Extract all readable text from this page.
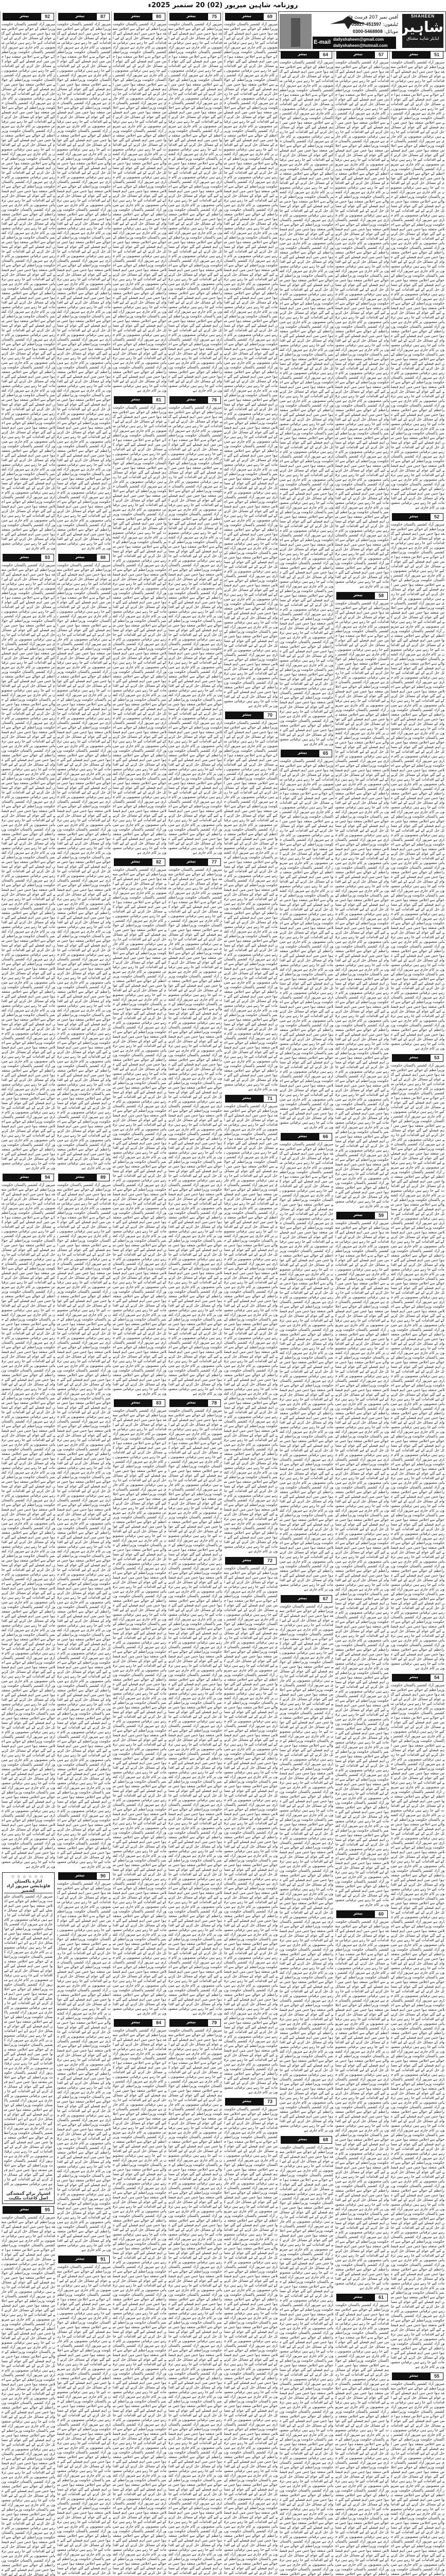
روزنامہ شاہین میرپور (02) 20 ستمبر 2025ء
SHAHEEN
شاہین
ایڈیٹر شاہد مشتاق
آفس نمبر 207 فرسٹ فلور
ٹیلیفون: 05827-451597
موبائل: 0300-5468808
E-mail dailyshaheen@gmail.com
dailyshaheen@hotmail.com
بینتر
51
میرپور آزاد کشمیر پاکستان حکومت وزیراعظم کے حوالے سے اجلاس منعقد ہوا جس میں اہم فیصلے کیے گئے عوام کے مسائل حل کرنے کے لیے اقدامات کیے جا رہے ہیں ترقیاتی منصوبوں پر کام جاری ہے میرپور آزاد کشمیر پاکستان حکومت وزیراعظم کے حوالے سے اجلاس منعقد ہوا جس میں اہم فیصلے کیے گئے عوام کے مسائل حل کرنے کے لیے اقدامات کیے جا رہے ہیں ترقیاتی منصوبوں پر کام جاری ہے میرپور آزاد کشمیر پاکستان حکومت وزیراعظم کے حوالے سے اجلاس منعقد ہوا جس میں اہم فیصلے کیے گئے عوام کے مسائل حل کرنے کے لیے اقدامات کیے جا رہے ہیں ترقیاتی منصوبوں پر کام جاری ہے میرپور آزاد کشمیر پاکستان حکومت وزیراعظم کے حوالے سے اجلاس منعقد ہوا جس میں اہم فیصلے کیے گئے عوام کے مسائل حل کرنے کے لیے اقدامات کیے جا رہے ہیں ترقیاتی منصوبوں پر کام جاری ہے میرپور آزاد کشمیر پاکستان حکومت وزیراعظم کے حوالے سے اجلاس منعقد ہوا جس میں اہم فیصلے کیے گئے عوام کے مسائل حل کرنے کے لیے اقدامات کیے جا رہے ہیں ترقیاتی منصوبوں پر کام جاری ہے میرپور آزاد کشمیر پاکستان حکومت وزیراعظم کے حوالے سے اجلاس منعقد ہوا جس میں اہم فیصلے کیے گئے عوام کے مسائل حل کرنے کے لیے اقدامات کیے جا رہے ہیں ترقیاتی منصوبوں پر کام جاری ہے میرپور آزاد کشمیر پاکستان حکومت وزیراعظم کے حوالے سے اجلاس منعقد ہوا جس میں اہم فیصلے کیے گئے عوام کے مسائل حل کرنے کے لیے اقدامات کیے جا رہے ہیں ترقیاتی منصوبوں پر کام جاری ہے میرپور آزاد کشمیر پاکستان حکومت وزیراعظم کے حوالے سے اجلاس منعقد ہوا جس میں اہم فیصلے کیے گئے عوام کے مسائل حل کرنے کے لیے اقدامات کیے جا رہے ہیں ترقیاتی منصوبوں پر کام جاری ہے میرپور آزاد کشمیر پاکستان حکومت وزیراعظم کے حوالے سے اجلاس منعقد ہوا جس میں اہم فیصلے کیے گئے عوام کے مسائل حل کرنے کے لیے اقدامات کیے جا رہے ہیں ترقیاتی منصوبوں پر کام جاری ہے میرپور آزاد کشمیر پاکستان حکومت وزیراعظم کے حوالے سے اجلاس منعقد ہوا جس میں اہم فیصلے کیے گئے عوام کے مسائل حل کرنے کے لیے اقدامات کیے جا رہے ہیں ترقیاتی منصوبوں پر کام جاری ہے میرپور آزاد کشمیر پاکستان حکومت وزیراعظم کے حوالے سے اجلاس منعقد ہوا جس میں اہم فیصلے کیے گئے عوام کے مسائل حل کرنے کے لیے اقدامات کیے جا رہے ہیں ترقیاتی منصوبوں پر کام جاری ہے میرپور آزاد کشمیر پاکستان حکومت وزیراعظم کے حوالے سے اجلاس منعقد ہوا جس میں اہم فیصلے کیے گئے عوام کے مسائل حل کرنے کے لیے اقدامات کیے جا رہے ہیں ترقیاتی منصوبوں پر کام جاری ہے میرپور آزاد کشمیر پاکستان حکومت وزیراعظم کے حوالے سے اجلاس منعقد ہوا جس میں اہم فیصلے کیے گئے عوام کے مسائل حل کرنے کے لیے اقدامات کیے جا رہے ہیں ترقیاتی منصوبوں پر کام جاری ہے میرپور آزاد کشمیر پاکستان حکومت وزیراعظم کے حوالے سے اجلاس منعقد ہوا جس میں اہم فیصلے کیے گئے عوام کے مسائل حل کرنے کے لیے اقدامات کیے جا رہے ہیں ترقیاتی منصوبوں پر کام جاری ہے میرپور آزاد کشمیر پاکستان حکومت وزیراعظم کے حوالے سے اجلاس منعقد ہوا جس میں اہم فیصلے کیے گئے عوام کے مسائل حل کرنے کے لیے اقدامات کیے جا رہے ہیں ترقیاتی منصوبوں پر کام جاری ہے میرپور آزاد کشمیر پاکستان حکومت وزیراعظم کے حوالے سے اجلاس منعقد ہوا جس میں اہم فیصلے کیے گئے عوام کے مسائل حل کرنے کے لیے اقدامات کیے جا رہے ہیں ترقیاتی منصوبوں پر کام جاری ہے میرپور آزاد کشمیر پاکستان حکومت وزیراعظم کے حوالے سے اجلاس منعقد ہوا جس میں اہم فیصلے کیے گئے عوام کے مسائل حل کرنے کے لیے اقدامات کیے جا رہے ہیں ترقیاتی منصوبوں پر کام جاری ہے
بینتر
52
میرپور آزاد کشمیر پاکستان حکومت وزیراعظم کے حوالے سے اجلاس منعقد ہوا جس میں اہم فیصلے کیے گئے عوام کے مسائل حل کرنے کے لیے اقدامات کیے جا رہے ہیں ترقیاتی منصوبوں پر کام جاری ہے میرپور آزاد کشمیر پاکستان حکومت وزیراعظم کے حوالے سے اجلاس منعقد ہوا جس میں اہم فیصلے کیے گئے عوام کے مسائل حل کرنے کے لیے اقدامات کیے جا رہے ہیں ترقیاتی منصوبوں پر کام جاری ہے میرپور آزاد کشمیر پاکستان حکومت وزیراعظم کے حوالے سے اجلاس منعقد ہوا جس میں اہم فیصلے کیے گئے عوام کے مسائل حل کرنے کے لیے اقدامات کیے جا رہے ہیں ترقیاتی منصوبوں پر کام جاری ہے میرپور آزاد کشمیر پاکستان حکومت وزیراعظم کے حوالے سے اجلاس منعقد ہوا جس میں اہم فیصلے کیے گئے عوام کے مسائل حل کرنے کے لیے اقدامات کیے جا رہے ہیں ترقیاتی منصوبوں پر کام جاری ہے میرپور آزاد کشمیر پاکستان حکومت وزیراعظم کے حوالے سے اجلاس منعقد ہوا جس میں اہم فیصلے کیے گئے عوام کے مسائل حل کرنے کے لیے اقدامات کیے جا رہے ہیں ترقیاتی منصوبوں پر کام جاری ہے میرپور آزاد کشمیر پاکستان حکومت وزیراعظم کے حوالے سے اجلاس منعقد ہوا جس میں اہم فیصلے کیے گئے عوام کے مسائل حل کرنے کے لیے اقدامات کیے جا رہے ہیں ترقیاتی منصوبوں پر کام جاری ہے میرپور آزاد کشمیر پاکستان حکومت وزیراعظم کے حوالے سے اجلاس منعقد ہوا جس میں اہم فیصلے کیے گئے عوام کے مسائل حل کرنے کے لیے اقدامات کیے جا رہے ہیں ترقیاتی منصوبوں پر کام جاری ہے میرپور آزاد کشمیر پاکستان حکومت وزیراعظم کے حوالے سے اجلاس منعقد ہوا جس میں اہم فیصلے کیے گئے عوام کے مسائل حل کرنے کے لیے اقدامات کیے جا رہے ہیں ترقیاتی منصوبوں پر کام جاری ہے میرپور آزاد کشمیر پاکستان حکومت وزیراعظم کے حوالے سے اجلاس منعقد ہوا جس میں اہم فیصلے کیے گئے عوام کے مسائل حل کرنے کے لیے اقدامات کیے جا رہے ہیں ترقیاتی منصوبوں پر کام جاری ہے میرپور آزاد کشمیر پاکستان حکومت وزیراعظم کے حوالے سے اجلاس منعقد ہوا جس میں اہم فیصلے کیے گئے عوام کے مسائل حل کرنے کے لیے اقدامات کیے جا رہے ہیں ترقیاتی منصوبوں پر کام جاری ہے میرپور آزاد کشمیر پاکستان حکومت وزیراعظم کے حوالے سے اجلاس منعقد ہوا جس میں اہم فیصلے کیے گئے عوام کے مسائل حل کرنے کے لیے اقدامات کیے جا رہے ہیں ترقیاتی منصوبوں پر کام جاری ہے میرپور آزاد کشمیر پاکستان حکومت وزیراعظم کے حوالے سے اجلاس منعقد ہوا جس میں اہم فیصلے کیے گئے عوام کے مسائل حل کرنے کے لیے اقدامات کیے جا رہے ہیں ترقیاتی منصوبوں پر کام جاری ہے میرپور آزاد کشمیر پاکستان حکومت وزیراعظم کے حوالے سے اجلاس منعقد ہوا جس میں اہم فیصلے کیے گئے عوام کے مسائل حل کرنے کے لیے اقدامات کیے جا رہے ہیں ترقیاتی منصوبوں پر کام جاری ہے میرپور آزاد کشمیر پاکستان حکومت وزیراعظم کے حوالے سے اجلاس منعقد ہوا جس میں اہم فیصلے کیے گئے عوام کے مسائل حل کرنے کے لیے اقدامات کیے جا رہے ہیں ترقیاتی منصوبوں پر کام جاری ہے میرپور آزاد کشمیر پاکستان حکومت وزیراعظم کے حوالے سے اجلاس منعقد ہوا جس میں اہم فیصلے کیے گئے عوام کے مسائل حل کرنے کے لیے اقدامات کیے جا رہے ہیں ترقیاتی منصوبوں پر کام جاری ہے میرپور آزاد کشمیر پاکستان حکومت وزیراعظم کے حوالے سے اجلاس منعقد ہوا جس میں اہم فیصلے کیے گئے عوام کے مسائل حل کرنے کے لیے اقدامات کیے جا رہے ہیں ترقیاتی منصوبوں پر کام جاری ہے میرپور آزاد کشمیر پاکستان حکومت وزیراعظم کے حوالے سے اجلاس منعقد ہوا جس میں اہم فیصلے کیے گئے عوام کے مسائل حل کرنے کے لیے اقدامات کیے جا رہے ہیں ترقیاتی منصوبوں پر کام جاری ہے میرپور آزاد کشمیر پاکستان حکومت وزیراعظم کے حوالے سے اجلاس منعقد ہوا جس میں اہم فیصلے کیے گئے عوام کے مسائل حل کرنے کے لیے اقدامات کیے جا رہے ہیں ترقیاتی منصوبوں پر کام جاری ہے میرپور آزاد کشمیر پاکستان حکومت وزیراعظم کے حوالے سے اجلاس منعقد ہوا جس میں اہم فیصلے کیے گئے عوام کے مسائل حل کرنے کے لیے اقدامات کیے جا رہے ہیں ترقیاتی منصوبوں پر کام جاری ہے میرپور آزاد کشمیر پاکستان حکومت وزیراعظم کے حوالے سے اجلاس منعقد ہوا جس میں اہم فیصلے کیے گئے عوام کے مسائل حل کرنے کے لیے اقدامات کیے جا رہے ہیں ترقیاتی منصوبوں پر کام جاری ہے
بینتر
53
میرپور آزاد کشمیر پاکستان حکومت وزیراعظم کے حوالے سے اجلاس منعقد ہوا جس میں اہم فیصلے کیے گئے عوام کے مسائل حل کرنے کے لیے اقدامات کیے جا رہے ہیں ترقیاتی منصوبوں پر کام جاری ہے میرپور آزاد کشمیر پاکستان حکومت وزیراعظم کے حوالے سے اجلاس منعقد ہوا جس میں اہم فیصلے کیے گئے عوام کے مسائل حل کرنے کے لیے اقدامات کیے جا رہے ہیں ترقیاتی منصوبوں پر کام جاری ہے میرپور آزاد کشمیر پاکستان حکومت وزیراعظم کے حوالے سے اجلاس منعقد ہوا جس میں اہم فیصلے کیے گئے عوام کے مسائل حل کرنے کے لیے اقدامات کیے جا رہے ہیں ترقیاتی منصوبوں پر کام جاری ہے میرپور آزاد کشمیر پاکستان حکومت وزیراعظم کے حوالے سے اجلاس منعقد ہوا جس میں اہم فیصلے کیے گئے عوام کے مسائل حل کرنے کے لیے اقدامات کیے جا رہے ہیں ترقیاتی منصوبوں پر کام جاری ہے میرپور آزاد کشمیر پاکستان حکومت وزیراعظم کے حوالے سے اجلاس منعقد ہوا جس میں اہم فیصلے کیے گئے عوام کے مسائل حل کرنے کے لیے اقدامات کیے جا رہے ہیں ترقیاتی منصوبوں پر کام جاری ہے میرپور آزاد کشمیر پاکستان حکومت وزیراعظم کے حوالے سے اجلاس منعقد ہوا جس میں اہم فیصلے کیے گئے عوام کے مسائل حل کرنے کے لیے اقدامات کیے جا رہے ہیں ترقیاتی منصوبوں پر کام جاری ہے میرپور آزاد کشمیر پاکستان حکومت وزیراعظم کے حوالے سے اجلاس منعقد ہوا جس میں اہم فیصلے کیے گئے عوام کے مسائل حل کرنے کے لیے اقدامات کیے جا رہے ہیں ترقیاتی منصوبوں پر کام جاری ہے میرپور آزاد کشمیر پاکستان حکومت وزیراعظم کے حوالے سے اجلاس منعقد ہوا جس میں اہم فیصلے کیے گئے عوام کے مسائل حل کرنے کے لیے اقدامات کیے جا رہے ہیں ترقیاتی منصوبوں پر کام جاری ہے میرپور آزاد کشمیر پاکستان حکومت وزیراعظم کے حوالے سے اجلاس منعقد ہوا جس میں اہم فیصلے کیے گئے عوام کے مسائل حل کرنے کے لیے اقدامات کیے جا رہے ہیں ترقیاتی منصوبوں پر کام جاری ہے میرپور آزاد کشمیر پاکستان حکومت وزیراعظم کے حوالے سے اجلاس منعقد ہوا جس میں اہم فیصلے کیے گئے عوام کے مسائل حل کرنے کے لیے اقدامات کیے جا رہے ہیں ترقیاتی منصوبوں پر کام جاری ہے میرپور آزاد کشمیر پاکستان حکومت وزیراعظم کے حوالے سے اجلاس منعقد ہوا جس میں اہم فیصلے کیے گئے عوام کے مسائل حل کرنے کے لیے اقدامات کیے جا رہے ہیں ترقیاتی منصوبوں پر کام جاری ہے میرپور آزاد کشمیر پاکستان حکومت وزیراعظم کے حوالے سے اجلاس منعقد ہوا جس میں اہم فیصلے کیے گئے عوام کے مسائل حل کرنے کے لیے اقدامات کیے جا رہے ہیں ترقیاتی منصوبوں پر کام جاری ہے میرپور آزاد کشمیر پاکستان حکومت وزیراعظم کے حوالے سے اجلاس منعقد ہوا جس میں اہم فیصلے کیے گئے عوام کے مسائل حل کرنے کے لیے اقدامات کیے جا رہے ہیں ترقیاتی منصوبوں پر کام جاری ہے میرپور آزاد کشمیر پاکستان حکومت وزیراعظم کے حوالے سے اجلاس منعقد ہوا جس میں اہم فیصلے کیے گئے عوام کے مسائل حل کرنے کے لیے اقدامات کیے جا رہے ہیں ترقیاتی منصوبوں پر کام جاری ہے میرپور آزاد کشمیر پاکستان حکومت وزیراعظم کے حوالے سے اجلاس منعقد ہوا جس میں اہم فیصلے کیے گئے عوام کے مسائل حل کرنے کے لیے اقدامات کیے جا رہے ہیں ترقیاتی منصوبوں پر کام جاری ہے میرپور آزاد کشمیر پاکستان حکومت وزیراعظم کے حوالے سے اجلاس منعقد ہوا جس میں اہم فیصلے کیے گئے عوام کے مسائل حل کرنے کے لیے اقدامات کیے جا رہے ہیں ترقیاتی منصوبوں پر کام جاری ہے میرپور آزاد کشمیر پاکستان حکومت وزیراعظم کے حوالے سے اجلاس منعقد ہوا جس میں اہم فیصلے کیے گئے عوام کے مسائل حل کرنے کے لیے اقدامات کیے جا رہے ہیں ترقیاتی منصوبوں پر کام جاری ہے میرپور آزاد کشمیر پاکستان حکومت وزیراعظم کے حوالے سے اجلاس منعقد ہوا جس میں اہم فیصلے کیے گئے عوام کے مسائل حل کرنے کے لیے اقدامات کیے جا رہے ہیں ترقیاتی منصوبوں پر کام جاری ہے میرپور آزاد کشمیر پاکستان حکومت وزیراعظم کے حوالے سے اجلاس منعقد ہوا جس میں اہم فیصلے کیے گئے عوام کے مسائل حل کرنے کے لیے اقدامات کیے جا رہے ہیں ترقیاتی منصوبوں پر کام جاری ہے میرپور آزاد کشمیر پاکستان حکومت وزیراعظم کے حوالے سے اجلاس منعقد ہوا جس میں اہم فیصلے کیے گئے عوام کے مسائل حل کرنے کے لیے اقدامات کیے جا رہے ہیں ترقیاتی منصوبوں پر کام جاری ہے میرپور آزاد کشمیر پاکستان حکومت وزیراعظم کے حوالے سے اجلاس منعقد ہوا جس میں اہم فیصلے کیے گئے عوام کے مسائل حل کرنے کے لیے اقدامات کیے جا رہے ہیں ترقیاتی منصوبوں پر کام جاری ہے میرپور آزاد کشمیر پاکستان حکومت وزیراعظم کے حوالے سے اجلاس منعقد ہوا جس میں اہم فیصلے کیے گئے عوام کے مسائل حل کرنے کے لیے اقدامات کیے جا رہے ہیں ترقیاتی منصوبوں پر کام جاری ہے میرپور آزاد کشمیر پاکستان حکومت وزیراعظم کے حوالے سے اجلاس منعقد ہوا جس میں اہم فیصلے کیے گئے عوام کے مسائل حل کرنے کے لیے اقدامات کیے جا رہے ہیں ترقیاتی منصوبوں پر کام جاری ہے
بینتر
54
میرپور آزاد کشمیر پاکستان حکومت وزیراعظم کے حوالے سے اجلاس منعقد ہوا جس میں اہم فیصلے کیے گئے عوام کے مسائل حل کرنے کے لیے اقدامات کیے جا رہے ہیں ترقیاتی منصوبوں پر کام جاری ہے میرپور آزاد کشمیر پاکستان حکومت وزیراعظم کے حوالے سے اجلاس منعقد ہوا جس میں اہم فیصلے کیے گئے عوام کے مسائل حل کرنے کے لیے اقدامات کیے جا رہے ہیں ترقیاتی منصوبوں پر کام جاری ہے میرپور آزاد کشمیر پاکستان حکومت وزیراعظم کے حوالے سے اجلاس منعقد ہوا جس میں اہم فیصلے کیے گئے عوام کے مسائل حل کرنے کے لیے اقدامات کیے جا رہے ہیں ترقیاتی منصوبوں پر کام جاری ہے میرپور آزاد کشمیر پاکستان حکومت وزیراعظم کے حوالے سے اجلاس منعقد ہوا جس میں اہم فیصلے کیے گئے عوام کے مسائل حل کرنے کے لیے اقدامات کیے جا رہے ہیں ترقیاتی منصوبوں پر کام جاری ہے میرپور آزاد کشمیر پاکستان حکومت وزیراعظم کے حوالے سے اجلاس منعقد ہوا جس میں اہم فیصلے کیے گئے عوام کے مسائل حل کرنے کے لیے اقدامات کیے جا رہے ہیں ترقیاتی منصوبوں پر کام جاری ہے میرپور آزاد کشمیر پاکستان حکومت وزیراعظم کے حوالے سے اجلاس منعقد ہوا جس میں اہم فیصلے کیے گئے عوام کے مسائل حل کرنے کے لیے اقدامات کیے جا رہے ہیں ترقیاتی منصوبوں پر کام جاری ہے میرپور آزاد کشمیر پاکستان حکومت وزیراعظم کے حوالے سے اجلاس منعقد ہوا جس میں اہم فیصلے کیے گئے عوام کے مسائل حل کرنے کے لیے اقدامات کیے جا رہے ہیں ترقیاتی منصوبوں پر کام جاری ہے میرپور آزاد کشمیر پاکستان حکومت وزیراعظم کے حوالے سے اجلاس منعقد ہوا جس میں اہم فیصلے کیے گئے عوام کے مسائل حل کرنے کے لیے اقدامات کیے جا رہے ہیں ترقیاتی منصوبوں پر کام جاری ہے میرپور آزاد کشمیر پاکستان حکومت وزیراعظم کے حوالے سے اجلاس منعقد ہوا جس میں اہم فیصلے کیے گئے عوام کے مسائل حل کرنے کے لیے اقدامات کیے جا رہے ہیں ترقیاتی منصوبوں پر کام جاری ہے میرپور آزاد کشمیر پاکستان حکومت وزیراعظم کے حوالے سے اجلاس منعقد ہوا جس میں اہم فیصلے کیے گئے عوام کے مسائل حل کرنے کے لیے اقدامات کیے جا رہے ہیں ترقیاتی منصوبوں پر کام جاری ہے میرپور آزاد کشمیر پاکستان حکومت وزیراعظم کے حوالے سے اجلاس منعقد ہوا جس میں اہم فیصلے کیے گئے عوام کے مسائل حل کرنے کے لیے اقدامات کیے جا رہے ہیں ترقیاتی منصوبوں پر کام جاری ہے میرپور آزاد کشمیر پاکستان حکومت وزیراعظم کے حوالے سے اجلاس منعقد ہوا جس میں اہم فیصلے کیے گئے عوام کے مسائل حل کرنے کے لیے اقدامات کیے جا رہے ہیں ترقیاتی منصوبوں پر کام جاری ہے میرپور آزاد کشمیر پاکستان حکومت وزیراعظم کے حوالے سے اجلاس منعقد ہوا جس میں اہم فیصلے کیے گئے عوام کے مسائل حل کرنے کے لیے اقدامات کیے جا رہے ہیں ترقیاتی منصوبوں پر کام جاری ہے میرپور آزاد کشمیر پاکستان حکومت وزیراعظم کے حوالے سے اجلاس منعقد ہوا جس میں اہم فیصلے کیے گئے عوام کے مسائل حل کرنے کے لیے اقدامات کیے جا رہے ہیں ترقیاتی منصوبوں پر کام جاری ہے میرپور آزاد کشمیر پاکستان حکومت وزیراعظم کے حوالے سے اجلاس منعقد ہوا جس میں اہم فیصلے کیے گئے عوام کے مسائل حل کرنے کے لیے اقدامات کیے جا رہے ہیں ترقیاتی منصوبوں پر کام جاری ہے میرپور آزاد کشمیر پاکستان حکومت وزیراعظم کے حوالے سے اجلاس منعقد ہوا جس میں اہم فیصلے کیے گئے عوام کے مسائل حل کرنے کے لیے اقدامات کیے جا رہے ہیں ترقیاتی منصوبوں پر کام جاری ہے میرپور آزاد کشمیر پاکستان حکومت وزیراعظم کے حوالے سے اجلاس منعقد ہوا جس میں اہم فیصلے کیے گئے عوام کے مسائل حل کرنے کے لیے اقدامات کیے جا رہے ہیں ترقیاتی منصوبوں پر کام جاری ہے میرپور آزاد کشمیر پاکستان حکومت وزیراعظم کے حوالے سے اجلاس منعقد ہوا جس میں اہم فیصلے کیے گئے عوام کے مسائل حل کرنے کے لیے اقدامات کیے جا رہے ہیں ترقیاتی منصوبوں پر کام جاری ہے میرپور آزاد کشمیر پاکستان حکومت وزیراعظم کے حوالے سے اجلاس منعقد ہوا جس میں اہم فیصلے کیے گئے عوام کے مسائل حل کرنے کے لیے اقدامات کیے جا رہے ہیں ترقیاتی منصوبوں پر کام جاری ہے میرپور آزاد کشمیر پاکستان حکومت وزیراعظم کے حوالے سے اجلاس منعقد ہوا جس میں اہم فیصلے کیے گئے عوام کے مسائل حل کرنے کے لیے اقدامات کیے جا رہے ہیں ترقیاتی منصوبوں پر کام جاری ہے میرپور آزاد کشمیر پاکستان حکومت وزیراعظم کے حوالے سے اجلاس منعقد ہوا جس میں اہم فیصلے کیے گئے عوام کے مسائل حل کرنے کے لیے اقدامات کیے جا رہے ہیں ترقیاتی منصوبوں پر کام جاری ہے میرپور آزاد کشمیر پاکستان حکومت وزیراعظم کے حوالے سے اجلاس منعقد ہوا جس میں اہم فیصلے کیے گئے عوام کے مسائل حل کرنے کے لیے اقدامات کیے جا رہے ہیں ترقیاتی منصوبوں پر کام جاری ہے میرپور آزاد کشمیر پاکستان حکومت وزیراعظم کے حوالے سے اجلاس منعقد ہوا جس میں اہم فیصلے کیے گئے عوام کے مسائل حل کرنے کے لیے اقدامات کیے جا رہے ہیں ترقیاتی منصوبوں پر کام جاری ہے میرپور آزاد کشمیر پاکستان حکومت وزیراعظم کے حوالے سے اجلاس منعقد ہوا جس میں اہم فیصلے کیے گئے عوام کے مسائل حل کرنے کے لیے اقدامات کیے جا رہے ہیں ترقیاتی منصوبوں پر کام جاری ہے میرپور آزاد کشمیر پاکستان حکومت وزیراعظم کے حوالے سے اجلاس منعقد ہوا جس میں اہم فیصلے کیے گئے عوام کے مسائل حل کرنے کے لیے اقدامات کیے جا رہے ہیں ترقیاتی منصوبوں پر کام جاری ہے میرپور آزاد کشمیر پاکستان حکومت وزیراعظم کے حوالے سے اجلاس منعقد ہوا جس میں اہم فیصلے کیے گئے عوام کے مسائل حل کرنے کے لیے اقدامات کیے جا رہے ہیں ترقیاتی منصوبوں پر کام جاری ہے
بینتر
55
میرپور آزاد کشمیر پاکستان حکومت وزیراعظم کے حوالے سے اجلاس منعقد ہوا جس میں اہم فیصلے کیے گئے عوام کے مسائل حل کرنے کے لیے اقدامات کیے جا رہے ہیں ترقیاتی منصوبوں پر کام جاری ہے میرپور آزاد کشمیر پاکستان حکومت وزیراعظم کے حوالے سے اجلاس منعقد ہوا جس میں اہم فیصلے کیے گئے عوام کے مسائل حل کرنے کے لیے اقدامات کیے جا رہے ہیں ترقیاتی منصوبوں پر کام جاری ہے میرپور آزاد کشمیر پاکستان حکومت وزیراعظم کے حوالے سے اجلاس منعقد ہوا جس میں اہم فیصلے کیے گئے عوام کے مسائل حل کرنے کے لیے اقدامات کیے جا رہے ہیں ترقیاتی منصوبوں پر کام جاری ہے میرپور آزاد کشمیر پاکستان حکومت وزیراعظم کے حوالے سے اجلاس منعقد ہوا جس میں اہم فیصلے کیے گئے عوام کے مسائل حل کرنے کے لیے اقدامات کیے جا رہے ہیں ترقیاتی منصوبوں پر کام جاری ہے میرپور آزاد کشمیر پاکستان حکومت وزیراعظم کے حوالے سے اجلاس منعقد ہوا جس میں اہم فیصلے کیے گئے عوام کے مسائل حل کرنے کے لیے اقدامات کیے جا رہے ہیں ترقیاتی منصوبوں پر کام جاری ہے میرپور آزاد کشمیر پاکستان حکومت وزیراعظم کے حوالے سے اجلاس منعقد ہوا جس میں اہم فیصلے کیے گئے عوام کے مسائل حل کرنے کے لیے اقدامات کیے جا رہے ہیں ترقیاتی منصوبوں پر کام جاری ہے میرپور آزاد کشمیر پاکستان حکومت وزیراعظم کے حوالے سے اجلاس منعقد ہوا جس میں اہم فیصلے کیے گئے عوام کے مسائل حل کرنے کے لیے اقدامات کیے جا رہے ہیں ترقیاتی منصوبوں پر کام جاری ہے میرپور آزاد کشمیر پاکستان حکومت وزیراعظم کے حوالے سے اجلاس منعقد
بینتر
57
میرپور آزاد کشمیر پاکستان حکومت وزیراعظم کے حوالے سے اجلاس منعقد ہوا جس میں اہم فیصلے کیے گئے عوام کے مسائل حل کرنے کے لیے اقدامات کیے جا رہے ہیں ترقیاتی منصوبوں پر کام جاری ہے میرپور آزاد کشمیر پاکستان حکومت وزیراعظم کے حوالے سے اجلاس منعقد ہوا جس میں اہم فیصلے کیے گئے عوام کے مسائل حل کرنے کے لیے اقدامات کیے جا رہے ہیں ترقیاتی منصوبوں پر کام جاری ہے میرپور آزاد کشمیر پاکستان حکومت وزیراعظم کے حوالے سے اجلاس منعقد ہوا جس میں اہم فیصلے کیے گئے عوام کے مسائل حل کرنے کے لیے اقدامات کیے جا رہے ہیں ترقیاتی منصوبوں پر کام جاری ہے میرپور آزاد کشمیر پاکستان حکومت وزیراعظم کے حوالے سے اجلاس منعقد ہوا جس میں اہم فیصلے کیے گئے عوام کے مسائل حل کرنے کے لیے اقدامات کیے جا رہے ہیں ترقیاتی منصوبوں پر کام جاری ہے میرپور آزاد کشمیر پاکستان حکومت وزیراعظم کے حوالے سے اجلاس منعقد ہوا جس میں اہم فیصلے کیے گئے عوام کے مسائل حل کرنے کے لیے اقدامات کیے جا رہے ہیں ترقیاتی منصوبوں پر کام جاری ہے میرپور آزاد کشمیر پاکستان حکومت وزیراعظم کے حوالے سے اجلاس منعقد ہوا جس میں اہم فیصلے کیے گئے عوام کے مسائل حل کرنے کے لیے اقدامات کیے جا رہے ہیں ترقیاتی منصوبوں پر کام جاری ہے میرپور آزاد کشمیر پاکستان حکومت وزیراعظم کے حوالے سے اجلاس منعقد ہوا جس میں اہم فیصلے کیے گئے عوام کے مسائل حل کرنے کے لیے اقدامات کیے جا رہے ہیں ترقیاتی منصوبوں پر کام جاری ہے میرپور آزاد کشمیر پاکستان حکومت وزیراعظم کے حوالے سے اجلاس منعقد ہوا جس میں اہم فیصلے کیے گئے عوام کے مسائل حل کرنے کے لیے اقدامات کیے جا رہے ہیں ترقیاتی منصوبوں پر کام جاری ہے میرپور آزاد کشمیر پاکستان حکومت وزیراعظم کے حوالے سے اجلاس منعقد ہوا جس میں اہم فیصلے کیے گئے عوام کے مسائل حل کرنے کے لیے اقدامات کیے جا رہے ہیں ترقیاتی منصوبوں پر کام جاری ہے میرپور آزاد کشمیر پاکستان حکومت وزیراعظم کے حوالے سے اجلاس منعقد ہوا جس میں اہم فیصلے کیے گئے عوام کے مسائل حل کرنے کے لیے اقدامات کیے جا رہے ہیں ترقیاتی منصوبوں پر کام جاری ہے میرپور آزاد کشمیر پاکستان حکومت وزیراعظم کے حوالے سے اجلاس منعقد ہوا جس میں اہم فیصلے کیے گئے عوام کے مسائل حل کرنے کے لیے اقدامات کیے جا رہے ہیں ترقیاتی منصوبوں پر کام جاری ہے میرپور آزاد کشمیر پاکستان حکومت وزیراعظم کے حوالے سے اجلاس منعقد ہوا جس میں اہم فیصلے کیے گئے عوام کے مسائل حل کرنے کے لیے اقدامات کیے جا رہے ہیں ترقیاتی منصوبوں پر کام جاری ہے میرپور آزاد کشمیر پاکستان حکومت وزیراعظم کے حوالے سے اجلاس منعقد ہوا جس میں اہم فیصلے کیے گئے عوام کے مسائل حل کرنے کے لیے اقدامات کیے جا رہے ہیں ترقیاتی منصوبوں پر کام جاری ہے میرپور آزاد کشمیر پاکستان حکومت وزیراعظم کے حوالے سے اجلاس منعقد ہوا جس میں اہم فیصلے کیے گئے عوام کے مسائل حل کرنے کے لیے اقدامات کیے جا رہے ہیں ترقیاتی منصوبوں پر کام جاری ہے میرپور آزاد کشمیر پاکستان حکومت وزیراعظم کے حوالے سے اجلاس منعقد ہوا جس میں اہم فیصلے کیے گئے عوام کے مسائل حل کرنے کے لیے اقدامات کیے جا رہے ہیں ترقیاتی منصوبوں پر کام جاری ہے میرپور آزاد کشمیر پاکستان حکومت وزیراعظم کے حوالے سے اجلاس منعقد ہوا جس میں اہم فیصلے کیے گئے عوام کے مسائل حل کرنے کے لیے اقدامات کیے جا رہے ہیں ترقیاتی منصوبوں پر کام جاری ہے میرپور آزاد کشمیر پاکستان حکومت وزیراعظم کے حوالے سے اجلاس منعقد ہوا جس میں اہم فیصلے کیے گئے عوام کے مسائل حل کرنے کے لیے اقدامات کیے جا رہے ہیں ترقیاتی منصوبوں پر کام جاری ہے میرپور آزاد کشمیر پاکستان حکومت وزیراعظم کے حوالے سے اجلاس منعقد ہوا جس میں اہم فیصلے کیے گئے عوام کے مسائل حل کرنے کے لیے اقدامات کیے جا رہے ہیں ترقیاتی منصوبوں پر کام جاری ہے میرپور آزاد کشمیر پاکستان حکومت وزیراعظم کے حوالے سے اجلاس منعقد ہوا جس میں اہم فیصلے کیے گئے عوام کے مسائل حل کرنے کے لیے اقدامات کیے جا رہے ہیں ترقیاتی منصوبوں پر کام جاری ہے میرپور آزاد کشمیر پاکستان حکومت وزیراعظم کے حوالے سے اجلاس منعقد ہوا جس میں اہم فیصلے کیے گئے عوام کے مسائل حل کرنے کے لیے اقدامات کیے جا رہے ہیں ترقیاتی منصوبوں پر کام جاری ہے
بینتر
58
میرپور آزاد کشمیر پاکستان حکومت وزیراعظم کے حوالے سے اجلاس منعقد ہوا جس میں اہم فیصلے کیے گئے عوام کے مسائل حل کرنے کے لیے اقدامات کیے جا رہے ہیں ترقیاتی منصوبوں پر کام جاری ہے میرپور آزاد کشمیر پاکستان حکومت وزیراعظم کے حوالے سے اجلاس منعقد ہوا جس میں اہم فیصلے کیے گئے عوام کے مسائل حل کرنے کے لیے اقدامات کیے جا رہے ہیں ترقیاتی منصوبوں پر کام جاری ہے میرپور آزاد کشمیر پاکستان حکومت وزیراعظم کے حوالے سے اجلاس منعقد ہوا جس میں اہم فیصلے کیے گئے عوام کے مسائل حل کرنے کے لیے اقدامات کیے جا رہے ہیں ترقیاتی منصوبوں پر کام جاری ہے میرپور آزاد کشمیر پاکستان حکومت وزیراعظم کے حوالے سے اجلاس منعقد ہوا جس میں اہم فیصلے کیے گئے عوام کے مسائل حل کرنے کے لیے اقدامات کیے جا رہے ہیں ترقیاتی منصوبوں پر کام جاری ہے میرپور آزاد کشمیر پاکستان حکومت وزیراعظم کے حوالے سے اجلاس منعقد ہوا جس میں اہم فیصلے کیے گئے عوام کے مسائل حل کرنے کے لیے اقدامات کیے جا رہے ہیں ترقیاتی منصوبوں پر کام جاری ہے میرپور آزاد کشمیر پاکستان حکومت وزیراعظم کے حوالے سے اجلاس منعقد ہوا جس میں اہم فیصلے کیے گئے عوام کے مسائل حل کرنے کے لیے اقدامات کیے جا رہے ہیں ترقیاتی منصوبوں پر کام جاری ہے میرپور آزاد کشمیر پاکستان حکومت وزیراعظم کے حوالے سے اجلاس منعقد ہوا جس میں اہم فیصلے کیے گئے عوام کے مسائل حل کرنے کے لیے اقدامات کیے جا رہے ہیں ترقیاتی منصوبوں پر کام جاری ہے میرپور آزاد کشمیر پاکستان حکومت وزیراعظم کے حوالے سے اجلاس منعقد ہوا جس میں اہم فیصلے کیے گئے عوام کے مسائل حل کرنے کے لیے اقدامات کیے جا رہے ہیں ترقیاتی منصوبوں پر کام جاری ہے میرپور آزاد کشمیر پاکستان حکومت وزیراعظم کے حوالے سے اجلاس منعقد ہوا جس میں اہم فیصلے کیے گئے عوام کے مسائل حل کرنے کے لیے اقدامات کیے جا رہے ہیں ترقیاتی منصوبوں پر کام جاری ہے میرپور آزاد کشمیر پاکستان حکومت وزیراعظم کے حوالے سے اجلاس منعقد ہوا جس میں اہم فیصلے کیے گئے عوام کے مسائل حل کرنے کے لیے اقدامات کیے جا رہے ہیں ترقیاتی منصوبوں پر کام جاری ہے میرپور آزاد کشمیر پاکستان حکومت وزیراعظم کے حوالے سے اجلاس منعقد ہوا جس میں اہم فیصلے کیے گئے عوام کے مسائل حل کرنے کے لیے اقدامات کیے جا رہے ہیں ترقیاتی منصوبوں پر کام جاری ہے میرپور آزاد کشمیر پاکستان حکومت وزیراعظم کے حوالے سے اجلاس منعقد ہوا جس میں اہم فیصلے کیے گئے عوام کے مسائل حل کرنے کے لیے اقدامات کیے جا رہے ہیں ترقیاتی منصوبوں پر کام جاری ہے میرپور آزاد کشمیر پاکستان حکومت وزیراعظم کے حوالے سے اجلاس منعقد ہوا جس میں اہم فیصلے کیے گئے عوام کے مسائل حل کرنے کے لیے اقدامات کیے جا رہے ہیں ترقیاتی منصوبوں پر کام جاری ہے میرپور آزاد کشمیر پاکستان حکومت وزیراعظم کے حوالے سے اجلاس منعقد ہوا جس میں اہم فیصلے کیے گئے عوام کے مسائل حل کرنے کے لیے اقدامات کیے جا رہے ہیں ترقیاتی منصوبوں پر کام جاری ہے میرپور آزاد کشمیر پاکستان حکومت وزیراعظم کے حوالے سے اجلاس منعقد ہوا جس میں اہم فیصلے کیے گئے عوام کے مسائل حل کرنے کے لیے اقدامات کیے جا رہے ہیں ترقیاتی منصوبوں پر کام جاری ہے میرپور آزاد کشمیر پاکستان حکومت وزیراعظم کے حوالے سے اجلاس منعقد ہوا جس میں اہم فیصلے کیے گئے عوام کے مسائل حل کرنے کے لیے اقدامات کیے جا رہے ہیں ترقیاتی منصوبوں پر کام جاری ہے میرپور آزاد کشمیر پاکستان حکومت وزیراعظم کے حوالے سے اجلاس منعقد ہوا جس میں اہم فیصلے کیے گئے عوام کے مسائل حل کرنے کے لیے اقدامات کیے جا رہے ہیں ترقیاتی منصوبوں پر کام جاری ہے میرپور آزاد کشمیر پاکستان حکومت وزیراعظم کے حوالے سے اجلاس منعقد ہوا جس میں اہم فیصلے کیے گئے عوام کے مسائل حل کرنے کے لیے اقدامات کیے جا رہے ہیں ترقیاتی منصوبوں پر کام جاری ہے میرپور آزاد کشمیر پاکستان حکومت وزیراعظم کے حوالے سے اجلاس منعقد ہوا جس میں اہم فیصلے کیے گئے عوام کے مسائل حل کرنے کے لیے اقدامات کیے جا رہے ہیں ترقیاتی منصوبوں پر کام جاری ہے میرپور آزاد کشمیر پاکستان حکومت وزیراعظم کے حوالے سے اجلاس منعقد ہوا جس میں اہم فیصلے کیے گئے عوام کے مسائل حل کرنے کے لیے اقدامات کیے جا رہے ہیں ترقیاتی منصوبوں پر کام جاری ہے میرپور آزاد کشمیر پاکستان حکومت وزیراعظم کے حوالے سے اجلاس منعقد ہوا جس میں اہم فیصلے کیے گئے عوام کے مسائل حل کرنے کے لیے اقدامات کیے جا رہے ہیں ترقیاتی منصوبوں پر کام جاری ہے میرپور آزاد کشمیر پاکستان حکومت وزیراعظم کے حوالے سے اجلاس منعقد ہوا جس میں اہم فیصلے کیے گئے عوام کے مسائل حل کرنے کے لیے اقدامات کیے جا رہے ہیں ترقیاتی منصوبوں پر کام جاری ہے میرپور آزاد کشمیر پاکستان حکومت وزیراعظم کے حوالے سے اجلاس منعقد ہوا جس میں اہم فیصلے کیے گئے عوام کے مسائل حل کرنے کے لیے اقدامات کیے جا رہے ہیں ترقیاتی منصوبوں پر کام جاری ہے
بینتر
59
میرپور آزاد کشمیر پاکستان حکومت وزیراعظم کے حوالے سے اجلاس منعقد ہوا جس میں اہم فیصلے کیے گئے عوام کے مسائل حل کرنے کے لیے اقدامات کیے جا رہے ہیں ترقیاتی منصوبوں پر کام جاری ہے میرپور آزاد کشمیر پاکستان حکومت وزیراعظم کے حوالے سے اجلاس منعقد ہوا جس میں اہم فیصلے کیے گئے عوام کے مسائل حل کرنے کے لیے اقدامات کیے جا رہے ہیں ترقیاتی منصوبوں پر کام جاری ہے میرپور آزاد کشمیر پاکستان حکومت وزیراعظم کے حوالے سے اجلاس منعقد ہوا جس میں اہم فیصلے کیے گئے عوام کے مسائل حل کرنے کے لیے اقدامات کیے جا رہے ہیں ترقیاتی منصوبوں پر کام جاری ہے میرپور آزاد کشمیر پاکستان حکومت وزیراعظم کے حوالے سے اجلاس منعقد ہوا جس میں اہم فیصلے کیے گئے عوام کے مسائل حل کرنے کے لیے اقدامات کیے جا رہے ہیں ترقیاتی منصوبوں پر کام جاری ہے میرپور آزاد کشمیر پاکستان حکومت وزیراعظم کے حوالے سے اجلاس منعقد ہوا جس میں اہم فیصلے کیے گئے عوام کے مسائل حل کرنے کے لیے اقدامات کیے جا رہے ہیں ترقیاتی منصوبوں پر کام جاری ہے میرپور آزاد کشمیر پاکستان حکومت وزیراعظم کے حوالے سے اجلاس منعقد ہوا جس میں اہم فیصلے کیے گئے عوام کے مسائل حل کرنے کے لیے اقدامات کیے جا رہے ہیں ترقیاتی منصوبوں پر کام جاری ہے میرپور آزاد کشمیر پاکستان حکومت وزیراعظم کے حوالے سے اجلاس منعقد ہوا جس میں اہم فیصلے کیے گئے عوام کے مسائل حل کرنے کے لیے اقدامات کیے جا رہے ہیں ترقیاتی منصوبوں پر کام جاری ہے میرپور آزاد کشمیر پاکستان حکومت وزیراعظم کے حوالے سے اجلاس منعقد ہوا جس میں اہم فیصلے کیے گئے عوام کے مسائل حل کرنے کے لیے اقدامات کیے جا رہے ہیں ترقیاتی منصوبوں پر کام جاری ہے میرپور آزاد کشمیر پاکستان حکومت وزیراعظم کے حوالے سے اجلاس منعقد ہوا جس میں اہم فیصلے کیے گئے عوام کے مسائل حل کرنے کے لیے اقدامات کیے جا رہے ہیں ترقیاتی منصوبوں پر کام جاری ہے میرپور آزاد کشمیر پاکستان حکومت وزیراعظم کے حوالے سے اجلاس منعقد ہوا جس میں اہم فیصلے کیے گئے عوام کے مسائل حل کرنے کے لیے اقدامات کیے جا رہے ہیں ترقیاتی منصوبوں پر کام جاری ہے میرپور آزاد کشمیر پاکستان حکومت وزیراعظم کے حوالے سے اجلاس منعقد ہوا جس میں اہم فیصلے کیے گئے عوام کے مسائل حل کرنے کے لیے اقدامات کیے جا رہے ہیں ترقیاتی منصوبوں پر کام جاری ہے میرپور آزاد کشمیر پاکستان حکومت وزیراعظم کے حوالے سے اجلاس منعقد ہوا جس میں اہم فیصلے کیے گئے عوام کے مسائل حل کرنے کے لیے اقدامات کیے جا رہے ہیں ترقیاتی منصوبوں پر کام جاری ہے میرپور آزاد کشمیر پاکستان حکومت وزیراعظم کے حوالے سے اجلاس منعقد ہوا جس میں اہم فیصلے کیے گئے عوام کے مسائل حل کرنے کے لیے اقدامات کیے جا رہے ہیں ترقیاتی منصوبوں پر کام جاری ہے میرپور آزاد کشمیر پاکستان حکومت وزیراعظم کے حوالے سے اجلاس منعقد ہوا جس میں اہم فیصلے کیے گئے عوام کے مسائل حل کرنے کے لیے اقدامات کیے جا رہے ہیں ترقیاتی منصوبوں پر کام جاری ہے میرپور آزاد کشمیر پاکستان حکومت وزیراعظم کے حوالے سے اجلاس منعقد ہوا جس میں اہم فیصلے کیے گئے عوام کے مسائل حل کرنے کے لیے اقدامات کیے جا رہے ہیں ترقیاتی منصوبوں پر کام جاری ہے میرپور آزاد کشمیر پاکستان حکومت وزیراعظم کے حوالے سے اجلاس منعقد ہوا جس میں اہم فیصلے کیے گئے عوام کے مسائل حل کرنے کے لیے اقدامات کیے جا رہے ہیں ترقیاتی منصوبوں پر کام جاری ہے میرپور آزاد کشمیر پاکستان حکومت وزیراعظم کے حوالے سے اجلاس منعقد ہوا جس میں اہم فیصلے کیے گئے عوام کے مسائل حل کرنے کے لیے اقدامات کیے جا رہے ہیں ترقیاتی منصوبوں پر کام جاری ہے میرپور آزاد کشمیر پاکستان حکومت وزیراعظم کے حوالے سے اجلاس منعقد ہوا جس میں اہم فیصلے کیے گئے عوام کے مسائل حل کرنے کے لیے اقدامات کیے جا رہے ہیں ترقیاتی منصوبوں پر کام جاری ہے میرپور آزاد کشمیر پاکستان حکومت وزیراعظم کے حوالے سے اجلاس منعقد ہوا جس میں اہم فیصلے کیے گئے عوام کے مسائل حل کرنے کے لیے اقدامات کیے جا رہے ہیں ترقیاتی منصوبوں پر کام جاری ہے میرپور آزاد کشمیر پاکستان حکومت وزیراعظم کے حوالے سے اجلاس منعقد ہوا جس میں اہم فیصلے کیے گئے عوام کے مسائل حل کرنے کے لیے اقدامات کیے جا رہے ہیں ترقیاتی منصوبوں پر کام جاری ہے میرپور آزاد کشمیر پاکستان حکومت وزیراعظم کے حوالے سے اجلاس منعقد ہوا جس میں اہم فیصلے کیے گئے عوام کے مسائل حل کرنے کے لیے اقدامات کیے جا رہے ہیں ترقیاتی منصوبوں پر کام جاری ہے میرپور آزاد کشمیر پاکستان حکومت وزیراعظم کے حوالے سے اجلاس منعقد ہوا جس میں اہم فیصلے کیے گئے عوام کے مسائل حل کرنے کے لیے اقدامات کیے جا رہے ہیں ترقیاتی منصوبوں پر کام جاری ہے میرپور آزاد کشمیر پاکستان حکومت وزیراعظم کے حوالے سے اجلاس منعقد ہوا جس میں اہم فیصلے کیے گئے عوام کے مسائل حل کرنے کے لیے اقدامات کیے جا رہے ہیں ترقیاتی منصوبوں پر کام جاری ہے میرپور آزاد کشمیر پاکستان حکومت وزیراعظم کے حوالے سے اجلاس منعقد ہوا جس میں اہم فیصلے کیے گئے عوام کے مسائل حل کرنے کے لیے اقدامات کیے جا رہے ہیں ترقیاتی منصوبوں پر کام جاری ہے میرپور آزاد کشمیر پاکستان حکومت وزیراعظم کے حوالے سے اجلاس منعقد ہوا جس میں اہم فیصلے کیے گئے عوام کے مسائل حل کرنے کے لیے اقدامات کیے جا رہے ہیں ترقیاتی منصوبوں پر کام جاری ہے میرپور آزاد کشمیر پاکستان حکومت وزیراعظم کے حوالے سے اجلاس منعقد ہوا جس میں اہم فیصلے کیے گئے عوام کے مسائل حل کرنے کے لیے اقدامات کیے جا رہے ہیں ترقیاتی منصوبوں پر کام جاری ہے
بینتر
60
میرپور آزاد کشمیر پاکستان حکومت وزیراعظم کے حوالے سے اجلاس منعقد ہوا جس میں اہم فیصلے کیے گئے عوام کے مسائل حل کرنے کے لیے اقدامات کیے جا رہے ہیں ترقیاتی منصوبوں پر کام جاری ہے میرپور آزاد کشمیر پاکستان حکومت وزیراعظم کے حوالے سے اجلاس منعقد ہوا جس میں اہم فیصلے کیے گئے عوام کے مسائل حل کرنے کے لیے اقدامات کیے جا رہے ہیں ترقیاتی منصوبوں پر کام جاری ہے میرپور آزاد کشمیر پاکستان حکومت وزیراعظم کے حوالے سے اجلاس منعقد ہوا جس میں اہم فیصلے کیے گئے عوام کے مسائل حل کرنے کے لیے اقدامات کیے جا رہے ہیں ترقیاتی منصوبوں پر کام جاری ہے میرپور آزاد کشمیر پاکستان حکومت وزیراعظم کے حوالے سے اجلاس منعقد ہوا جس میں اہم فیصلے کیے گئے عوام کے مسائل حل کرنے کے لیے اقدامات کیے جا رہے ہیں ترقیاتی منصوبوں پر کام جاری ہے میرپور آزاد کشمیر پاکستان حکومت وزیراعظم کے حوالے سے اجلاس منعقد ہوا جس میں اہم فیصلے کیے گئے عوام کے مسائل حل کرنے کے لیے اقدامات کیے جا رہے ہیں ترقیاتی منصوبوں پر کام جاری ہے میرپور آزاد کشمیر پاکستان حکومت وزیراعظم کے حوالے سے اجلاس منعقد ہوا جس میں اہم فیصلے کیے گئے عوام کے مسائل حل کرنے کے لیے اقدامات کیے جا رہے ہیں ترقیاتی منصوبوں پر کام جاری ہے میرپور آزاد کشمیر پاکستان حکومت وزیراعظم کے حوالے سے اجلاس منعقد ہوا جس میں اہم فیصلے کیے گئے عوام کے مسائل حل کرنے کے لیے اقدامات کیے جا رہے ہیں ترقیاتی منصوبوں پر کام جاری ہے میرپور آزاد کشمیر پاکستان حکومت وزیراعظم کے حوالے سے اجلاس منعقد ہوا جس میں اہم فیصلے کیے گئے عوام کے مسائل حل کرنے کے لیے اقدامات کیے جا رہے ہیں ترقیاتی منصوبوں پر کام جاری ہے میرپور آزاد کشمیر پاکستان حکومت وزیراعظم کے حوالے سے اجلاس منعقد ہوا جس میں اہم فیصلے کیے گئے عوام کے مسائل حل کرنے کے لیے اقدامات کیے جا رہے ہیں ترقیاتی منصوبوں پر کام جاری ہے میرپور آزاد کشمیر پاکستان حکومت وزیراعظم کے حوالے سے اجلاس منعقد ہوا جس میں اہم فیصلے کیے گئے عوام کے مسائل حل کرنے کے لیے اقدامات کیے جا رہے ہیں ترقیاتی منصوبوں پر کام جاری ہے میرپور آزاد کشمیر پاکستان حکومت وزیراعظم کے حوالے سے اجلاس منعقد ہوا جس میں اہم فیصلے کیے گئے عوام کے مسائل حل کرنے کے لیے اقدامات کیے جا رہے ہیں ترقیاتی منصوبوں پر کام جاری ہے میرپور آزاد کشمیر پاکستان حکومت وزیراعظم کے حوالے سے اجلاس منعقد ہوا جس میں اہم فیصلے کیے گئے عوام کے مسائل حل کرنے کے لیے اقدامات کیے جا رہے ہیں ترقیاتی منصوبوں پر کام جاری ہے میرپور آزاد کشمیر پاکستان حکومت وزیراعظم کے حوالے سے اجلاس منعقد ہوا جس میں اہم فیصلے کیے گئے عوام کے مسائل حل کرنے کے لیے اقدامات کیے جا رہے ہیں ترقیاتی منصوبوں پر کام جاری ہے میرپور آزاد کشمیر پاکستان حکومت وزیراعظم کے حوالے سے اجلاس منعقد ہوا جس میں اہم فیصلے کیے گئے عوام کے مسائل حل کرنے کے لیے اقدامات کیے جا رہے ہیں ترقیاتی منصوبوں پر کام جاری ہے
بینتر
61
میرپور آزاد کشمیر پاکستان حکومت وزیراعظم کے حوالے سے اجلاس منعقد ہوا جس میں اہم فیصلے کیے گئے عوام کے مسائل حل کرنے کے لیے اقدامات کیے جا رہے ہیں ترقیاتی منصوبوں پر کام جاری ہے میرپور آزاد کشمیر پاکستان حکومت وزیراعظم کے حوالے سے اجلاس منعقد ہوا جس میں اہم فیصلے کیے گئے عوام کے مسائل حل کرنے کے لیے اقدامات کیے جا رہے ہیں ترقیاتی منصوبوں پر کام جاری ہے میرپور آزاد کشمیر پاکستان حکومت وزیراعظم کے حوالے سے اجلاس منعقد ہوا جس میں اہم فیصلے کیے گئے عوام کے مسائل حل کرنے کے لیے اقدامات کیے جا رہے ہیں ترقیاتی منصوبوں پر کام جاری ہے میرپور آزاد کشمیر پاکستان حکومت وزیراعظم کے حوالے سے اجلاس منعقد ہوا جس میں اہم فیصلے کیے گئے عوام کے مسائل حل کرنے کے لیے اقدامات کیے جا رہے ہیں ترقیاتی منصوبوں پر کام جاری ہے میرپور آزاد کشمیر پاکستان حکومت وزیراعظم کے حوالے سے اجلاس منعقد ہوا جس میں اہم فیصلے کیے گئے عوام کے مسائل حل کرنے کے لیے اقدامات کیے جا رہے ہیں ترقیاتی منصوبوں پر کام جاری ہے میرپور آزاد کشمیر پاکستان حکومت وزیراعظم کے حوالے سے اجلاس منعقد ہوا جس میں اہم فیصلے کیے گئے عوام کے مسائل حل کرنے کے لیے اقدامات کیے جا رہے ہیں ترقیاتی منصوبوں پر کام جاری ہے میرپور آزاد کشمیر پاکستان حکومت وزیراعظم کے حوالے سے اجلاس منعقد ہوا جس میں اہم فیصلے کیے گئے عوام کے مسائل حل کرنے کے لیے اقدامات کیے جا رہے ہیں ترقیاتی منصوبوں پر کام جاری ہے میرپور آزاد کشمیر پاکستان حکومت وزیراعظم کے حوالے سے اجلاس منعقد ہوا جس میں اہم فیصلے کیے گئے عوام کے مسائل حل کرنے کے لیے اقدامات کیے جا رہے ہیں ترقیاتی منصوبوں پر کام جاری ہے میرپور آزاد کشمیر پاکستان حکومت وزیراعظم کے حوالے سے اجلاس منعقد ہوا جس میں اہم فیصلے کیے گئے عوام کے مسائل حل کرنے کے لیے اقدامات کیے جا رہے ہیں ترقیاتی منصوبوں پر کام جاری ہے میرپور آزاد کشمیر پاکستان حکومت وزیراعظم کے حوالے سے اجلاس منعقد ہوا جس میں اہم فیصلے کیے گئے عوام کے مسائل حل کرنے کے لیے اقدامات کیے جا رہے ہیں ترقیاتی منصوبوں پر کام جاری ہے میرپور آزاد کشمیر پاکستان حکومت وزیراعظم کے حوالے سے اجلاس منعقد
بینتر
64
میرپور آزاد کشمیر پاکستان حکومت وزیراعظم کے حوالے سے اجلاس منعقد ہوا جس میں اہم فیصلے کیے گئے عوام کے مسائل حل کرنے کے لیے اقدامات کیے جا رہے ہیں ترقیاتی منصوبوں پر کام جاری ہے میرپور آزاد کشمیر پاکستان حکومت وزیراعظم کے حوالے سے اجلاس منعقد ہوا جس میں اہم فیصلے کیے گئے عوام کے مسائل حل کرنے کے لیے اقدامات کیے جا رہے ہیں ترقیاتی منصوبوں پر کام جاری ہے میرپور آزاد کشمیر پاکستان حکومت وزیراعظم کے حوالے سے اجلاس منعقد ہوا جس میں اہم فیصلے کیے گئے عوام کے مسائل حل کرنے کے لیے اقدامات کیے جا رہے ہیں ترقیاتی منصوبوں پر کام جاری ہے میرپور آزاد کشمیر پاکستان حکومت وزیراعظم کے حوالے سے اجلاس منعقد ہوا جس میں اہم فیصلے کیے گئے عوام کے مسائل حل کرنے کے لیے اقدامات کیے جا رہے ہیں ترقیاتی منصوبوں پر کام جاری ہے میرپور آزاد کشمیر پاکستان حکومت وزیراعظم کے حوالے سے اجلاس منعقد ہوا جس میں اہم فیصلے کیے گئے عوام کے مسائل حل کرنے کے لیے اقدامات کیے جا رہے ہیں ترقیاتی منصوبوں پر کام جاری ہے میرپور آزاد کشمیر پاکستان حکومت وزیراعظم کے حوالے سے اجلاس منعقد ہوا جس میں اہم فیصلے کیے گئے عوام کے مسائل حل کرنے کے لیے اقدامات کیے جا رہے ہیں ترقیاتی منصوبوں پر کام جاری ہے میرپور آزاد کشمیر پاکستان حکومت وزیراعظم کے حوالے سے اجلاس منعقد ہوا جس میں اہم فیصلے کیے گئے عوام کے مسائل حل کرنے کے لیے اقدامات کیے جا رہے ہیں ترقیاتی منصوبوں پر کام جاری ہے میرپور آزاد کشمیر پاکستان حکومت وزیراعظم کے حوالے سے اجلاس منعقد ہوا جس میں اہم فیصلے کیے گئے عوام کے مسائل حل کرنے کے لیے اقدامات کیے جا رہے ہیں ترقیاتی منصوبوں پر کام جاری ہے میرپور آزاد کشمیر پاکستان حکومت وزیراعظم کے حوالے سے اجلاس منعقد ہوا جس میں اہم فیصلے کیے گئے عوام کے مسائل حل کرنے کے لیے اقدامات کیے جا رہے ہیں ترقیاتی منصوبوں پر کام جاری ہے میرپور آزاد کشمیر پاکستان حکومت وزیراعظم کے حوالے سے اجلاس منعقد ہوا جس میں اہم فیصلے کیے گئے عوام کے مسائل حل کرنے کے لیے اقدامات کیے جا رہے ہیں ترقیاتی منصوبوں پر کام جاری ہے میرپور آزاد کشمیر پاکستان حکومت وزیراعظم کے حوالے سے اجلاس منعقد ہوا جس میں اہم فیصلے کیے گئے عوام کے مسائل حل کرنے کے لیے اقدامات کیے جا رہے ہیں ترقیاتی منصوبوں پر کام جاری ہے میرپور آزاد کشمیر پاکستان حکومت وزیراعظم کے حوالے سے اجلاس منعقد ہوا جس میں اہم فیصلے کیے گئے عوام کے مسائل حل کرنے کے لیے اقدامات کیے جا رہے ہیں ترقیاتی منصوبوں پر کام جاری ہے میرپور آزاد کشمیر پاکستان حکومت وزیراعظم کے حوالے سے اجلاس منعقد ہوا جس میں اہم فیصلے کیے گئے عوام کے مسائل حل کرنے کے لیے اقدامات کیے جا رہے ہیں ترقیاتی منصوبوں پر کام جاری ہے میرپور آزاد کشمیر پاکستان حکومت وزیراعظم کے حوالے سے اجلاس منعقد ہوا جس میں اہم فیصلے کیے گئے عوام کے مسائل حل کرنے کے لیے اقدامات کیے جا رہے ہیں ترقیاتی منصوبوں پر کام جاری ہے میرپور آزاد کشمیر پاکستان حکومت وزیراعظم کے حوالے سے اجلاس منعقد ہوا جس میں اہم فیصلے کیے گئے عوام کے مسائل حل کرنے کے لیے اقدامات کیے جا رہے ہیں ترقیاتی منصوبوں پر کام جاری ہے میرپور آزاد کشمیر پاکستان حکومت وزیراعظم کے حوالے سے اجلاس منعقد ہوا جس میں اہم فیصلے کیے گئے عوام کے مسائل حل کرنے کے لیے اقدامات کیے جا رہے ہیں ترقیاتی منصوبوں پر کام جاری ہے میرپور آزاد کشمیر پاکستان حکومت وزیراعظم کے حوالے سے اجلاس منعقد ہوا جس میں اہم فیصلے کیے گئے عوام کے مسائل حل کرنے کے لیے اقدامات کیے جا رہے ہیں ترقیاتی منصوبوں پر کام جاری ہے میرپور آزاد کشمیر پاکستان حکومت وزیراعظم کے حوالے سے اجلاس منعقد ہوا جس میں اہم فیصلے کیے گئے عوام کے مسائل حل کرنے کے لیے اقدامات کیے جا رہے ہیں ترقیاتی منصوبوں پر کام جاری ہے میرپور آزاد کشمیر پاکستان حکومت وزیراعظم کے حوالے سے اجلاس منعقد ہوا جس میں اہم فیصلے کیے گئے عوام کے مسائل حل کرنے کے لیے اقدامات کیے جا رہے ہیں ترقیاتی منصوبوں پر کام جاری ہے میرپور آزاد کشمیر پاکستان حکومت وزیراعظم کے حوالے سے اجلاس منعقد ہوا جس میں اہم فیصلے کیے گئے عوام کے مسائل حل کرنے کے لیے اقدامات کیے جا رہے ہیں ترقیاتی منصوبوں پر کام جاری ہے میرپور آزاد کشمیر پاکستان حکومت وزیراعظم کے حوالے سے اجلاس منعقد ہوا جس میں اہم فیصلے کیے گئے عوام کے مسائل حل کرنے کے لیے اقدامات کیے جا رہے ہیں ترقیاتی منصوبوں پر کام جاری ہے میرپور آزاد کشمیر پاکستان حکومت وزیراعظم کے حوالے سے اجلاس منعقد ہوا جس میں اہم فیصلے کیے گئے عوام کے مسائل حل کرنے کے لیے اقدامات کیے جا رہے ہیں ترقیاتی منصوبوں پر کام جاری ہے میرپور آزاد کشمیر پاکستان حکومت وزیراعظم کے حوالے سے اجلاس منعقد ہوا جس میں اہم فیصلے کیے گئے عوام کے مسائل حل کرنے کے لیے اقدامات کیے جا رہے ہیں ترقیاتی منصوبوں پر کام جاری ہے میرپور آزاد کشمیر پاکستان حکومت وزیراعظم کے حوالے سے اجلاس منعقد ہوا جس میں اہم فیصلے کیے گئے عوام کے مسائل حل کرنے کے لیے اقدامات کیے جا رہے ہیں ترقیاتی منصوبوں پر کام جاری ہے میرپور آزاد کشمیر پاکستان حکومت وزیراعظم کے حوالے سے اجلاس منعقد ہوا جس میں اہم فیصلے کیے گئے عوام کے مسائل حل کرنے کے لیے اقدامات کیے جا رہے ہیں ترقیاتی منصوبوں پر کام جاری ہے میرپور آزاد کشمیر پاکستان حکومت وزیراعظم کے حوالے سے اجلاس منعقد ہوا جس میں اہم فیصلے کیے گئے عوام کے مسائل حل کرنے کے لیے اقدامات کیے جا رہے ہیں ترقیاتی منصوبوں پر کام جاری ہے
بینتر
65
میرپور آزاد کشمیر پاکستان حکومت وزیراعظم کے حوالے سے اجلاس منعقد ہوا جس میں اہم فیصلے کیے گئے عوام کے مسائل حل کرنے کے لیے اقدامات کیے جا رہے ہیں ترقیاتی منصوبوں پر کام جاری ہے میرپور آزاد کشمیر پاکستان حکومت وزیراعظم کے حوالے سے اجلاس منعقد ہوا جس میں اہم فیصلے کیے گئے عوام کے مسائل حل کرنے کے لیے اقدامات کیے جا رہے ہیں ترقیاتی منصوبوں پر کام جاری ہے میرپور آزاد کشمیر پاکستان حکومت وزیراعظم کے حوالے سے اجلاس منعقد ہوا جس میں اہم فیصلے کیے گئے عوام کے مسائل حل کرنے کے لیے اقدامات کیے جا رہے ہیں ترقیاتی منصوبوں پر کام جاری ہے میرپور آزاد کشمیر پاکستان حکومت وزیراعظم کے حوالے سے اجلاس منعقد ہوا جس میں اہم فیصلے کیے گئے عوام کے مسائل حل کرنے کے لیے اقدامات کیے جا رہے ہیں ترقیاتی منصوبوں پر کام جاری ہے میرپور آزاد کشمیر پاکستان حکومت وزیراعظم کے حوالے سے اجلاس منعقد ہوا جس میں اہم فیصلے کیے گئے عوام کے مسائل حل کرنے کے لیے اقدامات کیے جا رہے ہیں ترقیاتی منصوبوں پر کام جاری ہے میرپور آزاد کشمیر پاکستان حکومت وزیراعظم کے حوالے سے اجلاس منعقد ہوا جس میں اہم فیصلے کیے گئے عوام کے مسائل حل کرنے کے لیے اقدامات کیے جا رہے ہیں ترقیاتی منصوبوں پر کام جاری ہے میرپور آزاد کشمیر پاکستان حکومت وزیراعظم کے حوالے سے اجلاس منعقد ہوا جس میں اہم فیصلے کیے گئے عوام کے مسائل حل کرنے کے لیے اقدامات کیے جا رہے ہیں ترقیاتی منصوبوں پر کام جاری ہے میرپور آزاد کشمیر پاکستان حکومت وزیراعظم کے حوالے سے اجلاس منعقد ہوا جس میں اہم فیصلے کیے گئے عوام کے مسائل حل کرنے کے لیے اقدامات کیے جا رہے ہیں ترقیاتی منصوبوں پر کام جاری ہے میرپور آزاد کشمیر پاکستان حکومت وزیراعظم کے حوالے سے اجلاس منعقد ہوا جس میں اہم فیصلے کیے گئے عوام کے مسائل حل کرنے کے لیے اقدامات کیے جا رہے ہیں ترقیاتی منصوبوں پر کام جاری ہے میرپور آزاد کشمیر پاکستان حکومت وزیراعظم کے حوالے سے اجلاس منعقد ہوا جس میں اہم فیصلے کیے گئے عوام کے مسائل حل کرنے کے لیے اقدامات کیے جا رہے ہیں ترقیاتی منصوبوں پر کام جاری ہے میرپور آزاد کشمیر پاکستان حکومت وزیراعظم کے حوالے سے اجلاس منعقد ہوا جس میں اہم فیصلے کیے گئے عوام کے مسائل حل کرنے کے لیے اقدامات کیے جا رہے ہیں ترقیاتی منصوبوں پر کام جاری ہے میرپور آزاد کشمیر پاکستان حکومت وزیراعظم کے حوالے سے اجلاس منعقد ہوا جس میں اہم فیصلے کیے گئے عوام کے مسائل حل کرنے کے لیے اقدامات کیے جا رہے ہیں ترقیاتی منصوبوں پر کام جاری ہے میرپور آزاد کشمیر پاکستان حکومت وزیراعظم کے حوالے سے اجلاس منعقد ہوا جس میں اہم فیصلے کیے گئے عوام کے مسائل حل کرنے کے لیے اقدامات کیے جا رہے ہیں ترقیاتی منصوبوں پر کام جاری ہے میرپور آزاد کشمیر پاکستان حکومت وزیراعظم کے حوالے سے اجلاس منعقد ہوا جس میں اہم فیصلے کیے گئے عوام کے مسائل حل کرنے کے لیے اقدامات کیے جا رہے ہیں ترقیاتی منصوبوں پر کام جاری ہے
بینتر
66
میرپور آزاد کشمیر پاکستان حکومت وزیراعظم کے حوالے سے اجلاس منعقد ہوا جس میں اہم فیصلے کیے گئے عوام کے مسائل حل کرنے کے لیے اقدامات کیے جا رہے ہیں ترقیاتی منصوبوں پر کام جاری ہے میرپور آزاد کشمیر پاکستان حکومت وزیراعظم کے حوالے سے اجلاس منعقد ہوا جس میں اہم فیصلے کیے گئے عوام کے مسائل حل کرنے کے لیے اقدامات کیے جا رہے ہیں ترقیاتی منصوبوں پر کام جاری ہے میرپور آزاد کشمیر پاکستان حکومت وزیراعظم کے حوالے سے اجلاس منعقد ہوا جس میں اہم فیصلے کیے گئے عوام کے مسائل حل کرنے کے لیے اقدامات کیے جا رہے ہیں ترقیاتی منصوبوں پر کام جاری ہے میرپور آزاد کشمیر پاکستان حکومت وزیراعظم کے حوالے سے اجلاس منعقد ہوا جس میں اہم فیصلے کیے گئے عوام کے مسائل حل کرنے کے لیے اقدامات کیے جا رہے ہیں ترقیاتی منصوبوں پر کام جاری ہے میرپور آزاد کشمیر پاکستان حکومت وزیراعظم کے حوالے سے اجلاس منعقد ہوا جس میں اہم فیصلے کیے گئے عوام کے مسائل حل کرنے کے لیے اقدامات کیے جا رہے ہیں ترقیاتی منصوبوں پر کام جاری ہے میرپور آزاد کشمیر پاکستان حکومت وزیراعظم کے حوالے سے اجلاس منعقد ہوا جس میں اہم فیصلے کیے گئے عوام کے مسائل حل کرنے کے لیے اقدامات کیے جا رہے ہیں ترقیاتی منصوبوں پر کام جاری ہے میرپور آزاد کشمیر پاکستان حکومت وزیراعظم کے حوالے سے اجلاس منعقد ہوا جس میں اہم فیصلے کیے گئے عوام کے مسائل حل کرنے کے لیے اقدامات کیے جا رہے ہیں ترقیاتی منصوبوں پر کام جاری ہے میرپور آزاد کشمیر پاکستان حکومت وزیراعظم کے حوالے سے اجلاس منعقد ہوا جس میں اہم فیصلے کیے گئے عوام کے مسائل حل کرنے کے لیے اقدامات کیے جا رہے ہیں ترقیاتی منصوبوں پر کام جاری ہے میرپور آزاد کشمیر پاکستان حکومت وزیراعظم کے حوالے سے اجلاس منعقد ہوا جس میں اہم فیصلے کیے گئے عوام کے مسائل حل کرنے کے لیے اقدامات کیے جا رہے ہیں ترقیاتی منصوبوں پر کام جاری ہے میرپور آزاد کشمیر پاکستان حکومت وزیراعظم کے حوالے سے اجلاس منعقد ہوا جس میں اہم فیصلے کیے گئے عوام کے مسائل حل کرنے کے لیے اقدامات کیے جا رہے ہیں ترقیاتی منصوبوں پر کام جاری ہے میرپور آزاد کشمیر پاکستان حکومت وزیراعظم کے حوالے سے اجلاس منعقد ہوا جس میں اہم فیصلے کیے گئے عوام کے مسائل حل کرنے کے لیے اقدامات کیے جا رہے ہیں ترقیاتی منصوبوں پر کام جاری ہے میرپور آزاد کشمیر پاکستان حکومت وزیراعظم کے حوالے سے اجلاس منعقد ہوا جس میں اہم فیصلے کیے گئے عوام کے مسائل حل کرنے کے لیے اقدامات کیے جا رہے ہیں ترقیاتی منصوبوں پر کام جاری ہے میرپور آزاد کشمیر پاکستان حکومت وزیراعظم کے حوالے سے اجلاس منعقد ہوا جس میں اہم فیصلے کیے گئے عوام کے مسائل حل کرنے کے لیے اقدامات کیے جا رہے ہیں ترقیاتی منصوبوں پر کام جاری ہے میرپور آزاد کشمیر پاکستان حکومت وزیراعظم کے حوالے سے اجلاس منعقد ہوا جس میں اہم فیصلے کیے گئے عوام کے مسائل حل کرنے کے لیے اقدامات کیے جا رہے ہیں ترقیاتی منصوبوں پر کام جاری ہے میرپور آزاد کشمیر پاکستان حکومت وزیراعظم کے حوالے سے اجلاس منعقد ہوا جس میں اہم فیصلے کیے گئے عوام کے مسائل حل کرنے کے لیے اقدامات کیے جا رہے ہیں ترقیاتی منصوبوں پر کام جاری ہے میرپور آزاد کشمیر پاکستان حکومت وزیراعظم کے حوالے سے اجلاس منعقد ہوا جس میں اہم فیصلے کیے گئے عوام کے مسائل حل کرنے کے لیے اقدامات کیے جا رہے ہیں ترقیاتی منصوبوں پر کام جاری ہے میرپور آزاد کشمیر پاکستان حکومت وزیراعظم کے حوالے سے اجلاس منعقد ہوا جس میں اہم فیصلے کیے گئے عوام کے مسائل حل کرنے کے لیے اقدامات کیے جا رہے ہیں ترقیاتی منصوبوں پر کام جاری ہے
بینتر
67
میرپور آزاد کشمیر پاکستان حکومت وزیراعظم کے حوالے سے اجلاس منعقد ہوا جس میں اہم فیصلے کیے گئے عوام کے مسائل حل کرنے کے لیے اقدامات کیے جا رہے ہیں ترقیاتی منصوبوں پر کام جاری ہے میرپور آزاد کشمیر پاکستان حکومت وزیراعظم کے حوالے سے اجلاس منعقد ہوا جس میں اہم فیصلے کیے گئے عوام کے مسائل حل کرنے کے لیے اقدامات کیے جا رہے ہیں ترقیاتی منصوبوں پر کام جاری ہے میرپور آزاد کشمیر پاکستان حکومت وزیراعظم کے حوالے سے اجلاس منعقد ہوا جس میں اہم فیصلے کیے گئے عوام کے مسائل حل کرنے کے لیے اقدامات کیے جا رہے ہیں ترقیاتی منصوبوں پر کام جاری ہے میرپور آزاد کشمیر پاکستان حکومت وزیراعظم کے حوالے سے اجلاس منعقد ہوا جس میں اہم فیصلے کیے گئے عوام کے مسائل حل کرنے کے لیے اقدامات کیے جا رہے ہیں ترقیاتی منصوبوں پر کام جاری ہے میرپور آزاد کشمیر پاکستان حکومت وزیراعظم کے حوالے سے اجلاس منعقد ہوا جس میں اہم فیصلے کیے گئے عوام کے مسائل حل کرنے کے لیے اقدامات کیے جا رہے ہیں ترقیاتی منصوبوں پر کام جاری ہے میرپور آزاد کشمیر پاکستان حکومت وزیراعظم کے حوالے سے اجلاس منعقد ہوا جس میں اہم فیصلے کیے گئے عوام کے مسائل حل کرنے کے لیے اقدامات کیے جا رہے ہیں ترقیاتی منصوبوں پر کام جاری ہے میرپور آزاد کشمیر پاکستان حکومت وزیراعظم کے حوالے سے اجلاس منعقد ہوا جس میں اہم فیصلے کیے گئے عوام کے مسائل حل کرنے کے لیے اقدامات کیے جا رہے ہیں ترقیاتی منصوبوں پر کام جاری ہے میرپور آزاد کشمیر پاکستان حکومت وزیراعظم کے حوالے سے اجلاس منعقد ہوا جس میں اہم فیصلے کیے گئے عوام کے مسائل حل کرنے کے لیے اقدامات کیے جا رہے ہیں ترقیاتی منصوبوں پر کام جاری ہے میرپور آزاد کشمیر پاکستان حکومت وزیراعظم کے حوالے سے اجلاس منعقد ہوا جس میں اہم فیصلے کیے گئے عوام کے مسائل حل کرنے کے لیے اقدامات کیے جا رہے ہیں ترقیاتی منصوبوں پر کام جاری ہے میرپور آزاد کشمیر پاکستان حکومت وزیراعظم کے حوالے سے اجلاس منعقد ہوا جس میں اہم فیصلے کیے گئے عوام کے مسائل حل کرنے کے لیے اقدامات کیے جا رہے ہیں ترقیاتی منصوبوں پر کام جاری ہے میرپور آزاد کشمیر پاکستان حکومت وزیراعظم کے حوالے سے اجلاس منعقد ہوا جس میں اہم فیصلے کیے گئے عوام کے مسائل حل کرنے کے لیے اقدامات کیے جا رہے ہیں ترقیاتی منصوبوں پر کام جاری ہے میرپور آزاد کشمیر پاکستان حکومت وزیراعظم کے حوالے سے اجلاس منعقد ہوا جس میں اہم فیصلے کیے گئے عوام کے مسائل حل کرنے کے لیے اقدامات کیے جا رہے ہیں ترقیاتی منصوبوں پر کام جاری ہے میرپور آزاد کشمیر پاکستان حکومت وزیراعظم کے حوالے سے اجلاس منعقد ہوا جس میں اہم فیصلے کیے گئے عوام کے مسائل حل کرنے کے لیے اقدامات کیے جا رہے ہیں ترقیاتی منصوبوں پر کام جاری ہے میرپور آزاد کشمیر پاکستان حکومت وزیراعظم کے حوالے سے اجلاس منعقد ہوا جس میں اہم فیصلے کیے گئے عوام کے مسائل حل کرنے کے لیے اقدامات کیے جا رہے ہیں ترقیاتی منصوبوں پر کام جاری ہے میرپور آزاد کشمیر پاکستان حکومت وزیراعظم کے حوالے سے اجلاس منعقد ہوا جس میں اہم فیصلے کیے گئے عوام کے مسائل حل کرنے کے لیے اقدامات کیے جا رہے ہیں ترقیاتی منصوبوں پر کام جاری ہے میرپور آزاد کشمیر پاکستان حکومت وزیراعظم کے حوالے سے اجلاس منعقد ہوا جس میں اہم فیصلے کیے گئے عوام کے مسائل حل کرنے کے لیے اقدامات کیے جا رہے ہیں ترقیاتی منصوبوں پر کام جاری ہے میرپور آزاد کشمیر پاکستان حکومت وزیراعظم کے حوالے سے اجلاس منعقد ہوا جس میں اہم فیصلے کیے گئے عوام کے مسائل حل کرنے کے لیے اقدامات کیے جا رہے ہیں ترقیاتی منصوبوں پر کام جاری ہے میرپور آزاد کشمیر پاکستان حکومت وزیراعظم کے حوالے سے اجلاس منعقد ہوا جس میں اہم فیصلے کیے گئے عوام کے مسائل حل کرنے کے لیے اقدامات کیے جا رہے ہیں ترقیاتی منصوبوں پر کام جاری ہے میرپور آزاد کشمیر پاکستان حکومت وزیراعظم کے حوالے سے اجلاس منعقد ہوا جس میں اہم فیصلے کیے گئے عوام کے مسائل حل کرنے کے لیے اقدامات کیے جا رہے ہیں ترقیاتی منصوبوں پر کام جاری ہے میرپور آزاد کشمیر پاکستان حکومت وزیراعظم کے حوالے سے اجلاس منعقد ہوا جس میں اہم فیصلے کیے گئے عوام کے مسائل حل کرنے کے لیے اقدامات کیے جا رہے ہیں ترقیاتی منصوبوں پر کام جاری ہے
بینتر
68
میرپور آزاد کشمیر پاکستان حکومت وزیراعظم کے حوالے سے اجلاس منعقد ہوا جس میں اہم فیصلے کیے گئے عوام کے مسائل حل کرنے کے لیے اقدامات کیے جا رہے ہیں ترقیاتی منصوبوں پر کام جاری ہے میرپور آزاد کشمیر پاکستان حکومت وزیراعظم کے حوالے سے اجلاس منعقد ہوا جس میں اہم فیصلے کیے گئے عوام کے مسائل حل کرنے کے لیے اقدامات کیے جا رہے ہیں ترقیاتی منصوبوں پر کام جاری ہے میرپور آزاد کشمیر پاکستان حکومت وزیراعظم کے حوالے سے اجلاس منعقد ہوا جس میں اہم فیصلے کیے گئے عوام کے مسائل حل کرنے کے لیے اقدامات کیے جا رہے ہیں ترقیاتی منصوبوں پر کام جاری ہے میرپور آزاد کشمیر پاکستان حکومت وزیراعظم کے حوالے سے اجلاس منعقد ہوا جس میں اہم فیصلے کیے گئے عوام کے مسائل حل کرنے کے لیے اقدامات کیے جا رہے ہیں ترقیاتی منصوبوں پر کام جاری ہے میرپور آزاد کشمیر پاکستان حکومت وزیراعظم کے حوالے سے اجلاس منعقد ہوا جس میں اہم فیصلے کیے گئے عوام کے مسائل حل کرنے کے لیے اقدامات کیے جا رہے ہیں ترقیاتی منصوبوں پر کام جاری ہے میرپور آزاد کشمیر پاکستان حکومت وزیراعظم کے حوالے سے اجلاس منعقد ہوا جس میں اہم فیصلے کیے گئے عوام کے مسائل حل کرنے کے لیے اقدامات کیے جا رہے ہیں ترقیاتی منصوبوں پر کام جاری ہے میرپور آزاد کشمیر پاکستان حکومت وزیراعظم کے حوالے سے اجلاس منعقد ہوا جس میں اہم فیصلے کیے گئے عوام کے مسائل حل کرنے کے لیے اقدامات کیے جا رہے ہیں ترقیاتی منصوبوں پر کام جاری ہے میرپور آزاد کشمیر پاکستان حکومت وزیراعظم کے حوالے سے اجلاس منعقد ہوا جس میں اہم فیصلے کیے گئے عوام کے مسائل حل کرنے کے لیے اقدامات کیے جا رہے ہیں ترقیاتی منصوبوں پر کام جاری ہے میرپور آزاد کشمیر پاکستان حکومت وزیراعظم کے حوالے سے اجلاس منعقد ہوا جس میں اہم فیصلے کیے گئے عوام کے مسائل حل کرنے کے لیے اقدامات کیے جا رہے ہیں ترقیاتی منصوبوں پر کام جاری ہے میرپور آزاد کشمیر پاکستان حکومت وزیراعظم کے حوالے سے اجلاس منعقد ہوا جس میں اہم فیصلے کیے گئے عوام کے مسائل حل کرنے کے لیے اقدامات کیے جا رہے ہیں ترقیاتی منصوبوں پر کام جاری ہے میرپور آزاد کشمیر پاکستان حکومت وزیراعظم کے حوالے سے اجلاس منعقد ہوا جس میں اہم فیصلے کیے گئے عوام کے مسائل حل کرنے کے لیے اقدامات کیے جا رہے ہیں ترقیاتی منصوبوں پر کام جاری ہے میرپور آزاد کشمیر پاکستان حکومت وزیراعظم کے حوالے سے اجلاس منعقد ہوا جس میں اہم فیصلے کیے گئے عوام کے مسائل حل کرنے کے لیے اقدامات کیے جا رہے ہیں ترقیاتی منصوبوں پر کام جاری ہے میرپور آزاد کشمیر پاکستان حکومت وزیراعظم کے حوالے سے اجلاس منعقد ہوا جس میں اہم فیصلے کیے گئے عوام کے مسائل حل کرنے کے لیے اقدامات کیے جا رہے ہیں ترقیاتی منصوبوں پر کام جاری ہے میرپور آزاد کشمیر پاکستان حکومت وزیراعظم کے حوالے سے اجلاس منعقد ہوا جس میں اہم فیصلے کیے گئے عوام کے مسائل حل کرنے کے لیے اقدامات کیے جا رہے ہیں ترقیاتی منصوبوں پر کام جاری ہے میرپور آزاد کشمیر پاکستان حکومت وزیراعظم کے حوالے سے اجلاس منعقد ہوا جس میں اہم فیصلے کیے گئے عوام کے مسائل حل کرنے کے لیے اقدامات کیے جا رہے ہیں ترقیاتی منصوبوں پر کام جاری ہے میرپور آزاد کشمیر پاکستان حکومت وزیراعظم کے حوالے سے اجلاس منعقد ہوا جس میں اہم فیصلے کیے گئے عوام کے مسائل حل کرنے کے لیے اقدامات کیے جا رہے ہیں ترقیاتی منصوبوں پر کام جاری ہے میرپور آزاد کشمیر پاکستان حکومت وزیراعظم کے حوالے سے اجلاس منعقد
بینتر
69
میرپور آزاد کشمیر پاکستان حکومت وزیراعظم کے حوالے سے اجلاس منعقد ہوا جس میں اہم فیصلے کیے گئے عوام کے مسائل حل کرنے کے لیے اقدامات کیے جا رہے ہیں ترقیاتی منصوبوں پر کام جاری ہے میرپور آزاد کشمیر پاکستان حکومت وزیراعظم کے حوالے سے اجلاس منعقد ہوا جس میں اہم فیصلے کیے گئے عوام کے مسائل حل کرنے کے لیے اقدامات کیے جا رہے ہیں ترقیاتی منصوبوں پر کام جاری ہے میرپور آزاد کشمیر پاکستان حکومت وزیراعظم کے حوالے سے اجلاس منعقد ہوا جس میں اہم فیصلے کیے گئے عوام کے مسائل حل کرنے کے لیے اقدامات کیے جا رہے ہیں ترقیاتی منصوبوں پر کام جاری ہے میرپور آزاد کشمیر پاکستان حکومت وزیراعظم کے حوالے سے اجلاس منعقد ہوا جس میں اہم فیصلے کیے گئے عوام کے مسائل حل کرنے کے لیے اقدامات کیے جا رہے ہیں ترقیاتی منصوبوں پر کام جاری ہے میرپور آزاد کشمیر پاکستان حکومت وزیراعظم کے حوالے سے اجلاس منعقد ہوا جس میں اہم فیصلے کیے گئے عوام کے مسائل حل کرنے کے لیے اقدامات کیے جا رہے ہیں ترقیاتی منصوبوں پر کام جاری ہے میرپور آزاد کشمیر پاکستان حکومت وزیراعظم کے حوالے سے اجلاس منعقد ہوا جس میں اہم فیصلے کیے گئے عوام کے مسائل حل کرنے کے لیے اقدامات کیے جا رہے ہیں ترقیاتی منصوبوں پر کام جاری ہے میرپور آزاد کشمیر پاکستان حکومت وزیراعظم کے حوالے سے اجلاس منعقد ہوا جس میں اہم فیصلے کیے گئے عوام کے مسائل حل کرنے کے لیے اقدامات کیے جا رہے ہیں ترقیاتی منصوبوں پر کام جاری ہے میرپور آزاد کشمیر پاکستان حکومت وزیراعظم کے حوالے سے اجلاس منعقد ہوا جس میں اہم فیصلے کیے گئے عوام کے مسائل حل کرنے کے لیے اقدامات کیے جا رہے ہیں ترقیاتی منصوبوں پر کام جاری ہے میرپور آزاد کشمیر پاکستان حکومت وزیراعظم کے حوالے سے اجلاس منعقد ہوا جس میں اہم فیصلے کیے گئے عوام کے مسائل حل کرنے کے لیے اقدامات کیے جا رہے ہیں ترقیاتی منصوبوں پر کام جاری ہے میرپور آزاد کشمیر پاکستان حکومت وزیراعظم کے حوالے سے اجلاس منعقد ہوا جس میں اہم فیصلے کیے گئے عوام کے مسائل حل کرنے کے لیے اقدامات کیے جا رہے ہیں ترقیاتی منصوبوں پر کام جاری ہے میرپور آزاد کشمیر پاکستان حکومت وزیراعظم کے حوالے سے اجلاس منعقد ہوا جس میں اہم فیصلے کیے گئے عوام کے مسائل حل کرنے کے لیے اقدامات کیے جا رہے ہیں ترقیاتی منصوبوں پر کام جاری ہے میرپور آزاد کشمیر پاکستان حکومت وزیراعظم کے حوالے سے اجلاس منعقد ہوا جس میں اہم فیصلے کیے گئے عوام کے مسائل حل کرنے کے لیے اقدامات کیے جا رہے ہیں ترقیاتی منصوبوں پر کام جاری ہے میرپور آزاد کشمیر پاکستان حکومت وزیراعظم کے حوالے سے اجلاس منعقد ہوا جس میں اہم فیصلے کیے گئے عوام کے مسائل حل کرنے کے لیے اقدامات کیے جا رہے ہیں ترقیاتی منصوبوں پر کام جاری ہے میرپور آزاد کشمیر پاکستان حکومت وزیراعظم کے حوالے سے اجلاس منعقد ہوا جس میں اہم فیصلے کیے گئے عوام کے مسائل حل کرنے کے لیے اقدامات کیے جا رہے ہیں ترقیاتی منصوبوں پر کام جاری ہے میرپور آزاد کشمیر پاکستان حکومت وزیراعظم کے حوالے سے اجلاس منعقد ہوا جس میں اہم فیصلے کیے گئے عوام کے مسائل حل کرنے کے لیے اقدامات کیے جا رہے ہیں ترقیاتی منصوبوں پر کام جاری ہے میرپور آزاد کشمیر پاکستان حکومت وزیراعظم کے حوالے سے اجلاس منعقد ہوا جس میں اہم فیصلے کیے گئے عوام کے مسائل حل کرنے کے لیے اقدامات کیے جا رہے ہیں ترقیاتی منصوبوں پر کام جاری ہے میرپور آزاد کشمیر پاکستان حکومت وزیراعظم کے حوالے سے اجلاس منعقد ہوا جس میں اہم فیصلے کیے گئے عوام کے مسائل حل کرنے کے لیے اقدامات کیے جا رہے ہیں ترقیاتی منصوبوں پر کام جاری ہے میرپور آزاد کشمیر پاکستان حکومت وزیراعظم کے حوالے سے اجلاس منعقد ہوا جس میں اہم فیصلے کیے گئے عوام کے مسائل حل کرنے کے لیے اقدامات کیے جا رہے ہیں ترقیاتی منصوبوں پر کام جاری ہے میرپور آزاد کشمیر پاکستان حکومت وزیراعظم کے حوالے سے اجلاس منعقد ہوا جس میں اہم فیصلے کیے گئے عوام کے مسائل حل کرنے کے لیے اقدامات کیے جا رہے ہیں ترقیاتی منصوبوں پر کام جاری ہے میرپور آزاد کشمیر پاکستان حکومت وزیراعظم کے حوالے سے اجلاس منعقد ہوا جس میں اہم فیصلے کیے گئے عوام کے مسائل حل کرنے کے لیے اقدامات کیے جا رہے ہیں ترقیاتی منصوبوں پر کام جاری ہے میرپور آزاد کشمیر پاکستان حکومت وزیراعظم کے حوالے سے اجلاس منعقد ہوا جس میں اہم فیصلے کیے گئے عوام کے مسائل حل کرنے کے لیے اقدامات کیے جا رہے ہیں ترقیاتی منصوبوں پر کام جاری ہے میرپور آزاد کشمیر پاکستان حکومت وزیراعظم کے حوالے سے اجلاس منعقد ہوا جس میں اہم فیصلے کیے گئے عوام کے مسائل حل کرنے کے لیے اقدامات کیے جا رہے ہیں ترقیاتی منصوبوں پر کام جاری ہے میرپور آزاد کشمیر پاکستان حکومت وزیراعظم کے حوالے سے اجلاس منعقد ہوا جس میں اہم فیصلے کیے گئے عوام کے مسائل حل کرنے کے لیے اقدامات کیے جا رہے ہیں ترقیاتی منصوبوں پر کام جاری ہے میرپور آزاد کشمیر پاکستان حکومت وزیراعظم کے حوالے سے اجلاس منعقد ہوا جس میں اہم فیصلے کیے گئے عوام کے مسائل حل کرنے کے لیے اقدامات کیے جا رہے ہیں ترقیاتی منصوبوں پر کام جاری ہے میرپور آزاد کشمیر پاکستان حکومت وزیراعظم کے حوالے سے اجلاس منعقد ہوا جس میں اہم فیصلے کیے گئے عوام کے مسائل حل کرنے کے لیے اقدامات کیے جا رہے ہیں ترقیاتی منصوبوں پر کام جاری ہے میرپور آزاد کشمیر پاکستان حکومت وزیراعظم کے حوالے سے اجلاس منعقد ہوا جس میں اہم فیصلے کیے گئے عوام کے مسائل حل کرنے کے لیے اقدامات کیے جا رہے ہیں ترقیاتی منصوبوں پر کام جاری ہے
بینتر
70
میرپور آزاد کشمیر پاکستان حکومت وزیراعظم کے حوالے سے اجلاس منعقد ہوا جس میں اہم فیصلے کیے گئے عوام کے مسائل حل کرنے کے لیے اقدامات کیے جا رہے ہیں ترقیاتی منصوبوں پر کام جاری ہے میرپور آزاد کشمیر پاکستان حکومت وزیراعظم کے حوالے سے اجلاس منعقد ہوا جس میں اہم فیصلے کیے گئے عوام کے مسائل حل کرنے کے لیے اقدامات کیے جا رہے ہیں ترقیاتی منصوبوں پر کام جاری ہے میرپور آزاد کشمیر پاکستان حکومت وزیراعظم کے حوالے سے اجلاس منعقد ہوا جس میں اہم فیصلے کیے گئے عوام کے مسائل حل کرنے کے لیے اقدامات کیے جا رہے ہیں ترقیاتی منصوبوں پر کام جاری ہے میرپور آزاد کشمیر پاکستان حکومت وزیراعظم کے حوالے سے اجلاس منعقد ہوا جس میں اہم فیصلے کیے گئے عوام کے مسائل حل کرنے کے لیے اقدامات کیے جا رہے ہیں ترقیاتی منصوبوں پر کام جاری ہے میرپور آزاد کشمیر پاکستان حکومت وزیراعظم کے حوالے سے اجلاس منعقد ہوا جس میں اہم فیصلے کیے گئے عوام کے مسائل حل کرنے کے لیے اقدامات کیے جا رہے ہیں ترقیاتی منصوبوں پر کام جاری ہے میرپور آزاد کشمیر پاکستان حکومت وزیراعظم کے حوالے سے اجلاس منعقد ہوا جس میں اہم فیصلے کیے گئے عوام کے مسائل حل کرنے کے لیے اقدامات کیے جا رہے ہیں ترقیاتی منصوبوں پر کام جاری ہے میرپور آزاد کشمیر پاکستان حکومت وزیراعظم کے حوالے سے اجلاس منعقد ہوا جس میں اہم فیصلے کیے گئے عوام کے مسائل حل کرنے کے لیے اقدامات کیے جا رہے ہیں ترقیاتی منصوبوں پر کام جاری ہے میرپور آزاد کشمیر پاکستان حکومت وزیراعظم کے حوالے سے اجلاس منعقد ہوا جس میں اہم فیصلے کیے گئے عوام کے مسائل حل کرنے کے لیے اقدامات کیے جا رہے ہیں ترقیاتی منصوبوں پر کام جاری ہے میرپور آزاد کشمیر پاکستان حکومت وزیراعظم کے حوالے سے اجلاس منعقد ہوا جس میں اہم فیصلے کیے گئے عوام کے مسائل حل کرنے کے لیے اقدامات کیے جا رہے ہیں ترقیاتی منصوبوں پر کام جاری ہے میرپور آزاد کشمیر پاکستان حکومت وزیراعظم کے حوالے سے اجلاس منعقد ہوا جس میں اہم فیصلے کیے گئے عوام کے مسائل حل کرنے کے لیے اقدامات کیے جا رہے ہیں ترقیاتی منصوبوں پر کام جاری ہے میرپور آزاد کشمیر پاکستان حکومت وزیراعظم کے حوالے سے اجلاس منعقد ہوا جس میں اہم فیصلے کیے گئے عوام کے مسائل حل کرنے کے لیے اقدامات کیے جا رہے ہیں ترقیاتی منصوبوں پر کام جاری ہے میرپور آزاد کشمیر پاکستان حکومت وزیراعظم کے حوالے سے اجلاس منعقد ہوا جس میں اہم فیصلے کیے گئے عوام کے مسائل حل کرنے کے لیے اقدامات کیے جا رہے ہیں ترقیاتی منصوبوں پر کام جاری ہے میرپور آزاد کشمیر پاکستان حکومت وزیراعظم کے حوالے سے اجلاس منعقد ہوا جس میں اہم فیصلے کیے گئے عوام کے مسائل حل کرنے کے لیے اقدامات کیے جا رہے ہیں ترقیاتی منصوبوں پر کام جاری ہے میرپور آزاد کشمیر پاکستان حکومت وزیراعظم کے حوالے سے اجلاس منعقد ہوا جس میں اہم فیصلے کیے گئے عوام کے مسائل حل کرنے کے لیے اقدامات کیے جا رہے ہیں ترقیاتی منصوبوں پر کام جاری ہے
بینتر
71
میرپور آزاد کشمیر پاکستان حکومت وزیراعظم کے حوالے سے اجلاس منعقد ہوا جس میں اہم فیصلے کیے گئے عوام کے مسائل حل کرنے کے لیے اقدامات کیے جا رہے ہیں ترقیاتی منصوبوں پر کام جاری ہے میرپور آزاد کشمیر پاکستان حکومت وزیراعظم کے حوالے سے اجلاس منعقد ہوا جس میں اہم فیصلے کیے گئے عوام کے مسائل حل کرنے کے لیے اقدامات کیے جا رہے ہیں ترقیاتی منصوبوں پر کام جاری ہے میرپور آزاد کشمیر پاکستان حکومت وزیراعظم کے حوالے سے اجلاس منعقد ہوا جس میں اہم فیصلے کیے گئے عوام کے مسائل حل کرنے کے لیے اقدامات کیے جا رہے ہیں ترقیاتی منصوبوں پر کام جاری ہے میرپور آزاد کشمیر پاکستان حکومت وزیراعظم کے حوالے سے اجلاس منعقد ہوا جس میں اہم فیصلے کیے گئے عوام کے مسائل حل کرنے کے لیے اقدامات کیے جا رہے ہیں ترقیاتی منصوبوں پر کام جاری ہے میرپور آزاد کشمیر پاکستان حکومت وزیراعظم کے حوالے سے اجلاس منعقد ہوا جس میں اہم فیصلے کیے گئے عوام کے مسائل حل کرنے کے لیے اقدامات کیے جا رہے ہیں ترقیاتی منصوبوں پر کام جاری ہے میرپور آزاد کشمیر پاکستان حکومت وزیراعظم کے حوالے سے اجلاس منعقد ہوا جس میں اہم فیصلے کیے گئے عوام کے مسائل حل کرنے کے لیے اقدامات کیے جا رہے ہیں ترقیاتی منصوبوں پر کام جاری ہے میرپور آزاد کشمیر پاکستان حکومت وزیراعظم کے حوالے سے اجلاس منعقد ہوا جس میں اہم فیصلے کیے گئے عوام کے مسائل حل کرنے کے لیے اقدامات کیے جا رہے ہیں ترقیاتی منصوبوں پر کام جاری ہے میرپور آزاد کشمیر پاکستان حکومت وزیراعظم کے حوالے سے اجلاس منعقد ہوا جس میں اہم فیصلے کیے گئے عوام کے مسائل حل کرنے کے لیے اقدامات کیے جا رہے ہیں ترقیاتی منصوبوں پر کام جاری ہے میرپور آزاد کشمیر پاکستان حکومت وزیراعظم کے حوالے سے اجلاس منعقد ہوا جس میں اہم فیصلے کیے گئے عوام کے مسائل حل کرنے کے لیے اقدامات کیے جا رہے ہیں ترقیاتی منصوبوں پر کام جاری ہے میرپور آزاد کشمیر پاکستان حکومت وزیراعظم کے حوالے سے اجلاس منعقد ہوا جس میں اہم فیصلے کیے گئے عوام کے مسائل حل کرنے کے لیے اقدامات کیے جا رہے ہیں ترقیاتی منصوبوں پر کام جاری ہے میرپور آزاد کشمیر پاکستان حکومت وزیراعظم کے حوالے سے اجلاس منعقد ہوا جس میں اہم فیصلے کیے گئے عوام کے مسائل حل کرنے کے لیے اقدامات کیے جا رہے ہیں ترقیاتی منصوبوں پر کام جاری ہے میرپور آزاد کشمیر پاکستان حکومت وزیراعظم کے حوالے سے اجلاس منعقد ہوا جس میں اہم فیصلے کیے گئے عوام کے مسائل حل کرنے کے لیے اقدامات کیے جا رہے ہیں ترقیاتی منصوبوں پر کام جاری ہے میرپور آزاد کشمیر پاکستان حکومت وزیراعظم کے حوالے سے اجلاس منعقد ہوا جس میں اہم فیصلے کیے گئے عوام کے مسائل حل کرنے کے لیے اقدامات کیے جا رہے ہیں ترقیاتی منصوبوں پر کام جاری ہے میرپور آزاد کشمیر پاکستان حکومت وزیراعظم کے حوالے سے اجلاس منعقد ہوا جس میں اہم فیصلے کیے گئے عوام کے مسائل حل کرنے کے لیے اقدامات کیے جا رہے ہیں ترقیاتی منصوبوں پر کام جاری ہے میرپور آزاد کشمیر پاکستان حکومت وزیراعظم کے حوالے سے اجلاس منعقد ہوا جس میں اہم فیصلے کیے گئے عوام کے مسائل حل کرنے کے لیے اقدامات کیے جا رہے ہیں ترقیاتی منصوبوں پر کام جاری ہے میرپور آزاد کشمیر پاکستان حکومت وزیراعظم کے حوالے سے اجلاس منعقد ہوا جس میں اہم فیصلے کیے گئے عوام کے مسائل حل کرنے کے لیے اقدامات کیے جا رہے ہیں ترقیاتی منصوبوں پر کام جاری ہے میرپور آزاد کشمیر پاکستان حکومت وزیراعظم کے حوالے سے اجلاس منعقد ہوا جس میں اہم فیصلے کیے گئے عوام کے مسائل حل کرنے کے لیے اقدامات کیے جا رہے ہیں ترقیاتی منصوبوں پر کام جاری ہے
بینتر
72
میرپور آزاد کشمیر پاکستان حکومت وزیراعظم کے حوالے سے اجلاس منعقد ہوا جس میں اہم فیصلے کیے گئے عوام کے مسائل حل کرنے کے لیے اقدامات کیے جا رہے ہیں ترقیاتی منصوبوں پر کام جاری ہے میرپور آزاد کشمیر پاکستان حکومت وزیراعظم کے حوالے سے اجلاس منعقد ہوا جس میں اہم فیصلے کیے گئے عوام کے مسائل حل کرنے کے لیے اقدامات کیے جا رہے ہیں ترقیاتی منصوبوں پر کام جاری ہے میرپور آزاد کشمیر پاکستان حکومت وزیراعظم کے حوالے سے اجلاس منعقد ہوا جس میں اہم فیصلے کیے گئے عوام کے مسائل حل کرنے کے لیے اقدامات کیے جا رہے ہیں ترقیاتی منصوبوں پر کام جاری ہے میرپور آزاد کشمیر پاکستان حکومت وزیراعظم کے حوالے سے اجلاس منعقد ہوا جس میں اہم فیصلے کیے گئے عوام کے مسائل حل کرنے کے لیے اقدامات کیے جا رہے ہیں ترقیاتی منصوبوں پر کام جاری ہے میرپور آزاد کشمیر پاکستان حکومت وزیراعظم کے حوالے سے اجلاس منعقد ہوا جس میں اہم فیصلے کیے گئے عوام کے مسائل حل کرنے کے لیے اقدامات کیے جا رہے ہیں ترقیاتی منصوبوں پر کام جاری ہے میرپور آزاد کشمیر پاکستان حکومت وزیراعظم کے حوالے سے اجلاس منعقد ہوا جس میں اہم فیصلے کیے گئے عوام کے مسائل حل کرنے کے لیے اقدامات کیے جا رہے ہیں ترقیاتی منصوبوں پر کام جاری ہے میرپور آزاد کشمیر پاکستان حکومت وزیراعظم کے حوالے سے اجلاس منعقد ہوا جس میں اہم فیصلے کیے گئے عوام کے مسائل حل کرنے کے لیے اقدامات کیے جا رہے ہیں ترقیاتی منصوبوں پر کام جاری ہے میرپور آزاد کشمیر پاکستان حکومت وزیراعظم کے حوالے سے اجلاس منعقد ہوا جس میں اہم فیصلے کیے گئے عوام کے مسائل حل کرنے کے لیے اقدامات کیے جا رہے ہیں ترقیاتی منصوبوں پر کام جاری ہے میرپور آزاد کشمیر پاکستان حکومت وزیراعظم کے حوالے سے اجلاس منعقد ہوا جس میں اہم فیصلے کیے گئے عوام کے مسائل حل کرنے کے لیے اقدامات کیے جا رہے ہیں ترقیاتی منصوبوں پر کام جاری ہے میرپور آزاد کشمیر پاکستان حکومت وزیراعظم کے حوالے سے اجلاس منعقد ہوا جس میں اہم فیصلے کیے گئے عوام کے مسائل حل کرنے کے لیے اقدامات کیے جا رہے ہیں ترقیاتی منصوبوں پر کام جاری ہے میرپور آزاد کشمیر پاکستان حکومت وزیراعظم کے حوالے سے اجلاس منعقد ہوا جس میں اہم فیصلے کیے گئے عوام کے مسائل حل کرنے کے لیے اقدامات کیے جا رہے ہیں ترقیاتی منصوبوں پر کام جاری ہے میرپور آزاد کشمیر پاکستان حکومت وزیراعظم کے حوالے سے اجلاس منعقد ہوا جس میں اہم فیصلے کیے گئے عوام کے مسائل حل کرنے کے لیے اقدامات کیے جا رہے ہیں ترقیاتی منصوبوں پر کام جاری ہے میرپور آزاد کشمیر پاکستان حکومت وزیراعظم کے حوالے سے اجلاس منعقد ہوا جس میں اہم فیصلے کیے گئے عوام کے مسائل حل کرنے کے لیے اقدامات کیے جا رہے ہیں ترقیاتی منصوبوں پر کام جاری ہے میرپور آزاد کشمیر پاکستان حکومت وزیراعظم کے حوالے سے اجلاس منعقد ہوا جس میں اہم فیصلے کیے گئے عوام کے مسائل حل کرنے کے لیے اقدامات کیے جا رہے ہیں ترقیاتی منصوبوں پر کام جاری ہے میرپور آزاد کشمیر پاکستان حکومت وزیراعظم کے حوالے سے اجلاس منعقد ہوا جس میں اہم فیصلے کیے گئے عوام کے مسائل حل کرنے کے لیے اقدامات کیے جا رہے ہیں ترقیاتی منصوبوں پر کام جاری ہے میرپور آزاد کشمیر پاکستان حکومت وزیراعظم کے حوالے سے اجلاس منعقد ہوا جس میں اہم فیصلے کیے گئے عوام کے مسائل حل کرنے کے لیے اقدامات کیے جا رہے ہیں ترقیاتی منصوبوں پر کام جاری ہے میرپور آزاد کشمیر پاکستان حکومت وزیراعظم کے حوالے سے اجلاس منعقد ہوا جس میں اہم فیصلے کیے گئے عوام کے مسائل حل کرنے کے لیے اقدامات کیے جا رہے ہیں ترقیاتی منصوبوں پر کام جاری ہے میرپور آزاد کشمیر پاکستان حکومت وزیراعظم کے حوالے سے اجلاس منعقد ہوا جس میں اہم فیصلے کیے گئے عوام کے مسائل حل کرنے کے لیے اقدامات کیے جا رہے ہیں ترقیاتی منصوبوں پر کام جاری ہے میرپور آزاد کشمیر پاکستان حکومت وزیراعظم کے حوالے سے اجلاس منعقد ہوا جس میں اہم فیصلے کیے گئے عوام کے مسائل حل کرنے کے لیے اقدامات کیے جا رہے ہیں ترقیاتی منصوبوں پر کام جاری ہے میرپور آزاد کشمیر پاکستان حکومت وزیراعظم کے حوالے سے اجلاس منعقد ہوا جس میں اہم فیصلے کیے گئے عوام کے مسائل حل کرنے کے لیے اقدامات کیے جا رہے ہیں ترقیاتی منصوبوں پر کام جاری ہے
بینتر
73
میرپور آزاد کشمیر پاکستان حکومت وزیراعظم کے حوالے سے اجلاس منعقد ہوا جس میں اہم فیصلے کیے گئے عوام کے مسائل حل کرنے کے لیے اقدامات کیے جا رہے ہیں ترقیاتی منصوبوں پر کام جاری ہے میرپور آزاد کشمیر پاکستان حکومت وزیراعظم کے حوالے سے اجلاس منعقد ہوا جس میں اہم فیصلے کیے گئے عوام کے مسائل حل کرنے کے لیے اقدامات کیے جا رہے ہیں ترقیاتی منصوبوں پر کام جاری ہے میرپور آزاد کشمیر پاکستان حکومت وزیراعظم کے حوالے سے اجلاس منعقد ہوا جس میں اہم فیصلے کیے گئے عوام کے مسائل حل کرنے کے لیے اقدامات کیے جا رہے ہیں ترقیاتی منصوبوں پر کام جاری ہے میرپور آزاد کشمیر پاکستان حکومت وزیراعظم کے حوالے سے اجلاس منعقد ہوا جس میں اہم فیصلے کیے گئے عوام کے مسائل حل کرنے کے لیے اقدامات کیے جا رہے ہیں ترقیاتی منصوبوں پر کام جاری ہے میرپور آزاد کشمیر پاکستان حکومت وزیراعظم کے حوالے سے اجلاس منعقد ہوا جس میں اہم فیصلے کیے گئے عوام کے مسائل حل کرنے کے لیے اقدامات کیے جا رہے ہیں ترقیاتی منصوبوں پر کام جاری ہے میرپور آزاد کشمیر پاکستان حکومت وزیراعظم کے حوالے سے اجلاس منعقد ہوا جس میں اہم فیصلے کیے گئے عوام کے مسائل حل کرنے کے لیے اقدامات کیے جا رہے ہیں ترقیاتی منصوبوں پر کام جاری ہے میرپور آزاد کشمیر پاکستان حکومت وزیراعظم کے حوالے سے اجلاس منعقد ہوا جس میں اہم فیصلے کیے گئے عوام کے مسائل حل کرنے کے لیے اقدامات کیے جا رہے ہیں ترقیاتی منصوبوں پر کام جاری ہے میرپور آزاد کشمیر پاکستان حکومت وزیراعظم کے حوالے سے اجلاس منعقد ہوا جس میں اہم فیصلے کیے گئے عوام کے مسائل حل کرنے کے لیے اقدامات کیے جا رہے ہیں ترقیاتی منصوبوں پر کام جاری ہے میرپور آزاد کشمیر پاکستان حکومت وزیراعظم کے حوالے سے اجلاس منعقد ہوا جس میں اہم فیصلے کیے گئے عوام کے مسائل حل کرنے کے لیے اقدامات کیے جا رہے ہیں ترقیاتی منصوبوں پر کام جاری ہے میرپور آزاد کشمیر پاکستان حکومت وزیراعظم کے حوالے سے اجلاس منعقد ہوا جس میں اہم فیصلے کیے گئے عوام کے مسائل حل کرنے کے لیے اقدامات کیے جا رہے ہیں ترقیاتی منصوبوں پر کام جاری ہے میرپور آزاد کشمیر پاکستان حکومت وزیراعظم کے حوالے سے اجلاس منعقد ہوا جس میں اہم فیصلے کیے گئے عوام کے مسائل حل کرنے کے لیے اقدامات کیے جا رہے ہیں ترقیاتی منصوبوں پر کام جاری ہے میرپور آزاد کشمیر پاکستان حکومت وزیراعظم کے حوالے سے اجلاس منعقد ہوا جس میں اہم فیصلے کیے گئے عوام کے مسائل حل کرنے کے لیے اقدامات کیے جا رہے ہیں ترقیاتی منصوبوں پر کام جاری ہے میرپور آزاد کشمیر پاکستان حکومت وزیراعظم کے حوالے سے اجلاس منعقد ہوا جس میں اہم فیصلے کیے گئے عوام کے مسائل حل کرنے کے لیے اقدامات کیے جا رہے ہیں ترقیاتی منصوبوں پر کام جاری ہے میرپور آزاد کشمیر پاکستان حکومت وزیراعظم کے حوالے سے اجلاس منعقد ہوا جس میں اہم فیصلے کیے گئے عوام کے مسائل حل کرنے کے لیے اقدامات کیے جا رہے ہیں ترقیاتی منصوبوں پر کام جاری ہے میرپور آزاد کشمیر پاکستان حکومت وزیراعظم کے حوالے سے اجلاس منعقد ہوا جس میں اہم فیصلے کیے گئے عوام کے مسائل حل کرنے کے لیے اقدامات کیے جا رہے ہیں ترقیاتی منصوبوں پر کام جاری ہے میرپور آزاد کشمیر پاکستان حکومت وزیراعظم کے حوالے سے اجلاس منعقد ہوا جس میں اہم فیصلے کیے گئے عوام کے مسائل حل کرنے کے لیے اقدامات کیے جا رہے ہیں ترقیاتی منصوبوں پر کام جاری ہے میرپور آزاد کشمیر پاکستان حکومت وزیراعظم کے حوالے سے اجلاس منعقد ہوا جس میں اہم فیصلے کیے گئے عوام کے مسائل حل کرنے کے لیے اقدامات کیے جا رہے ہیں ترقیاتی منصوبوں پر کام جاری ہے میرپور آزاد کشمیر پاکستان حکومت وزیراعظم کے حوالے سے اجلاس منعقد ہوا جس میں اہم فیصلے کیے گئے عوام کے مسائل حل کرنے کے لیے اقدامات کیے جا
بینتر
75
میرپور آزاد کشمیر پاکستان حکومت وزیراعظم کے حوالے سے اجلاس منعقد ہوا جس میں اہم فیصلے کیے گئے عوام کے مسائل حل کرنے کے لیے اقدامات کیے جا رہے ہیں ترقیاتی منصوبوں پر کام جاری ہے میرپور آزاد کشمیر پاکستان حکومت وزیراعظم کے حوالے سے اجلاس منعقد ہوا جس میں اہم فیصلے کیے گئے عوام کے مسائل حل کرنے کے لیے اقدامات کیے جا رہے ہیں ترقیاتی منصوبوں پر کام جاری ہے میرپور آزاد کشمیر پاکستان حکومت وزیراعظم کے حوالے سے اجلاس منعقد ہوا جس میں اہم فیصلے کیے گئے عوام کے مسائل حل کرنے کے لیے اقدامات کیے جا رہے ہیں ترقیاتی منصوبوں پر کام جاری ہے میرپور آزاد کشمیر پاکستان حکومت وزیراعظم کے حوالے سے اجلاس منعقد ہوا جس میں اہم فیصلے کیے گئے عوام کے مسائل حل کرنے کے لیے اقدامات کیے جا رہے ہیں ترقیاتی منصوبوں پر کام جاری ہے میرپور آزاد کشمیر پاکستان حکومت وزیراعظم کے حوالے سے اجلاس منعقد ہوا جس میں اہم فیصلے کیے گئے عوام کے مسائل حل کرنے کے لیے اقدامات کیے جا رہے ہیں ترقیاتی منصوبوں پر کام جاری ہے میرپور آزاد کشمیر پاکستان حکومت وزیراعظم کے حوالے سے اجلاس منعقد ہوا جس میں اہم فیصلے کیے گئے عوام کے مسائل حل کرنے کے لیے اقدامات کیے جا رہے ہیں ترقیاتی منصوبوں پر کام جاری ہے میرپور آزاد کشمیر پاکستان حکومت وزیراعظم کے حوالے سے اجلاس منعقد ہوا جس میں اہم فیصلے کیے گئے عوام کے مسائل حل کرنے کے لیے اقدامات کیے جا رہے ہیں ترقیاتی منصوبوں پر کام جاری ہے میرپور آزاد کشمیر پاکستان حکومت وزیراعظم کے حوالے سے اجلاس منعقد ہوا جس میں اہم فیصلے کیے گئے عوام کے مسائل حل کرنے کے لیے اقدامات کیے جا رہے ہیں ترقیاتی منصوبوں پر کام جاری ہے میرپور آزاد کشمیر پاکستان حکومت وزیراعظم کے حوالے سے اجلاس منعقد ہوا جس میں اہم فیصلے کیے گئے عوام کے مسائل حل کرنے کے لیے اقدامات کیے جا رہے ہیں ترقیاتی منصوبوں پر کام جاری ہے میرپور آزاد کشمیر پاکستان حکومت وزیراعظم کے حوالے سے اجلاس منعقد ہوا جس میں اہم فیصلے کیے گئے عوام کے مسائل حل کرنے کے لیے اقدامات کیے جا رہے ہیں ترقیاتی منصوبوں پر کام جاری ہے میرپور آزاد کشمیر پاکستان حکومت وزیراعظم کے حوالے سے اجلاس منعقد ہوا جس میں اہم فیصلے کیے گئے عوام کے مسائل حل کرنے کے لیے اقدامات کیے جا رہے ہیں ترقیاتی منصوبوں پر کام جاری ہے میرپور آزاد کشمیر پاکستان حکومت وزیراعظم کے حوالے سے اجلاس منعقد ہوا جس میں اہم فیصلے کیے گئے عوام کے مسائل حل کرنے کے لیے اقدامات کیے جا رہے ہیں ترقیاتی منصوبوں پر کام جاری ہے میرپور آزاد کشمیر پاکستان حکومت وزیراعظم کے حوالے سے اجلاس منعقد ہوا جس میں اہم فیصلے کیے گئے عوام کے مسائل حل کرنے کے لیے اقدامات کیے جا رہے ہیں ترقیاتی منصوبوں پر کام جاری ہے میرپور آزاد کشمیر پاکستان حکومت وزیراعظم کے حوالے سے اجلاس منعقد ہوا جس میں اہم فیصلے کیے گئے عوام کے مسائل حل کرنے کے لیے اقدامات کیے جا رہے ہیں ترقیاتی منصوبوں پر کام جاری ہے
بینتر
76
میرپور آزاد کشمیر پاکستان حکومت وزیراعظم کے حوالے سے اجلاس منعقد ہوا جس میں اہم فیصلے کیے گئے عوام کے مسائل حل کرنے کے لیے اقدامات کیے جا رہے ہیں ترقیاتی منصوبوں پر کام جاری ہے میرپور آزاد کشمیر پاکستان حکومت وزیراعظم کے حوالے سے اجلاس منعقد ہوا جس میں اہم فیصلے کیے گئے عوام کے مسائل حل کرنے کے لیے اقدامات کیے جا رہے ہیں ترقیاتی منصوبوں پر کام جاری ہے میرپور آزاد کشمیر پاکستان حکومت وزیراعظم کے حوالے سے اجلاس منعقد ہوا جس میں اہم فیصلے کیے گئے عوام کے مسائل حل کرنے کے لیے اقدامات کیے جا رہے ہیں ترقیاتی منصوبوں پر کام جاری ہے میرپور آزاد کشمیر پاکستان حکومت وزیراعظم کے حوالے سے اجلاس منعقد ہوا جس میں اہم فیصلے کیے گئے عوام کے مسائل حل کرنے کے لیے اقدامات کیے جا رہے ہیں ترقیاتی منصوبوں پر کام جاری ہے میرپور آزاد کشمیر پاکستان حکومت وزیراعظم کے حوالے سے اجلاس منعقد ہوا جس میں اہم فیصلے کیے گئے عوام کے مسائل حل کرنے کے لیے اقدامات کیے جا رہے ہیں ترقیاتی منصوبوں پر کام جاری ہے میرپور آزاد کشمیر پاکستان حکومت وزیراعظم کے حوالے سے اجلاس منعقد ہوا جس میں اہم فیصلے کیے گئے عوام کے مسائل حل کرنے کے لیے اقدامات کیے جا رہے ہیں ترقیاتی منصوبوں پر کام جاری ہے میرپور آزاد کشمیر پاکستان حکومت وزیراعظم کے حوالے سے اجلاس منعقد ہوا جس میں اہم فیصلے کیے گئے عوام کے مسائل حل کرنے کے لیے اقدامات کیے جا رہے ہیں ترقیاتی منصوبوں پر کام جاری ہے میرپور آزاد کشمیر پاکستان حکومت وزیراعظم کے حوالے سے اجلاس منعقد ہوا جس میں اہم فیصلے کیے گئے عوام کے مسائل حل کرنے کے لیے اقدامات کیے جا رہے ہیں ترقیاتی منصوبوں پر کام جاری ہے میرپور آزاد کشمیر پاکستان حکومت وزیراعظم کے حوالے سے اجلاس منعقد ہوا جس میں اہم فیصلے کیے گئے عوام کے مسائل حل کرنے کے لیے اقدامات کیے جا رہے ہیں ترقیاتی منصوبوں پر کام جاری ہے میرپور آزاد کشمیر پاکستان حکومت وزیراعظم کے حوالے سے اجلاس منعقد ہوا جس میں اہم فیصلے کیے گئے عوام کے مسائل حل کرنے کے لیے اقدامات کیے جا رہے ہیں ترقیاتی منصوبوں پر کام جاری ہے میرپور آزاد کشمیر پاکستان حکومت وزیراعظم کے حوالے سے اجلاس منعقد ہوا جس میں اہم فیصلے کیے گئے عوام کے مسائل حل کرنے کے لیے اقدامات کیے جا رہے ہیں ترقیاتی منصوبوں پر کام جاری ہے میرپور آزاد کشمیر پاکستان حکومت وزیراعظم کے حوالے سے اجلاس منعقد ہوا جس میں اہم فیصلے کیے گئے عوام کے مسائل حل کرنے کے لیے اقدامات کیے جا رہے ہیں ترقیاتی منصوبوں پر کام جاری ہے میرپور آزاد کشمیر پاکستان حکومت وزیراعظم کے حوالے سے اجلاس منعقد ہوا جس میں اہم فیصلے کیے گئے عوام کے مسائل حل کرنے کے لیے اقدامات کیے جا رہے ہیں ترقیاتی منصوبوں پر کام جاری ہے میرپور آزاد کشمیر پاکستان حکومت وزیراعظم کے حوالے سے اجلاس منعقد ہوا جس میں اہم فیصلے کیے گئے عوام کے مسائل حل کرنے کے لیے اقدامات کیے جا رہے ہیں ترقیاتی منصوبوں پر کام جاری ہے میرپور آزاد کشمیر پاکستان حکومت وزیراعظم کے حوالے سے اجلاس منعقد ہوا جس میں اہم فیصلے کیے گئے عوام کے مسائل حل کرنے کے لیے اقدامات کیے جا رہے ہیں ترقیاتی منصوبوں پر کام جاری ہے میرپور آزاد کشمیر پاکستان حکومت وزیراعظم کے حوالے سے اجلاس منعقد ہوا جس میں اہم فیصلے کیے گئے عوام کے مسائل حل کرنے کے لیے اقدامات کیے جا رہے ہیں ترقیاتی منصوبوں پر کام جاری ہے میرپور آزاد کشمیر پاکستان حکومت وزیراعظم کے حوالے سے اجلاس منعقد ہوا جس میں اہم فیصلے کیے گئے عوام کے مسائل حل کرنے کے لیے اقدامات کیے جا رہے ہیں ترقیاتی منصوبوں پر کام جاری ہے
بینتر
77
میرپور آزاد کشمیر پاکستان حکومت وزیراعظم کے حوالے سے اجلاس منعقد ہوا جس میں اہم فیصلے کیے گئے عوام کے مسائل حل کرنے کے لیے اقدامات کیے جا رہے ہیں ترقیاتی منصوبوں پر کام جاری ہے میرپور آزاد کشمیر پاکستان حکومت وزیراعظم کے حوالے سے اجلاس منعقد ہوا جس میں اہم فیصلے کیے گئے عوام کے مسائل حل کرنے کے لیے اقدامات کیے جا رہے ہیں ترقیاتی منصوبوں پر کام جاری ہے میرپور آزاد کشمیر پاکستان حکومت وزیراعظم کے حوالے سے اجلاس منعقد ہوا جس میں اہم فیصلے کیے گئے عوام کے مسائل حل کرنے کے لیے اقدامات کیے جا رہے ہیں ترقیاتی منصوبوں پر کام جاری ہے میرپور آزاد کشمیر پاکستان حکومت وزیراعظم کے حوالے سے اجلاس منعقد ہوا جس میں اہم فیصلے کیے گئے عوام کے مسائل حل کرنے کے لیے اقدامات کیے جا رہے ہیں ترقیاتی منصوبوں پر کام جاری ہے میرپور آزاد کشمیر پاکستان حکومت وزیراعظم کے حوالے سے اجلاس منعقد ہوا جس میں اہم فیصلے کیے گئے عوام کے مسائل حل کرنے کے لیے اقدامات کیے جا رہے ہیں ترقیاتی منصوبوں پر کام جاری ہے میرپور آزاد کشمیر پاکستان حکومت وزیراعظم کے حوالے سے اجلاس منعقد ہوا جس میں اہم فیصلے کیے گئے عوام کے مسائل حل کرنے کے لیے اقدامات کیے جا رہے ہیں ترقیاتی منصوبوں پر کام جاری ہے میرپور آزاد کشمیر پاکستان حکومت وزیراعظم کے حوالے سے اجلاس منعقد ہوا جس میں اہم فیصلے کیے گئے عوام کے مسائل حل کرنے کے لیے اقدامات کیے جا رہے ہیں ترقیاتی منصوبوں پر کام جاری ہے میرپور آزاد کشمیر پاکستان حکومت وزیراعظم کے حوالے سے اجلاس منعقد ہوا جس میں اہم فیصلے کیے گئے عوام کے مسائل حل کرنے کے لیے اقدامات کیے جا رہے ہیں ترقیاتی منصوبوں پر کام جاری ہے میرپور آزاد کشمیر پاکستان حکومت وزیراعظم کے حوالے سے اجلاس منعقد ہوا جس میں اہم فیصلے کیے گئے عوام کے مسائل حل کرنے کے لیے اقدامات کیے جا رہے ہیں ترقیاتی منصوبوں پر کام جاری ہے میرپور آزاد کشمیر پاکستان حکومت وزیراعظم کے حوالے سے اجلاس منعقد ہوا جس میں اہم فیصلے کیے گئے عوام کے مسائل حل کرنے کے لیے اقدامات کیے جا رہے ہیں ترقیاتی منصوبوں پر کام جاری ہے میرپور آزاد کشمیر پاکستان حکومت وزیراعظم کے حوالے سے اجلاس منعقد ہوا جس میں اہم فیصلے کیے گئے عوام کے مسائل حل کرنے کے لیے اقدامات کیے جا رہے ہیں ترقیاتی منصوبوں پر کام جاری ہے میرپور آزاد کشمیر پاکستان حکومت وزیراعظم کے حوالے سے اجلاس منعقد ہوا جس میں اہم فیصلے کیے گئے عوام کے مسائل حل کرنے کے لیے اقدامات کیے جا رہے ہیں ترقیاتی منصوبوں پر کام جاری ہے میرپور آزاد کشمیر پاکستان حکومت وزیراعظم کے حوالے سے اجلاس منعقد ہوا جس میں اہم فیصلے کیے گئے عوام کے مسائل حل کرنے کے لیے اقدامات کیے جا رہے ہیں ترقیاتی منصوبوں پر کام جاری ہے میرپور آزاد کشمیر پاکستان حکومت وزیراعظم کے حوالے سے اجلاس منعقد ہوا جس میں اہم فیصلے کیے گئے عوام کے مسائل حل کرنے کے لیے اقدامات کیے جا رہے ہیں ترقیاتی منصوبوں پر کام جاری ہے میرپور آزاد کشمیر پاکستان حکومت وزیراعظم کے حوالے سے اجلاس منعقد ہوا جس میں اہم فیصلے کیے گئے عوام کے مسائل حل کرنے کے لیے اقدامات کیے جا رہے ہیں ترقیاتی منصوبوں پر کام جاری ہے میرپور آزاد کشمیر پاکستان حکومت وزیراعظم کے حوالے سے اجلاس منعقد ہوا جس میں اہم فیصلے کیے گئے عوام کے مسائل حل کرنے کے لیے اقدامات کیے جا رہے ہیں ترقیاتی منصوبوں پر کام جاری ہے میرپور آزاد کشمیر پاکستان حکومت وزیراعظم کے حوالے سے اجلاس منعقد ہوا جس میں اہم فیصلے کیے گئے عوام کے مسائل حل کرنے کے لیے اقدامات کیے جا رہے ہیں ترقیاتی منصوبوں پر کام جاری ہے میرپور آزاد کشمیر پاکستان حکومت وزیراعظم کے حوالے سے اجلاس منعقد ہوا جس میں اہم فیصلے کیے گئے عوام کے مسائل حل کرنے کے لیے اقدامات کیے جا رہے ہیں ترقیاتی منصوبوں پر کام جاری ہے میرپور آزاد کشمیر پاکستان حکومت وزیراعظم کے حوالے سے اجلاس منعقد ہوا جس میں اہم فیصلے کیے گئے عوام کے مسائل حل کرنے کے لیے اقدامات کیے جا رہے ہیں ترقیاتی منصوبوں پر کام جاری ہے میرپور آزاد کشمیر پاکستان حکومت وزیراعظم کے حوالے سے اجلاس منعقد ہوا جس میں اہم فیصلے کیے گئے عوام کے مسائل حل کرنے کے لیے اقدامات کیے جا رہے ہیں ترقیاتی منصوبوں پر کام جاری ہے
بینتر
78
میرپور آزاد کشمیر پاکستان حکومت وزیراعظم کے حوالے سے اجلاس منعقد ہوا جس میں اہم فیصلے کیے گئے عوام کے مسائل حل کرنے کے لیے اقدامات کیے جا رہے ہیں ترقیاتی منصوبوں پر کام جاری ہے میرپور آزاد کشمیر پاکستان حکومت وزیراعظم کے حوالے سے اجلاس منعقد ہوا جس میں اہم فیصلے کیے گئے عوام کے مسائل حل کرنے کے لیے اقدامات کیے جا رہے ہیں ترقیاتی منصوبوں پر کام جاری ہے میرپور آزاد کشمیر پاکستان حکومت وزیراعظم کے حوالے سے اجلاس منعقد ہوا جس میں اہم فیصلے کیے گئے عوام کے مسائل حل کرنے کے لیے اقدامات کیے جا رہے ہیں ترقیاتی منصوبوں پر کام جاری ہے میرپور آزاد کشمیر پاکستان حکومت وزیراعظم کے حوالے سے اجلاس منعقد ہوا جس میں اہم فیصلے کیے گئے عوام کے مسائل حل کرنے کے لیے اقدامات کیے جا رہے ہیں ترقیاتی منصوبوں پر کام جاری ہے میرپور آزاد کشمیر پاکستان حکومت وزیراعظم کے حوالے سے اجلاس منعقد ہوا جس میں اہم فیصلے کیے گئے عوام کے مسائل حل کرنے کے لیے اقدامات کیے جا رہے ہیں ترقیاتی منصوبوں پر کام جاری ہے میرپور آزاد کشمیر پاکستان حکومت وزیراعظم کے حوالے سے اجلاس منعقد ہوا جس میں اہم فیصلے کیے گئے عوام کے مسائل حل کرنے کے لیے اقدامات کیے جا رہے ہیں ترقیاتی منصوبوں پر کام جاری ہے میرپور آزاد کشمیر پاکستان حکومت وزیراعظم کے حوالے سے اجلاس منعقد ہوا جس میں اہم فیصلے کیے گئے عوام کے مسائل حل کرنے کے لیے اقدامات کیے جا رہے ہیں ترقیاتی منصوبوں پر کام جاری ہے میرپور آزاد کشمیر پاکستان حکومت وزیراعظم کے حوالے سے اجلاس منعقد ہوا جس میں اہم فیصلے کیے گئے عوام کے مسائل حل کرنے کے لیے اقدامات کیے جا رہے ہیں ترقیاتی منصوبوں پر کام جاری ہے میرپور آزاد کشمیر پاکستان حکومت وزیراعظم کے حوالے سے اجلاس منعقد ہوا جس میں اہم فیصلے کیے گئے عوام کے مسائل حل کرنے کے لیے اقدامات کیے جا رہے ہیں ترقیاتی منصوبوں پر کام جاری ہے میرپور آزاد کشمیر پاکستان حکومت وزیراعظم کے حوالے سے اجلاس منعقد ہوا جس میں اہم فیصلے کیے گئے عوام کے مسائل حل کرنے کے لیے اقدامات کیے جا رہے ہیں ترقیاتی منصوبوں پر کام جاری ہے میرپور آزاد کشمیر پاکستان حکومت وزیراعظم کے حوالے سے اجلاس منعقد ہوا جس میں اہم فیصلے کیے گئے عوام کے مسائل حل کرنے کے لیے اقدامات کیے جا رہے ہیں ترقیاتی منصوبوں پر کام جاری ہے میرپور آزاد کشمیر پاکستان حکومت وزیراعظم کے حوالے سے اجلاس منعقد ہوا جس میں اہم فیصلے کیے گئے عوام کے مسائل حل کرنے کے لیے اقدامات کیے جا رہے ہیں ترقیاتی منصوبوں پر کام جاری ہے میرپور آزاد کشمیر پاکستان حکومت وزیراعظم کے حوالے سے اجلاس منعقد ہوا جس میں اہم فیصلے کیے گئے عوام کے مسائل حل کرنے کے لیے اقدامات کیے جا رہے ہیں ترقیاتی منصوبوں پر کام جاری ہے میرپور آزاد کشمیر پاکستان حکومت وزیراعظم کے حوالے سے اجلاس منعقد ہوا جس میں اہم فیصلے کیے گئے عوام کے مسائل حل کرنے کے لیے اقدامات کیے جا رہے ہیں ترقیاتی منصوبوں پر کام جاری ہے میرپور آزاد کشمیر پاکستان حکومت وزیراعظم کے حوالے سے اجلاس منعقد ہوا جس میں اہم فیصلے کیے گئے عوام کے مسائل حل کرنے کے لیے اقدامات کیے جا رہے ہیں ترقیاتی منصوبوں پر کام جاری ہے میرپور آزاد کشمیر پاکستان حکومت وزیراعظم کے حوالے سے اجلاس منعقد ہوا جس میں اہم فیصلے کیے گئے عوام کے مسائل حل کرنے کے لیے اقدامات کیے جا رہے ہیں ترقیاتی منصوبوں پر کام جاری ہے میرپور آزاد کشمیر پاکستان حکومت وزیراعظم کے حوالے سے اجلاس منعقد ہوا جس میں اہم فیصلے کیے گئے عوام کے مسائل حل کرنے کے لیے اقدامات کیے جا رہے ہیں ترقیاتی منصوبوں پر کام جاری ہے میرپور آزاد کشمیر پاکستان حکومت وزیراعظم کے حوالے سے اجلاس منعقد ہوا جس میں اہم فیصلے کیے گئے عوام کے مسائل حل کرنے کے لیے اقدامات کیے جا رہے ہیں ترقیاتی منصوبوں پر کام جاری ہے میرپور آزاد کشمیر پاکستان حکومت وزیراعظم کے حوالے سے اجلاس منعقد ہوا جس میں اہم فیصلے کیے گئے عوام کے مسائل حل کرنے کے لیے اقدامات کیے جا رہے ہیں ترقیاتی منصوبوں پر کام جاری ہے میرپور آزاد کشمیر پاکستان حکومت وزیراعظم کے حوالے سے اجلاس منعقد ہوا جس میں اہم فیصلے کیے گئے عوام کے مسائل حل کرنے کے لیے اقدامات کیے جا رہے ہیں ترقیاتی منصوبوں پر کام جاری ہے میرپور آزاد کشمیر پاکستان حکومت وزیراعظم کے حوالے سے اجلاس منعقد ہوا جس میں اہم فیصلے کیے گئے عوام کے مسائل حل کرنے کے لیے اقدامات کیے جا رہے ہیں ترقیاتی منصوبوں پر کام جاری ہے میرپور آزاد کشمیر پاکستان حکومت وزیراعظم کے حوالے سے اجلاس منعقد ہوا جس میں اہم فیصلے کیے گئے عوام کے مسائل حل کرنے کے لیے اقدامات کیے جا رہے ہیں ترقیاتی منصوبوں پر کام جاری ہے میرپور آزاد کشمیر پاکستان حکومت وزیراعظم کے حوالے سے اجلاس منعقد ہوا جس میں اہم فیصلے کیے گئے عوام کے مسائل حل کرنے کے لیے اقدامات کیے جا رہے ہیں ترقیاتی منصوبوں پر کام جاری ہے
بینتر
79
میرپور آزاد کشمیر پاکستان حکومت وزیراعظم کے حوالے سے اجلاس منعقد ہوا جس میں اہم فیصلے کیے گئے عوام کے مسائل حل کرنے کے لیے اقدامات کیے جا رہے ہیں ترقیاتی منصوبوں پر کام جاری ہے میرپور آزاد کشمیر پاکستان حکومت وزیراعظم کے حوالے سے اجلاس منعقد ہوا جس میں اہم فیصلے کیے گئے عوام کے مسائل حل کرنے کے لیے اقدامات کیے جا رہے ہیں ترقیاتی منصوبوں پر کام جاری ہے میرپور آزاد کشمیر پاکستان حکومت وزیراعظم کے حوالے سے اجلاس منعقد ہوا جس میں اہم فیصلے کیے گئے عوام کے مسائل حل کرنے کے لیے اقدامات کیے جا رہے ہیں ترقیاتی منصوبوں پر کام جاری ہے میرپور آزاد کشمیر پاکستان حکومت وزیراعظم کے حوالے سے اجلاس منعقد ہوا جس میں اہم فیصلے کیے گئے عوام کے مسائل حل کرنے کے لیے اقدامات کیے جا رہے ہیں ترقیاتی منصوبوں پر کام جاری ہے میرپور آزاد کشمیر پاکستان حکومت وزیراعظم کے حوالے سے اجلاس منعقد ہوا جس میں اہم فیصلے کیے گئے عوام کے مسائل حل کرنے کے لیے اقدامات کیے جا رہے ہیں ترقیاتی منصوبوں پر کام جاری ہے میرپور آزاد کشمیر پاکستان حکومت وزیراعظم کے حوالے سے اجلاس منعقد ہوا جس میں اہم فیصلے کیے گئے عوام کے مسائل حل کرنے کے لیے اقدامات کیے جا رہے ہیں ترقیاتی منصوبوں پر کام جاری ہے میرپور آزاد کشمیر پاکستان حکومت وزیراعظم کے حوالے سے اجلاس منعقد ہوا جس میں اہم فیصلے کیے گئے عوام کے مسائل حل کرنے کے لیے اقدامات کیے جا رہے ہیں ترقیاتی منصوبوں پر کام جاری ہے میرپور آزاد کشمیر پاکستان حکومت وزیراعظم کے حوالے سے اجلاس منعقد ہوا جس میں اہم فیصلے کیے گئے عوام کے مسائل حل کرنے کے لیے اقدامات کیے جا رہے ہیں ترقیاتی منصوبوں پر کام جاری ہے میرپور آزاد کشمیر پاکستان حکومت وزیراعظم کے حوالے سے اجلاس منعقد ہوا جس میں اہم فیصلے کیے گئے عوام کے مسائل حل کرنے کے لیے اقدامات کیے جا رہے ہیں ترقیاتی منصوبوں پر کام جاری ہے میرپور آزاد کشمیر پاکستان حکومت وزیراعظم کے حوالے سے اجلاس منعقد ہوا جس میں اہم فیصلے کیے گئے عوام کے مسائل حل کرنے کے لیے اقدامات کیے جا رہے ہیں ترقیاتی منصوبوں پر کام جاری ہے میرپور آزاد کشمیر پاکستان حکومت وزیراعظم کے حوالے سے اجلاس منعقد ہوا جس میں اہم فیصلے کیے گئے عوام کے مسائل حل کرنے کے لیے اقدامات کیے جا رہے ہیں ترقیاتی منصوبوں پر کام جاری ہے میرپور آزاد کشمیر پاکستان حکومت وزیراعظم کے حوالے سے اجلاس منعقد ہوا جس میں اہم فیصلے کیے گئے عوام کے مسائل حل کرنے کے لیے اقدامات کیے جا رہے ہیں ترقیاتی منصوبوں پر کام جاری ہے میرپور آزاد کشمیر پاکستان حکومت وزیراعظم کے حوالے سے اجلاس منعقد ہوا جس میں اہم فیصلے کیے گئے عوام کے مسائل حل کرنے کے لیے اقدامات کیے جا رہے ہیں ترقیاتی منصوبوں پر کام جاری ہے میرپور آزاد کشمیر پاکستان حکومت وزیراعظم کے حوالے سے اجلاس منعقد ہوا جس میں اہم فیصلے کیے گئے عوام کے مسائل حل کرنے کے لیے اقدامات کیے جا رہے ہیں ترقیاتی منصوبوں پر کام جاری ہے میرپور آزاد کشمیر پاکستان حکومت وزیراعظم کے حوالے سے اجلاس منعقد ہوا جس میں اہم فیصلے کیے گئے عوام کے مسائل حل کرنے کے لیے اقدامات کیے جا رہے ہیں ترقیاتی منصوبوں پر کام جاری ہے میرپور آزاد کشمیر پاکستان حکومت وزیراعظم کے حوالے سے اجلاس منعقد ہوا جس میں اہم فیصلے کیے گئے عوام کے مسائل حل کرنے کے لیے اقدامات کیے جا رہے ہیں ترقیاتی منصوبوں پر کام جاری ہے میرپور آزاد کشمیر پاکستان حکومت وزیراعظم کے حوالے سے اجلاس منعقد ہوا جس میں اہم فیصلے کیے گئے عوام کے مسائل حل کرنے کے لیے اقدامات کیے جا رہے ہیں ترقیاتی منصوبوں پر کام جاری ہے میرپور آزاد کشمیر پاکستان حکومت وزیراعظم کے حوالے سے اجلاس منعقد ہوا جس میں اہم فیصلے کیے گئے عوام کے مسائل حل کرنے کے لیے اقدامات کیے جا رہے ہیں ترقیاتی منصوبوں پر کام جاری ہے میرپور آزاد کشمیر پاکستان حکومت وزیراعظم کے حوالے سے اجلاس منعقد ہوا جس میں اہم فیصلے کیے گئے عوام کے مسائل حل کرنے کے لیے اقدامات کیے جا رہے ہیں ترقیاتی منصوبوں پر کام جاری ہے میرپور آزاد کشمیر پاکستان حکومت وزیراعظم کے حوالے سے اجلاس منعقد ہوا جس میں اہم فیصلے کیے گئے عوام کے مسائل حل کرنے کے لیے اقدامات کیے جا رہے ہیں ترقیاتی منصوبوں پر کام جاری ہے میرپور آزاد کشمیر پاکستان حکومت وزیراعظم کے حوالے سے اجلاس منعقد ہوا جس میں اہم فیصلے کیے گئے عوام کے مسائل حل کرنے کے لیے اقدامات کیے جا
بینتر
80
میرپور آزاد کشمیر پاکستان حکومت وزیراعظم کے حوالے سے اجلاس منعقد ہوا جس میں اہم فیصلے کیے گئے عوام کے مسائل حل کرنے کے لیے اقدامات کیے جا رہے ہیں ترقیاتی منصوبوں پر کام جاری ہے میرپور آزاد کشمیر پاکستان حکومت وزیراعظم کے حوالے سے اجلاس منعقد ہوا جس میں اہم فیصلے کیے گئے عوام کے مسائل حل کرنے کے لیے اقدامات کیے جا رہے ہیں ترقیاتی منصوبوں پر کام جاری ہے میرپور آزاد کشمیر پاکستان حکومت وزیراعظم کے حوالے سے اجلاس منعقد ہوا جس میں اہم فیصلے کیے گئے عوام کے مسائل حل کرنے کے لیے اقدامات کیے جا رہے ہیں ترقیاتی منصوبوں پر کام جاری ہے میرپور آزاد کشمیر پاکستان حکومت وزیراعظم کے حوالے سے اجلاس منعقد ہوا جس میں اہم فیصلے کیے گئے عوام کے مسائل حل کرنے کے لیے اقدامات کیے جا رہے ہیں ترقیاتی منصوبوں پر کام جاری ہے میرپور آزاد کشمیر پاکستان حکومت وزیراعظم کے حوالے سے اجلاس منعقد ہوا جس میں اہم فیصلے کیے گئے عوام کے مسائل حل کرنے کے لیے اقدامات کیے جا رہے ہیں ترقیاتی منصوبوں پر کام جاری ہے میرپور آزاد کشمیر پاکستان حکومت وزیراعظم کے حوالے سے اجلاس منعقد ہوا جس میں اہم فیصلے کیے گئے عوام کے مسائل حل کرنے کے لیے اقدامات کیے جا رہے ہیں ترقیاتی منصوبوں پر کام جاری ہے میرپور آزاد کشمیر پاکستان حکومت وزیراعظم کے حوالے سے اجلاس منعقد ہوا جس میں اہم فیصلے کیے گئے عوام کے مسائل حل کرنے کے لیے اقدامات کیے جا رہے ہیں ترقیاتی منصوبوں پر کام جاری ہے میرپور آزاد کشمیر پاکستان حکومت وزیراعظم کے حوالے سے اجلاس منعقد ہوا جس میں اہم فیصلے کیے گئے عوام کے مسائل حل کرنے کے لیے اقدامات کیے جا رہے ہیں ترقیاتی منصوبوں پر کام جاری ہے میرپور آزاد کشمیر پاکستان حکومت وزیراعظم کے حوالے سے اجلاس منعقد ہوا جس میں اہم فیصلے کیے گئے عوام کے مسائل حل کرنے کے لیے اقدامات کیے جا رہے ہیں ترقیاتی منصوبوں پر کام جاری ہے میرپور آزاد کشمیر پاکستان حکومت وزیراعظم کے حوالے سے اجلاس منعقد ہوا جس میں اہم فیصلے کیے گئے عوام کے مسائل حل کرنے کے لیے اقدامات کیے جا رہے ہیں ترقیاتی منصوبوں پر کام جاری ہے میرپور آزاد کشمیر پاکستان حکومت وزیراعظم کے حوالے سے اجلاس منعقد ہوا جس میں اہم فیصلے کیے گئے عوام کے مسائل حل کرنے کے لیے اقدامات کیے جا رہے ہیں ترقیاتی منصوبوں پر کام جاری ہے میرپور آزاد کشمیر پاکستان حکومت وزیراعظم کے حوالے سے اجلاس منعقد ہوا جس میں اہم فیصلے کیے گئے عوام کے مسائل حل کرنے کے لیے اقدامات کیے جا رہے ہیں ترقیاتی منصوبوں پر کام جاری ہے میرپور آزاد کشمیر پاکستان حکومت وزیراعظم کے حوالے سے اجلاس منعقد ہوا جس میں اہم فیصلے کیے گئے عوام کے مسائل حل کرنے کے لیے اقدامات کیے جا رہے ہیں ترقیاتی منصوبوں پر کام جاری ہے میرپور آزاد کشمیر پاکستان حکومت وزیراعظم کے حوالے سے اجلاس منعقد ہوا جس میں اہم فیصلے کیے گئے عوام کے مسائل حل کرنے کے لیے اقدامات کیے جا رہے ہیں ترقیاتی منصوبوں پر کام جاری ہے
بینتر
81
میرپور آزاد کشمیر پاکستان حکومت وزیراعظم کے حوالے سے اجلاس منعقد ہوا جس میں اہم فیصلے کیے گئے عوام کے مسائل حل کرنے کے لیے اقدامات کیے جا رہے ہیں ترقیاتی منصوبوں پر کام جاری ہے میرپور آزاد کشمیر پاکستان حکومت وزیراعظم کے حوالے سے اجلاس منعقد ہوا جس میں اہم فیصلے کیے گئے عوام کے مسائل حل کرنے کے لیے اقدامات کیے جا رہے ہیں ترقیاتی منصوبوں پر کام جاری ہے میرپور آزاد کشمیر پاکستان حکومت وزیراعظم کے حوالے سے اجلاس منعقد ہوا جس میں اہم فیصلے کیے گئے عوام کے مسائل حل کرنے کے لیے اقدامات کیے جا رہے ہیں ترقیاتی منصوبوں پر کام جاری ہے میرپور آزاد کشمیر پاکستان حکومت وزیراعظم کے حوالے سے اجلاس منعقد ہوا جس میں اہم فیصلے کیے گئے عوام کے مسائل حل کرنے کے لیے اقدامات کیے جا رہے ہیں ترقیاتی منصوبوں پر کام جاری ہے میرپور آزاد کشمیر پاکستان حکومت وزیراعظم کے حوالے سے اجلاس منعقد ہوا جس میں اہم فیصلے کیے گئے عوام کے مسائل حل کرنے کے لیے اقدامات کیے جا رہے ہیں ترقیاتی منصوبوں پر کام جاری ہے میرپور آزاد کشمیر پاکستان حکومت وزیراعظم کے حوالے سے اجلاس منعقد ہوا جس میں اہم فیصلے کیے گئے عوام کے مسائل حل کرنے کے لیے اقدامات کیے جا رہے ہیں ترقیاتی منصوبوں پر کام جاری ہے میرپور آزاد کشمیر پاکستان حکومت وزیراعظم کے حوالے سے اجلاس منعقد ہوا جس میں اہم فیصلے کیے گئے عوام کے مسائل حل کرنے کے لیے اقدامات کیے جا رہے ہیں ترقیاتی منصوبوں پر کام جاری ہے میرپور آزاد کشمیر پاکستان حکومت وزیراعظم کے حوالے سے اجلاس منعقد ہوا جس میں اہم فیصلے کیے گئے عوام کے مسائل حل کرنے کے لیے اقدامات کیے جا رہے ہیں ترقیاتی منصوبوں پر کام جاری ہے میرپور آزاد کشمیر پاکستان حکومت وزیراعظم کے حوالے سے اجلاس منعقد ہوا جس میں اہم فیصلے کیے گئے عوام کے مسائل حل کرنے کے لیے اقدامات کیے جا رہے ہیں ترقیاتی منصوبوں پر کام جاری ہے میرپور آزاد کشمیر پاکستان حکومت وزیراعظم کے حوالے سے اجلاس منعقد ہوا جس میں اہم فیصلے کیے گئے عوام کے مسائل حل کرنے کے لیے اقدامات کیے جا رہے ہیں ترقیاتی منصوبوں پر کام جاری ہے میرپور آزاد کشمیر پاکستان حکومت وزیراعظم کے حوالے سے اجلاس منعقد ہوا جس میں اہم فیصلے کیے گئے عوام کے مسائل حل کرنے کے لیے اقدامات کیے جا رہے ہیں ترقیاتی منصوبوں پر کام جاری ہے میرپور آزاد کشمیر پاکستان حکومت وزیراعظم کے حوالے سے اجلاس منعقد ہوا جس میں اہم فیصلے کیے گئے عوام کے مسائل حل کرنے کے لیے اقدامات کیے جا رہے ہیں ترقیاتی منصوبوں پر کام جاری ہے میرپور آزاد کشمیر پاکستان حکومت وزیراعظم کے حوالے سے اجلاس منعقد ہوا جس میں اہم فیصلے کیے گئے عوام کے مسائل حل کرنے کے لیے اقدامات کیے جا رہے ہیں ترقیاتی منصوبوں پر کام جاری ہے میرپور آزاد کشمیر پاکستان حکومت وزیراعظم کے حوالے سے اجلاس منعقد ہوا جس میں اہم فیصلے کیے گئے عوام کے مسائل حل کرنے کے لیے اقدامات کیے جا رہے ہیں ترقیاتی منصوبوں پر کام جاری ہے میرپور آزاد کشمیر پاکستان حکومت وزیراعظم کے حوالے سے اجلاس منعقد ہوا جس میں اہم فیصلے کیے گئے عوام کے مسائل حل کرنے کے لیے اقدامات کیے جا رہے ہیں ترقیاتی منصوبوں پر کام جاری ہے میرپور آزاد کشمیر پاکستان حکومت وزیراعظم کے حوالے سے اجلاس منعقد ہوا جس میں اہم فیصلے کیے گئے عوام کے مسائل حل کرنے کے لیے اقدامات کیے جا رہے ہیں ترقیاتی منصوبوں پر کام جاری ہے میرپور آزاد کشمیر پاکستان حکومت وزیراعظم کے حوالے سے اجلاس منعقد ہوا جس میں اہم فیصلے کیے گئے عوام کے مسائل حل کرنے کے لیے اقدامات کیے جا رہے ہیں ترقیاتی منصوبوں پر کام جاری ہے
بینتر
82
میرپور آزاد کشمیر پاکستان حکومت وزیراعظم کے حوالے سے اجلاس منعقد ہوا جس میں اہم فیصلے کیے گئے عوام کے مسائل حل کرنے کے لیے اقدامات کیے جا رہے ہیں ترقیاتی منصوبوں پر کام جاری ہے میرپور آزاد کشمیر پاکستان حکومت وزیراعظم کے حوالے سے اجلاس منعقد ہوا جس میں اہم فیصلے کیے گئے عوام کے مسائل حل کرنے کے لیے اقدامات کیے جا رہے ہیں ترقیاتی منصوبوں پر کام جاری ہے میرپور آزاد کشمیر پاکستان حکومت وزیراعظم کے حوالے سے اجلاس منعقد ہوا جس میں اہم فیصلے کیے گئے عوام کے مسائل حل کرنے کے لیے اقدامات کیے جا رہے ہیں ترقیاتی منصوبوں پر کام جاری ہے میرپور آزاد کشمیر پاکستان حکومت وزیراعظم کے حوالے سے اجلاس منعقد ہوا جس میں اہم فیصلے کیے گئے عوام کے مسائل حل کرنے کے لیے اقدامات کیے جا رہے ہیں ترقیاتی منصوبوں پر کام جاری ہے میرپور آزاد کشمیر پاکستان حکومت وزیراعظم کے حوالے سے اجلاس منعقد ہوا جس میں اہم فیصلے کیے گئے عوام کے مسائل حل کرنے کے لیے اقدامات کیے جا رہے ہیں ترقیاتی منصوبوں پر کام جاری ہے میرپور آزاد کشمیر پاکستان حکومت وزیراعظم کے حوالے سے اجلاس منعقد ہوا جس میں اہم فیصلے کیے گئے عوام کے مسائل حل کرنے کے لیے اقدامات کیے جا رہے ہیں ترقیاتی منصوبوں پر کام جاری ہے میرپور آزاد کشمیر پاکستان حکومت وزیراعظم کے حوالے سے اجلاس منعقد ہوا جس میں اہم فیصلے کیے گئے عوام کے مسائل حل کرنے کے لیے اقدامات کیے جا رہے ہیں ترقیاتی منصوبوں پر کام جاری ہے میرپور آزاد کشمیر پاکستان حکومت وزیراعظم کے حوالے سے اجلاس منعقد ہوا جس میں اہم فیصلے کیے گئے عوام کے مسائل حل کرنے کے لیے اقدامات کیے جا رہے ہیں ترقیاتی منصوبوں پر کام جاری ہے میرپور آزاد کشمیر پاکستان حکومت وزیراعظم کے حوالے سے اجلاس منعقد ہوا جس میں اہم فیصلے کیے گئے عوام کے مسائل حل کرنے کے لیے اقدامات کیے جا رہے ہیں ترقیاتی منصوبوں پر کام جاری ہے میرپور آزاد کشمیر پاکستان حکومت وزیراعظم کے حوالے سے اجلاس منعقد ہوا جس میں اہم فیصلے کیے گئے عوام کے مسائل حل کرنے کے لیے اقدامات کیے جا رہے ہیں ترقیاتی منصوبوں پر کام جاری ہے میرپور آزاد کشمیر پاکستان حکومت وزیراعظم کے حوالے سے اجلاس منعقد ہوا جس میں اہم فیصلے کیے گئے عوام کے مسائل حل کرنے کے لیے اقدامات کیے جا رہے ہیں ترقیاتی منصوبوں پر کام جاری ہے میرپور آزاد کشمیر پاکستان حکومت وزیراعظم کے حوالے سے اجلاس منعقد ہوا جس میں اہم فیصلے کیے گئے عوام کے مسائل حل کرنے کے لیے اقدامات کیے جا رہے ہیں ترقیاتی منصوبوں پر کام جاری ہے میرپور آزاد کشمیر پاکستان حکومت وزیراعظم کے حوالے سے اجلاس منعقد ہوا جس میں اہم فیصلے کیے گئے عوام کے مسائل حل کرنے کے لیے اقدامات کیے جا رہے ہیں ترقیاتی منصوبوں پر کام جاری ہے میرپور آزاد کشمیر پاکستان حکومت وزیراعظم کے حوالے سے اجلاس منعقد ہوا جس میں اہم فیصلے کیے گئے عوام کے مسائل حل کرنے کے لیے اقدامات کیے جا رہے ہیں ترقیاتی منصوبوں پر کام جاری ہے میرپور آزاد کشمیر پاکستان حکومت وزیراعظم کے حوالے سے اجلاس منعقد ہوا جس میں اہم فیصلے کیے گئے عوام کے مسائل حل کرنے کے لیے اقدامات کیے جا رہے ہیں ترقیاتی منصوبوں پر کام جاری ہے میرپور آزاد کشمیر پاکستان حکومت وزیراعظم کے حوالے سے اجلاس منعقد ہوا جس میں اہم فیصلے کیے گئے عوام کے مسائل حل کرنے کے لیے اقدامات کیے جا رہے ہیں ترقیاتی منصوبوں پر کام جاری ہے میرپور آزاد کشمیر پاکستان حکومت وزیراعظم کے حوالے سے اجلاس منعقد ہوا جس میں اہم فیصلے کیے گئے عوام کے مسائل حل کرنے کے لیے اقدامات کیے جا رہے ہیں ترقیاتی منصوبوں پر کام جاری ہے میرپور آزاد کشمیر پاکستان حکومت وزیراعظم کے حوالے سے اجلاس منعقد ہوا جس میں اہم فیصلے کیے گئے عوام کے مسائل حل کرنے کے لیے اقدامات کیے جا رہے ہیں ترقیاتی منصوبوں پر کام جاری ہے میرپور آزاد کشمیر پاکستان حکومت وزیراعظم کے حوالے سے اجلاس منعقد ہوا جس میں اہم فیصلے کیے گئے عوام کے مسائل حل کرنے کے لیے اقدامات کیے جا رہے ہیں ترقیاتی منصوبوں پر کام جاری ہے میرپور آزاد کشمیر پاکستان حکومت وزیراعظم کے حوالے سے اجلاس منعقد ہوا جس میں اہم فیصلے کیے گئے عوام کے مسائل حل کرنے کے لیے اقدامات کیے جا رہے ہیں ترقیاتی منصوبوں پر کام جاری ہے
بینتر
83
میرپور آزاد کشمیر پاکستان حکومت وزیراعظم کے حوالے سے اجلاس منعقد ہوا جس میں اہم فیصلے کیے گئے عوام کے مسائل حل کرنے کے لیے اقدامات کیے جا رہے ہیں ترقیاتی منصوبوں پر کام جاری ہے میرپور آزاد کشمیر پاکستان حکومت وزیراعظم کے حوالے سے اجلاس منعقد ہوا جس میں اہم فیصلے کیے گئے عوام کے مسائل حل کرنے کے لیے اقدامات کیے جا رہے ہیں ترقیاتی منصوبوں پر کام جاری ہے میرپور آزاد کشمیر پاکستان حکومت وزیراعظم کے حوالے سے اجلاس منعقد ہوا جس میں اہم فیصلے کیے گئے عوام کے مسائل حل کرنے کے لیے اقدامات کیے جا رہے ہیں ترقیاتی منصوبوں پر کام جاری ہے میرپور آزاد کشمیر پاکستان حکومت وزیراعظم کے حوالے سے اجلاس منعقد ہوا جس میں اہم فیصلے کیے گئے عوام کے مسائل حل کرنے کے لیے اقدامات کیے جا رہے ہیں ترقیاتی منصوبوں پر کام جاری ہے میرپور آزاد کشمیر پاکستان حکومت وزیراعظم کے حوالے سے اجلاس منعقد ہوا جس میں اہم فیصلے کیے گئے عوام کے مسائل حل کرنے کے لیے اقدامات کیے جا رہے ہیں ترقیاتی منصوبوں پر کام جاری ہے میرپور آزاد کشمیر پاکستان حکومت وزیراعظم کے حوالے سے اجلاس منعقد ہوا جس میں اہم فیصلے کیے گئے عوام کے مسائل حل کرنے کے لیے اقدامات کیے جا رہے ہیں ترقیاتی منصوبوں پر کام جاری ہے میرپور آزاد کشمیر پاکستان حکومت وزیراعظم کے حوالے سے اجلاس منعقد ہوا جس میں اہم فیصلے کیے گئے عوام کے مسائل حل کرنے کے لیے اقدامات کیے جا رہے ہیں ترقیاتی منصوبوں پر کام جاری ہے میرپور آزاد کشمیر پاکستان حکومت وزیراعظم کے حوالے سے اجلاس منعقد ہوا جس میں اہم فیصلے کیے گئے عوام کے مسائل حل کرنے کے لیے اقدامات کیے جا رہے ہیں ترقیاتی منصوبوں پر کام جاری ہے میرپور آزاد کشمیر پاکستان حکومت وزیراعظم کے حوالے سے اجلاس منعقد ہوا جس میں اہم فیصلے کیے گئے عوام کے مسائل حل کرنے کے لیے اقدامات کیے جا رہے ہیں ترقیاتی منصوبوں پر کام جاری ہے میرپور آزاد کشمیر پاکستان حکومت وزیراعظم کے حوالے سے اجلاس منعقد ہوا جس میں اہم فیصلے کیے گئے عوام کے مسائل حل کرنے کے لیے اقدامات کیے جا رہے ہیں ترقیاتی منصوبوں پر کام جاری ہے میرپور آزاد کشمیر پاکستان حکومت وزیراعظم کے حوالے سے اجلاس منعقد ہوا جس میں اہم فیصلے کیے گئے عوام کے مسائل حل کرنے کے لیے اقدامات کیے جا رہے ہیں ترقیاتی منصوبوں پر کام جاری ہے میرپور آزاد کشمیر پاکستان حکومت وزیراعظم کے حوالے سے اجلاس منعقد ہوا جس میں اہم فیصلے کیے گئے عوام کے مسائل حل کرنے کے لیے اقدامات کیے جا رہے ہیں ترقیاتی منصوبوں پر کام جاری ہے میرپور آزاد کشمیر پاکستان حکومت وزیراعظم کے حوالے سے اجلاس منعقد ہوا جس میں اہم فیصلے کیے گئے عوام کے مسائل حل کرنے کے لیے اقدامات کیے جا رہے ہیں ترقیاتی منصوبوں پر کام جاری ہے میرپور آزاد کشمیر پاکستان حکومت وزیراعظم کے حوالے سے اجلاس منعقد ہوا جس میں اہم فیصلے کیے گئے عوام کے مسائل حل کرنے کے لیے اقدامات کیے جا رہے ہیں ترقیاتی منصوبوں پر کام جاری ہے میرپور آزاد کشمیر پاکستان حکومت وزیراعظم کے حوالے سے اجلاس منعقد ہوا جس میں اہم فیصلے کیے گئے عوام کے مسائل حل کرنے کے لیے اقدامات کیے جا رہے ہیں ترقیاتی منصوبوں پر کام جاری ہے میرپور آزاد کشمیر پاکستان حکومت وزیراعظم کے حوالے سے اجلاس منعقد ہوا جس میں اہم فیصلے کیے گئے عوام کے مسائل حل کرنے کے لیے اقدامات کیے جا رہے ہیں ترقیاتی منصوبوں پر کام جاری ہے میرپور آزاد کشمیر پاکستان حکومت وزیراعظم کے حوالے سے اجلاس منعقد ہوا جس میں اہم فیصلے کیے گئے عوام کے مسائل حل کرنے کے لیے اقدامات کیے جا رہے ہیں ترقیاتی منصوبوں پر کام جاری ہے میرپور آزاد کشمیر پاکستان حکومت وزیراعظم کے حوالے سے اجلاس منعقد ہوا جس میں اہم فیصلے کیے گئے عوام کے مسائل حل کرنے کے لیے اقدامات کیے جا رہے ہیں ترقیاتی منصوبوں پر کام جاری ہے میرپور آزاد کشمیر پاکستان حکومت وزیراعظم کے حوالے سے اجلاس منعقد ہوا جس میں اہم فیصلے کیے گئے عوام کے مسائل حل کرنے کے لیے اقدامات کیے جا رہے ہیں ترقیاتی منصوبوں پر کام جاری ہے میرپور آزاد کشمیر پاکستان حکومت وزیراعظم کے حوالے سے اجلاس منعقد ہوا جس میں اہم فیصلے کیے گئے عوام کے مسائل حل کرنے کے لیے اقدامات کیے جا رہے ہیں ترقیاتی منصوبوں پر کام جاری ہے میرپور آزاد کشمیر پاکستان حکومت وزیراعظم کے حوالے سے اجلاس منعقد ہوا جس میں اہم فیصلے کیے گئے عوام کے مسائل حل کرنے کے لیے اقدامات کیے جا رہے ہیں ترقیاتی منصوبوں پر کام جاری ہے میرپور آزاد کشمیر پاکستان حکومت وزیراعظم کے حوالے سے اجلاس منعقد ہوا جس میں اہم فیصلے کیے گئے عوام کے مسائل حل کرنے کے لیے اقدامات کیے جا رہے ہیں ترقیاتی منصوبوں پر کام جاری ہے میرپور آزاد کشمیر پاکستان حکومت وزیراعظم کے حوالے سے اجلاس منعقد ہوا جس میں اہم فیصلے کیے گئے عوام کے مسائل حل کرنے کے لیے اقدامات کیے جا رہے ہیں ترقیاتی منصوبوں پر کام جاری ہے
بینتر
84
میرپور آزاد کشمیر پاکستان حکومت وزیراعظم کے حوالے سے اجلاس منعقد ہوا جس میں اہم فیصلے کیے گئے عوام کے مسائل حل کرنے کے لیے اقدامات کیے جا رہے ہیں ترقیاتی منصوبوں پر کام جاری ہے میرپور آزاد کشمیر پاکستان حکومت وزیراعظم کے حوالے سے اجلاس منعقد ہوا جس میں اہم فیصلے کیے گئے عوام کے مسائل حل کرنے کے لیے اقدامات کیے جا رہے ہیں ترقیاتی منصوبوں پر کام جاری ہے میرپور آزاد کشمیر پاکستان حکومت وزیراعظم کے حوالے سے اجلاس منعقد ہوا جس میں اہم فیصلے کیے گئے عوام کے مسائل حل کرنے کے لیے اقدامات کیے جا رہے ہیں ترقیاتی منصوبوں پر کام جاری ہے میرپور آزاد کشمیر پاکستان حکومت وزیراعظم کے حوالے سے اجلاس منعقد ہوا جس میں اہم فیصلے کیے گئے عوام کے مسائل حل کرنے کے لیے اقدامات کیے جا رہے ہیں ترقیاتی منصوبوں پر کام جاری ہے میرپور آزاد کشمیر پاکستان حکومت وزیراعظم کے حوالے سے اجلاس منعقد ہوا جس میں اہم فیصلے کیے گئے عوام کے مسائل حل کرنے کے لیے اقدامات کیے جا رہے ہیں ترقیاتی منصوبوں پر کام جاری ہے میرپور آزاد کشمیر پاکستان حکومت وزیراعظم کے حوالے سے اجلاس منعقد ہوا جس میں اہم فیصلے کیے گئے عوام کے مسائل حل کرنے کے لیے اقدامات کیے جا رہے ہیں ترقیاتی منصوبوں پر کام جاری ہے میرپور آزاد کشمیر پاکستان حکومت وزیراعظم کے حوالے سے اجلاس منعقد ہوا جس میں اہم فیصلے کیے گئے عوام کے مسائل حل کرنے کے لیے اقدامات کیے جا رہے ہیں ترقیاتی منصوبوں پر کام جاری ہے میرپور آزاد کشمیر پاکستان حکومت وزیراعظم کے حوالے سے اجلاس منعقد ہوا جس میں اہم فیصلے کیے گئے عوام کے مسائل حل کرنے کے لیے اقدامات کیے جا رہے ہیں ترقیاتی منصوبوں پر کام جاری ہے میرپور آزاد کشمیر پاکستان حکومت وزیراعظم کے حوالے سے اجلاس منعقد ہوا جس میں اہم فیصلے کیے گئے عوام کے مسائل حل کرنے کے لیے اقدامات کیے جا رہے ہیں ترقیاتی منصوبوں پر کام جاری ہے میرپور آزاد کشمیر پاکستان حکومت وزیراعظم کے حوالے سے اجلاس منعقد ہوا جس میں اہم فیصلے کیے گئے عوام کے مسائل حل کرنے کے لیے اقدامات کیے جا رہے ہیں ترقیاتی منصوبوں پر کام جاری ہے میرپور آزاد کشمیر پاکستان حکومت وزیراعظم کے حوالے سے اجلاس منعقد ہوا جس میں اہم فیصلے کیے گئے عوام کے مسائل حل کرنے کے لیے اقدامات کیے جا رہے ہیں ترقیاتی منصوبوں پر کام جاری ہے میرپور آزاد کشمیر پاکستان حکومت وزیراعظم کے حوالے سے اجلاس منعقد ہوا جس میں اہم فیصلے کیے گئے عوام کے مسائل حل کرنے کے لیے اقدامات کیے جا رہے ہیں ترقیاتی منصوبوں پر کام جاری ہے میرپور آزاد کشمیر پاکستان حکومت وزیراعظم کے حوالے سے اجلاس منعقد ہوا جس میں اہم فیصلے کیے گئے عوام کے مسائل حل کرنے کے لیے اقدامات کیے جا رہے ہیں ترقیاتی منصوبوں پر کام جاری ہے میرپور آزاد کشمیر پاکستان حکومت وزیراعظم کے حوالے سے اجلاس منعقد ہوا جس میں اہم فیصلے کیے گئے عوام کے مسائل حل کرنے کے لیے اقدامات کیے جا رہے ہیں ترقیاتی منصوبوں پر کام جاری ہے میرپور آزاد کشمیر پاکستان حکومت وزیراعظم کے حوالے سے اجلاس منعقد ہوا جس میں اہم فیصلے کیے گئے عوام کے مسائل حل کرنے کے لیے اقدامات کیے جا رہے ہیں ترقیاتی منصوبوں پر کام جاری ہے میرپور آزاد کشمیر پاکستان حکومت وزیراعظم کے حوالے سے اجلاس منعقد ہوا جس میں اہم فیصلے کیے گئے عوام کے مسائل حل کرنے کے لیے اقدامات کیے جا رہے ہیں ترقیاتی منصوبوں پر کام جاری ہے میرپور آزاد کشمیر پاکستان حکومت وزیراعظم کے حوالے سے اجلاس منعقد ہوا جس میں اہم فیصلے کیے گئے عوام کے مسائل حل کرنے کے لیے اقدامات کیے جا رہے ہیں ترقیاتی منصوبوں پر کام جاری ہے میرپور آزاد کشمیر پاکستان حکومت وزیراعظم کے حوالے سے اجلاس منعقد ہوا جس میں اہم فیصلے کیے گئے عوام کے مسائل حل کرنے کے لیے اقدامات کیے جا رہے ہیں ترقیاتی منصوبوں پر کام جاری ہے میرپور آزاد کشمیر پاکستان حکومت وزیراعظم کے حوالے سے اجلاس منعقد ہوا جس میں اہم فیصلے کیے گئے عوام کے مسائل حل کرنے کے لیے اقدامات کیے جا رہے ہیں ترقیاتی منصوبوں پر کام جاری ہے میرپور آزاد کشمیر پاکستان حکومت وزیراعظم کے حوالے سے اجلاس منعقد ہوا جس میں اہم فیصلے کیے گئے عوام کے مسائل حل کرنے کے لیے اقدامات کیے جا رہے ہیں ترقیاتی منصوبوں پر کام جاری ہے میرپور آزاد کشمیر پاکستان حکومت وزیراعظم کے حوالے سے اجلاس منعقد ہوا جس میں اہم فیصلے کیے گئے عوام کے مسائل حل کرنے کے لیے اقدامات کیے جا
بینتر
87
میرپور آزاد کشمیر پاکستان حکومت وزیراعظم کے حوالے سے اجلاس منعقد ہوا جس میں اہم فیصلے کیے گئے عوام کے مسائل حل کرنے کے لیے اقدامات کیے جا رہے ہیں ترقیاتی منصوبوں پر کام جاری ہے میرپور آزاد کشمیر پاکستان حکومت وزیراعظم کے حوالے سے اجلاس منعقد ہوا جس میں اہم فیصلے کیے گئے عوام کے مسائل حل کرنے کے لیے اقدامات کیے جا رہے ہیں ترقیاتی منصوبوں پر کام جاری ہے میرپور آزاد کشمیر پاکستان حکومت وزیراعظم کے حوالے سے اجلاس منعقد ہوا جس میں اہم فیصلے کیے گئے عوام کے مسائل حل کرنے کے لیے اقدامات کیے جا رہے ہیں ترقیاتی منصوبوں پر کام جاری ہے میرپور آزاد کشمیر پاکستان حکومت وزیراعظم کے حوالے سے اجلاس منعقد ہوا جس میں اہم فیصلے کیے گئے عوام کے مسائل حل کرنے کے لیے اقدامات کیے جا رہے ہیں ترقیاتی منصوبوں پر کام جاری ہے میرپور آزاد کشمیر پاکستان حکومت وزیراعظم کے حوالے سے اجلاس منعقد ہوا جس میں اہم فیصلے کیے گئے عوام کے مسائل حل کرنے کے لیے اقدامات کیے جا رہے ہیں ترقیاتی منصوبوں پر کام جاری ہے میرپور آزاد کشمیر پاکستان حکومت وزیراعظم کے حوالے سے اجلاس منعقد ہوا جس میں اہم فیصلے کیے گئے عوام کے مسائل حل کرنے کے لیے اقدامات کیے جا رہے ہیں ترقیاتی منصوبوں پر کام جاری ہے میرپور آزاد کشمیر پاکستان حکومت وزیراعظم کے حوالے سے اجلاس منعقد ہوا جس میں اہم فیصلے کیے گئے عوام کے مسائل حل کرنے کے لیے اقدامات کیے جا رہے ہیں ترقیاتی منصوبوں پر کام جاری ہے میرپور آزاد کشمیر پاکستان حکومت وزیراعظم کے حوالے سے اجلاس منعقد ہوا جس میں اہم فیصلے کیے گئے عوام کے مسائل حل کرنے کے لیے اقدامات کیے جا رہے ہیں ترقیاتی منصوبوں پر کام جاری ہے میرپور آزاد کشمیر پاکستان حکومت وزیراعظم کے حوالے سے اجلاس منعقد ہوا جس میں اہم فیصلے کیے گئے عوام کے مسائل حل کرنے کے لیے اقدامات کیے جا رہے ہیں ترقیاتی منصوبوں پر کام جاری ہے میرپور آزاد کشمیر پاکستان حکومت وزیراعظم کے حوالے سے اجلاس منعقد ہوا جس میں اہم فیصلے کیے گئے عوام کے مسائل حل کرنے کے لیے اقدامات کیے جا رہے ہیں ترقیاتی منصوبوں پر کام جاری ہے میرپور آزاد کشمیر پاکستان حکومت وزیراعظم کے حوالے سے اجلاس منعقد ہوا جس میں اہم فیصلے کیے گئے عوام کے مسائل حل کرنے کے لیے اقدامات کیے جا رہے ہیں ترقیاتی منصوبوں پر کام جاری ہے میرپور آزاد کشمیر پاکستان حکومت وزیراعظم کے حوالے سے اجلاس منعقد ہوا جس میں اہم فیصلے کیے گئے عوام کے مسائل حل کرنے کے لیے اقدامات کیے جا رہے ہیں ترقیاتی منصوبوں پر کام جاری ہے میرپور آزاد کشمیر پاکستان حکومت وزیراعظم کے حوالے سے اجلاس منعقد ہوا جس میں اہم فیصلے کیے گئے عوام کے مسائل حل کرنے کے لیے اقدامات کیے جا رہے ہیں ترقیاتی منصوبوں پر کام جاری ہے میرپور آزاد کشمیر پاکستان حکومت وزیراعظم کے حوالے سے اجلاس منعقد ہوا جس میں اہم فیصلے کیے گئے عوام کے مسائل حل کرنے کے لیے اقدامات کیے جا رہے ہیں ترقیاتی منصوبوں پر کام جاری ہے میرپور آزاد کشمیر پاکستان حکومت وزیراعظم کے حوالے سے اجلاس منعقد ہوا جس میں اہم فیصلے کیے گئے عوام کے مسائل حل کرنے کے لیے اقدامات کیے جا رہے ہیں ترقیاتی منصوبوں پر کام جاری ہے میرپور آزاد کشمیر پاکستان حکومت وزیراعظم کے حوالے سے اجلاس منعقد ہوا جس میں اہم فیصلے کیے گئے عوام کے مسائل حل کرنے کے لیے اقدامات کیے جا رہے ہیں ترقیاتی منصوبوں پر کام جاری ہے میرپور آزاد کشمیر پاکستان حکومت وزیراعظم کے حوالے سے اجلاس منعقد ہوا جس میں اہم فیصلے کیے گئے عوام کے مسائل حل کرنے کے لیے اقدامات کیے جا رہے ہیں ترقیاتی منصوبوں پر کام جاری ہے میرپور آزاد کشمیر پاکستان حکومت وزیراعظم کے حوالے سے اجلاس منعقد ہوا جس میں اہم فیصلے کیے گئے عوام کے مسائل حل کرنے کے لیے اقدامات کیے جا رہے ہیں ترقیاتی منصوبوں پر کام جاری ہے میرپور آزاد کشمیر پاکستان حکومت وزیراعظم کے حوالے سے اجلاس منعقد ہوا جس میں اہم فیصلے کیے گئے عوام کے مسائل حل کرنے کے لیے اقدامات کیے جا رہے ہیں ترقیاتی منصوبوں پر کام جاری ہے میرپور آزاد کشمیر پاکستان حکومت وزیراعظم کے حوالے سے اجلاس منعقد ہوا جس میں اہم فیصلے کیے گئے عوام کے مسائل حل کرنے کے لیے اقدامات کیے جا رہے ہیں ترقیاتی منصوبوں پر کام جاری ہے
بینتر
88
میرپور آزاد کشمیر پاکستان حکومت وزیراعظم کے حوالے سے اجلاس منعقد ہوا جس میں اہم فیصلے کیے گئے عوام کے مسائل حل کرنے کے لیے اقدامات کیے جا رہے ہیں ترقیاتی منصوبوں پر کام جاری ہے میرپور آزاد کشمیر پاکستان حکومت وزیراعظم کے حوالے سے اجلاس منعقد ہوا جس میں اہم فیصلے کیے گئے عوام کے مسائل حل کرنے کے لیے اقدامات کیے جا رہے ہیں ترقیاتی منصوبوں پر کام جاری ہے میرپور آزاد کشمیر پاکستان حکومت وزیراعظم کے حوالے سے اجلاس منعقد ہوا جس میں اہم فیصلے کیے گئے عوام کے مسائل حل کرنے کے لیے اقدامات کیے جا رہے ہیں ترقیاتی منصوبوں پر کام جاری ہے میرپور آزاد کشمیر پاکستان حکومت وزیراعظم کے حوالے سے اجلاس منعقد ہوا جس میں اہم فیصلے کیے گئے عوام کے مسائل حل کرنے کے لیے اقدامات کیے جا رہے ہیں ترقیاتی منصوبوں پر کام جاری ہے میرپور آزاد کشمیر پاکستان حکومت وزیراعظم کے حوالے سے اجلاس منعقد ہوا جس میں اہم فیصلے کیے گئے عوام کے مسائل حل کرنے کے لیے اقدامات کیے جا رہے ہیں ترقیاتی منصوبوں پر کام جاری ہے میرپور آزاد کشمیر پاکستان حکومت وزیراعظم کے حوالے سے اجلاس منعقد ہوا جس میں اہم فیصلے کیے گئے عوام کے مسائل حل کرنے کے لیے اقدامات کیے جا رہے ہیں ترقیاتی منصوبوں پر کام جاری ہے میرپور آزاد کشمیر پاکستان حکومت وزیراعظم کے حوالے سے اجلاس منعقد ہوا جس میں اہم فیصلے کیے گئے عوام کے مسائل حل کرنے کے لیے اقدامات کیے جا رہے ہیں ترقیاتی منصوبوں پر کام جاری ہے میرپور آزاد کشمیر پاکستان حکومت وزیراعظم کے حوالے سے اجلاس منعقد ہوا جس میں اہم فیصلے کیے گئے عوام کے مسائل حل کرنے کے لیے اقدامات کیے جا رہے ہیں ترقیاتی منصوبوں پر کام جاری ہے میرپور آزاد کشمیر پاکستان حکومت وزیراعظم کے حوالے سے اجلاس منعقد ہوا جس میں اہم فیصلے کیے گئے عوام کے مسائل حل کرنے کے لیے اقدامات کیے جا رہے ہیں ترقیاتی منصوبوں پر کام جاری ہے میرپور آزاد کشمیر پاکستان حکومت وزیراعظم کے حوالے سے اجلاس منعقد ہوا جس میں اہم فیصلے کیے گئے عوام کے مسائل حل کرنے کے لیے اقدامات کیے جا رہے ہیں ترقیاتی منصوبوں پر کام جاری ہے میرپور آزاد کشمیر پاکستان حکومت وزیراعظم کے حوالے سے اجلاس منعقد ہوا جس میں اہم فیصلے کیے گئے عوام کے مسائل حل کرنے کے لیے اقدامات کیے جا رہے ہیں ترقیاتی منصوبوں پر کام جاری ہے میرپور آزاد کشمیر پاکستان حکومت وزیراعظم کے حوالے سے اجلاس منعقد ہوا جس میں اہم فیصلے کیے گئے عوام کے مسائل حل کرنے کے لیے اقدامات کیے جا رہے ہیں ترقیاتی منصوبوں پر کام جاری ہے میرپور آزاد کشمیر پاکستان حکومت وزیراعظم کے حوالے سے اجلاس منعقد ہوا جس میں اہم فیصلے کیے گئے عوام کے مسائل حل کرنے کے لیے اقدامات کیے جا رہے ہیں ترقیاتی منصوبوں پر کام جاری ہے میرپور آزاد کشمیر پاکستان حکومت وزیراعظم کے حوالے سے اجلاس منعقد ہوا جس میں اہم فیصلے کیے گئے عوام کے مسائل حل کرنے کے لیے اقدامات کیے جا رہے ہیں ترقیاتی منصوبوں پر کام جاری ہے میرپور آزاد کشمیر پاکستان حکومت وزیراعظم کے حوالے سے اجلاس منعقد ہوا جس میں اہم فیصلے کیے گئے عوام کے مسائل حل کرنے کے لیے اقدامات کیے جا رہے ہیں ترقیاتی منصوبوں پر کام جاری ہے میرپور آزاد کشمیر پاکستان حکومت وزیراعظم کے حوالے سے اجلاس منعقد ہوا جس میں اہم فیصلے کیے گئے عوام کے مسائل حل کرنے کے لیے اقدامات کیے جا رہے ہیں ترقیاتی منصوبوں پر کام جاری ہے میرپور آزاد کشمیر پاکستان حکومت وزیراعظم کے حوالے سے اجلاس منعقد ہوا جس میں اہم فیصلے کیے گئے عوام کے مسائل حل کرنے کے لیے اقدامات کیے جا رہے ہیں ترقیاتی منصوبوں پر کام جاری ہے میرپور آزاد کشمیر پاکستان حکومت وزیراعظم کے حوالے سے اجلاس منعقد ہوا جس میں اہم فیصلے کیے گئے عوام کے مسائل حل کرنے کے لیے اقدامات کیے جا رہے ہیں ترقیاتی منصوبوں پر کام جاری ہے میرپور آزاد کشمیر پاکستان حکومت وزیراعظم کے حوالے سے اجلاس منعقد ہوا جس میں اہم فیصلے کیے گئے عوام کے مسائل حل کرنے کے لیے اقدامات کیے جا رہے ہیں ترقیاتی منصوبوں پر کام جاری ہے میرپور آزاد کشمیر پاکستان حکومت وزیراعظم کے حوالے سے اجلاس منعقد ہوا جس میں اہم فیصلے کیے گئے عوام کے مسائل حل کرنے کے لیے اقدامات کیے جا رہے ہیں ترقیاتی منصوبوں پر کام جاری ہے میرپور آزاد کشمیر پاکستان حکومت وزیراعظم کے حوالے سے اجلاس منعقد ہوا جس میں اہم فیصلے کیے گئے عوام کے مسائل حل کرنے کے لیے اقدامات کیے جا رہے ہیں ترقیاتی منصوبوں پر کام جاری ہے میرپور آزاد کشمیر پاکستان حکومت وزیراعظم کے حوالے سے اجلاس منعقد ہوا جس میں اہم فیصلے کیے گئے عوام کے مسائل حل کرنے کے لیے اقدامات کیے جا رہے ہیں ترقیاتی منصوبوں پر کام جاری ہے میرپور آزاد کشمیر پاکستان حکومت وزیراعظم کے حوالے سے اجلاس منعقد ہوا جس میں اہم فیصلے کیے گئے عوام کے مسائل حل کرنے کے لیے اقدامات کیے جا رہے ہیں ترقیاتی منصوبوں پر کام جاری ہے
بینتر
89
میرپور آزاد کشمیر پاکستان حکومت وزیراعظم کے حوالے سے اجلاس منعقد ہوا جس میں اہم فیصلے کیے گئے عوام کے مسائل حل کرنے کے لیے اقدامات کیے جا رہے ہیں ترقیاتی منصوبوں پر کام جاری ہے میرپور آزاد کشمیر پاکستان حکومت وزیراعظم کے حوالے سے اجلاس منعقد ہوا جس میں اہم فیصلے کیے گئے عوام کے مسائل حل کرنے کے لیے اقدامات کیے جا رہے ہیں ترقیاتی منصوبوں پر کام جاری ہے میرپور آزاد کشمیر پاکستان حکومت وزیراعظم کے حوالے سے اجلاس منعقد ہوا جس میں اہم فیصلے کیے گئے عوام کے مسائل حل کرنے کے لیے اقدامات کیے جا رہے ہیں ترقیاتی منصوبوں پر کام جاری ہے میرپور آزاد کشمیر پاکستان حکومت وزیراعظم کے حوالے سے اجلاس منعقد ہوا جس میں اہم فیصلے کیے گئے عوام کے مسائل حل کرنے کے لیے اقدامات کیے جا رہے ہیں ترقیاتی منصوبوں پر کام جاری ہے میرپور آزاد کشمیر پاکستان حکومت وزیراعظم کے حوالے سے اجلاس منعقد ہوا جس میں اہم فیصلے کیے گئے عوام کے مسائل حل کرنے کے لیے اقدامات کیے جا رہے ہیں ترقیاتی منصوبوں پر کام جاری ہے میرپور آزاد کشمیر پاکستان حکومت وزیراعظم کے حوالے سے اجلاس منعقد ہوا جس میں اہم فیصلے کیے گئے عوام کے مسائل حل کرنے کے لیے اقدامات کیے جا رہے ہیں ترقیاتی منصوبوں پر کام جاری ہے میرپور آزاد کشمیر پاکستان حکومت وزیراعظم کے حوالے سے اجلاس منعقد ہوا جس میں اہم فیصلے کیے گئے عوام کے مسائل حل کرنے کے لیے اقدامات کیے جا رہے ہیں ترقیاتی منصوبوں پر کام جاری ہے میرپور آزاد کشمیر پاکستان حکومت وزیراعظم کے حوالے سے اجلاس منعقد ہوا جس میں اہم فیصلے کیے گئے عوام کے مسائل حل کرنے کے لیے اقدامات کیے جا رہے ہیں ترقیاتی منصوبوں پر کام جاری ہے میرپور آزاد کشمیر پاکستان حکومت وزیراعظم کے حوالے سے اجلاس منعقد ہوا جس میں اہم فیصلے کیے گئے عوام کے مسائل حل کرنے کے لیے اقدامات کیے جا رہے ہیں ترقیاتی منصوبوں پر کام جاری ہے میرپور آزاد کشمیر پاکستان حکومت وزیراعظم کے حوالے سے اجلاس منعقد ہوا جس میں اہم فیصلے کیے گئے عوام کے مسائل حل کرنے کے لیے اقدامات کیے جا رہے ہیں ترقیاتی منصوبوں پر کام جاری ہے میرپور آزاد کشمیر پاکستان حکومت وزیراعظم کے حوالے سے اجلاس منعقد ہوا جس میں اہم فیصلے کیے گئے عوام کے مسائل حل کرنے کے لیے اقدامات کیے جا رہے ہیں ترقیاتی منصوبوں پر کام جاری ہے میرپور آزاد کشمیر پاکستان حکومت وزیراعظم کے حوالے سے اجلاس منعقد ہوا جس میں اہم فیصلے کیے گئے عوام کے مسائل حل کرنے کے لیے اقدامات کیے جا رہے ہیں ترقیاتی منصوبوں پر کام جاری ہے میرپور آزاد کشمیر پاکستان حکومت وزیراعظم کے حوالے سے اجلاس منعقد ہوا جس میں اہم فیصلے کیے گئے عوام کے مسائل حل کرنے کے لیے اقدامات کیے جا رہے ہیں ترقیاتی منصوبوں پر کام جاری ہے میرپور آزاد کشمیر پاکستان حکومت وزیراعظم کے حوالے سے اجلاس منعقد ہوا جس میں اہم فیصلے کیے گئے عوام کے مسائل حل کرنے کے لیے اقدامات کیے جا رہے ہیں ترقیاتی منصوبوں پر کام جاری ہے میرپور آزاد کشمیر پاکستان حکومت وزیراعظم کے حوالے سے اجلاس منعقد ہوا جس میں اہم فیصلے کیے گئے عوام کے مسائل حل کرنے کے لیے اقدامات کیے جا رہے ہیں ترقیاتی منصوبوں پر کام جاری ہے میرپور آزاد کشمیر پاکستان حکومت وزیراعظم کے حوالے سے اجلاس منعقد ہوا جس میں اہم فیصلے کیے گئے عوام کے مسائل حل کرنے کے لیے اقدامات کیے جا رہے ہیں ترقیاتی منصوبوں پر کام جاری ہے میرپور آزاد کشمیر پاکستان حکومت وزیراعظم کے حوالے سے اجلاس منعقد ہوا جس میں اہم فیصلے کیے گئے عوام کے مسائل حل کرنے کے لیے اقدامات کیے جا رہے ہیں ترقیاتی منصوبوں پر کام جاری ہے میرپور آزاد کشمیر پاکستان حکومت وزیراعظم کے حوالے سے اجلاس منعقد ہوا جس میں اہم فیصلے کیے گئے عوام کے مسائل حل کرنے کے لیے اقدامات کیے جا رہے ہیں ترقیاتی منصوبوں پر کام جاری ہے میرپور آزاد کشمیر پاکستان حکومت وزیراعظم کے حوالے سے اجلاس منعقد ہوا جس میں اہم فیصلے کیے گئے عوام کے مسائل حل کرنے کے لیے اقدامات کیے جا رہے ہیں ترقیاتی منصوبوں پر کام جاری ہے میرپور آزاد کشمیر پاکستان حکومت وزیراعظم کے حوالے سے اجلاس منعقد ہوا جس میں اہم فیصلے کیے گئے عوام کے مسائل حل کرنے کے لیے اقدامات کیے جا رہے ہیں ترقیاتی منصوبوں پر کام جاری ہے میرپور آزاد کشمیر پاکستان حکومت وزیراعظم کے حوالے سے اجلاس منعقد ہوا جس میں اہم فیصلے کیے گئے عوام کے مسائل حل کرنے کے لیے اقدامات کیے جا رہے ہیں ترقیاتی منصوبوں پر کام جاری ہے میرپور آزاد کشمیر پاکستان حکومت وزیراعظم کے حوالے سے اجلاس منعقد ہوا جس میں اہم فیصلے کیے گئے عوام کے مسائل حل کرنے کے لیے اقدامات کیے جا رہے ہیں ترقیاتی منصوبوں پر کام جاری ہے میرپور آزاد کشمیر پاکستان حکومت وزیراعظم کے حوالے سے اجلاس منعقد ہوا جس میں اہم فیصلے کیے گئے عوام کے مسائل حل کرنے کے لیے اقدامات کیے جا رہے ہیں ترقیاتی منصوبوں پر کام جاری ہے میرپور آزاد کشمیر پاکستان حکومت وزیراعظم کے حوالے سے اجلاس منعقد ہوا جس میں اہم فیصلے کیے گئے عوام کے مسائل حل کرنے کے لیے اقدامات کیے جا رہے ہیں ترقیاتی منصوبوں پر کام جاری ہے میرپور آزاد کشمیر پاکستان حکومت وزیراعظم کے حوالے سے اجلاس منعقد ہوا جس میں اہم فیصلے کیے گئے عوام کے مسائل حل کرنے کے لیے اقدامات کیے جا رہے ہیں ترقیاتی منصوبوں پر کام جاری ہے میرپور آزاد کشمیر پاکستان حکومت وزیراعظم کے حوالے سے اجلاس منعقد ہوا جس میں اہم فیصلے کیے گئے عوام کے مسائل حل کرنے کے لیے اقدامات کیے جا رہے ہیں ترقیاتی منصوبوں پر کام جاری ہے
بینتر
90
میرپور آزاد کشمیر پاکستان حکومت وزیراعظم کے حوالے سے اجلاس منعقد ہوا جس میں اہم فیصلے کیے گئے عوام کے مسائل حل کرنے کے لیے اقدامات کیے جا رہے ہیں ترقیاتی منصوبوں پر کام جاری ہے میرپور آزاد کشمیر پاکستان حکومت وزیراعظم کے حوالے سے اجلاس منعقد ہوا جس میں اہم فیصلے کیے گئے عوام کے مسائل حل کرنے کے لیے اقدامات کیے جا رہے ہیں ترقیاتی منصوبوں پر کام جاری ہے میرپور آزاد کشمیر پاکستان حکومت وزیراعظم کے حوالے سے اجلاس منعقد ہوا جس میں اہم فیصلے کیے گئے عوام کے مسائل حل کرنے کے لیے اقدامات کیے جا رہے ہیں ترقیاتی منصوبوں پر کام جاری ہے میرپور آزاد کشمیر پاکستان حکومت وزیراعظم کے حوالے سے اجلاس منعقد ہوا جس میں اہم فیصلے کیے گئے عوام کے مسائل حل کرنے کے لیے اقدامات کیے جا رہے ہیں ترقیاتی منصوبوں پر کام جاری ہے میرپور آزاد کشمیر پاکستان حکومت وزیراعظم کے حوالے سے اجلاس منعقد ہوا جس میں اہم فیصلے کیے گئے عوام کے مسائل حل کرنے کے لیے اقدامات کیے جا رہے ہیں ترقیاتی منصوبوں پر کام جاری ہے میرپور آزاد کشمیر پاکستان حکومت وزیراعظم کے حوالے سے اجلاس منعقد ہوا جس میں اہم فیصلے کیے گئے عوام کے مسائل حل کرنے کے لیے اقدامات کیے جا رہے ہیں ترقیاتی منصوبوں پر کام جاری ہے میرپور آزاد کشمیر پاکستان حکومت وزیراعظم کے حوالے سے اجلاس منعقد ہوا جس میں اہم فیصلے کیے گئے عوام کے مسائل حل کرنے کے لیے اقدامات کیے جا رہے ہیں ترقیاتی منصوبوں پر کام جاری ہے میرپور آزاد کشمیر پاکستان حکومت وزیراعظم کے حوالے سے اجلاس منعقد ہوا جس میں اہم فیصلے کیے گئے عوام کے مسائل حل کرنے کے لیے اقدامات کیے جا رہے ہیں ترقیاتی منصوبوں پر کام جاری ہے میرپور آزاد کشمیر پاکستان حکومت وزیراعظم کے حوالے سے اجلاس منعقد ہوا جس میں اہم فیصلے کیے گئے عوام کے مسائل حل کرنے کے لیے اقدامات کیے جا رہے ہیں ترقیاتی منصوبوں پر کام جاری ہے میرپور آزاد کشمیر پاکستان حکومت وزیراعظم کے حوالے سے اجلاس منعقد ہوا جس میں اہم فیصلے کیے گئے عوام کے مسائل حل کرنے کے لیے اقدامات کیے جا رہے ہیں ترقیاتی منصوبوں پر کام جاری ہے میرپور آزاد کشمیر پاکستان حکومت وزیراعظم کے حوالے سے اجلاس منعقد ہوا جس میں اہم فیصلے کیے گئے عوام کے مسائل حل کرنے کے لیے اقدامات کیے جا رہے ہیں ترقیاتی منصوبوں پر کام جاری ہے میرپور آزاد کشمیر پاکستان حکومت وزیراعظم کے حوالے سے اجلاس منعقد ہوا جس میں اہم فیصلے کیے گئے عوام کے مسائل حل کرنے کے لیے اقدامات کیے جا رہے ہیں ترقیاتی منصوبوں پر کام جاری ہے میرپور آزاد کشمیر پاکستان حکومت وزیراعظم کے حوالے سے اجلاس منعقد ہوا جس میں اہم فیصلے کیے گئے عوام کے مسائل حل کرنے کے لیے اقدامات کیے جا رہے ہیں ترقیاتی منصوبوں پر کام جاری ہے میرپور آزاد کشمیر پاکستان حکومت وزیراعظم کے حوالے سے اجلاس منعقد ہوا جس میں اہم فیصلے کیے گئے عوام کے مسائل حل کرنے کے لیے اقدامات کیے جا رہے ہیں ترقیاتی منصوبوں پر کام جاری ہے
بینتر
91
میرپور آزاد کشمیر پاکستان حکومت وزیراعظم کے حوالے سے اجلاس منعقد ہوا جس میں اہم فیصلے کیے گئے عوام کے مسائل حل کرنے کے لیے اقدامات کیے جا رہے ہیں ترقیاتی منصوبوں پر کام جاری ہے میرپور آزاد کشمیر پاکستان حکومت وزیراعظم کے حوالے سے اجلاس منعقد ہوا جس میں اہم فیصلے کیے گئے عوام کے مسائل حل کرنے کے لیے اقدامات کیے جا رہے ہیں ترقیاتی منصوبوں پر کام جاری ہے میرپور آزاد کشمیر پاکستان حکومت وزیراعظم کے حوالے سے اجلاس منعقد ہوا جس میں اہم فیصلے کیے گئے عوام کے مسائل حل کرنے کے لیے اقدامات کیے جا رہے ہیں ترقیاتی منصوبوں پر کام جاری ہے میرپور آزاد کشمیر پاکستان حکومت وزیراعظم کے حوالے سے اجلاس منعقد ہوا جس میں اہم فیصلے کیے گئے عوام کے مسائل حل کرنے کے لیے اقدامات کیے جا رہے ہیں ترقیاتی منصوبوں پر کام جاری ہے میرپور آزاد کشمیر پاکستان حکومت وزیراعظم کے حوالے سے اجلاس منعقد ہوا جس میں اہم فیصلے کیے گئے عوام کے مسائل حل کرنے کے لیے اقدامات کیے جا رہے ہیں ترقیاتی منصوبوں پر کام جاری ہے میرپور آزاد کشمیر پاکستان حکومت وزیراعظم کے حوالے سے اجلاس منعقد ہوا جس میں اہم فیصلے کیے گئے عوام کے مسائل حل کرنے کے لیے اقدامات کیے جا رہے ہیں ترقیاتی منصوبوں پر کام جاری ہے میرپور آزاد کشمیر پاکستان حکومت وزیراعظم کے حوالے سے اجلاس منعقد ہوا جس میں اہم فیصلے کیے گئے عوام کے مسائل حل کرنے کے لیے اقدامات کیے جا رہے ہیں ترقیاتی منصوبوں پر کام جاری ہے میرپور آزاد کشمیر پاکستان حکومت وزیراعظم کے حوالے سے اجلاس منعقد ہوا جس میں اہم فیصلے کیے گئے عوام کے مسائل حل کرنے کے لیے اقدامات کیے جا رہے ہیں ترقیاتی منصوبوں پر کام جاری ہے میرپور آزاد کشمیر پاکستان حکومت وزیراعظم کے حوالے سے اجلاس منعقد ہوا جس میں اہم فیصلے کیے گئے عوام کے مسائل حل کرنے کے لیے اقدامات کیے جا رہے ہیں ترقیاتی منصوبوں پر کام جاری ہے میرپور آزاد کشمیر پاکستان حکومت وزیراعظم کے حوالے سے اجلاس منعقد ہوا جس میں اہم فیصلے کیے گئے عوام کے مسائل حل کرنے کے لیے اقدامات کیے جا رہے ہیں ترقیاتی منصوبوں پر کام جاری ہے میرپور آزاد کشمیر پاکستان حکومت وزیراعظم کے حوالے سے اجلاس منعقد ہوا جس میں اہم فیصلے کیے گئے عوام کے مسائل حل کرنے کے لیے اقدامات کیے جا رہے ہیں ترقیاتی منصوبوں پر کام جاری ہے میرپور آزاد کشمیر پاکستان حکومت وزیراعظم کے حوالے سے اجلاس منعقد ہوا جس میں اہم فیصلے کیے گئے عوام کے مسائل حل کرنے کے لیے اقدامات کیے جا
بینتر
92
میرپور آزاد کشمیر پاکستان حکومت وزیراعظم کے حوالے سے اجلاس منعقد ہوا جس میں اہم فیصلے کیے گئے عوام کے مسائل حل کرنے کے لیے اقدامات کیے جا رہے ہیں ترقیاتی منصوبوں پر کام جاری ہے میرپور آزاد کشمیر پاکستان حکومت وزیراعظم کے حوالے سے اجلاس منعقد ہوا جس میں اہم فیصلے کیے گئے عوام کے مسائل حل کرنے کے لیے اقدامات کیے جا رہے ہیں ترقیاتی منصوبوں پر کام جاری ہے میرپور آزاد کشمیر پاکستان حکومت وزیراعظم کے حوالے سے اجلاس منعقد ہوا جس میں اہم فیصلے کیے گئے عوام کے مسائل حل کرنے کے لیے اقدامات کیے جا رہے ہیں ترقیاتی منصوبوں پر کام جاری ہے میرپور آزاد کشمیر پاکستان حکومت وزیراعظم کے حوالے سے اجلاس منعقد ہوا جس میں اہم فیصلے کیے گئے عوام کے مسائل حل کرنے کے لیے اقدامات کیے جا رہے ہیں ترقیاتی منصوبوں پر کام جاری ہے میرپور آزاد کشمیر پاکستان حکومت وزیراعظم کے حوالے سے اجلاس منعقد ہوا جس میں اہم فیصلے کیے گئے عوام کے مسائل حل کرنے کے لیے اقدامات کیے جا رہے ہیں ترقیاتی منصوبوں پر کام جاری ہے میرپور آزاد کشمیر پاکستان حکومت وزیراعظم کے حوالے سے اجلاس منعقد ہوا جس میں اہم فیصلے کیے گئے عوام کے مسائل حل کرنے کے لیے اقدامات کیے جا رہے ہیں ترقیاتی منصوبوں پر کام جاری ہے میرپور آزاد کشمیر پاکستان حکومت وزیراعظم کے حوالے سے اجلاس منعقد ہوا جس میں اہم فیصلے کیے گئے عوام کے مسائل حل کرنے کے لیے اقدامات کیے جا رہے ہیں ترقیاتی منصوبوں پر کام جاری ہے میرپور آزاد کشمیر پاکستان حکومت وزیراعظم کے حوالے سے اجلاس منعقد ہوا جس میں اہم فیصلے کیے گئے عوام کے مسائل حل کرنے کے لیے اقدامات کیے جا رہے ہیں ترقیاتی منصوبوں پر کام جاری ہے میرپور آزاد کشمیر پاکستان حکومت وزیراعظم کے حوالے سے اجلاس منعقد ہوا جس میں اہم فیصلے کیے گئے عوام کے مسائل حل کرنے کے لیے اقدامات کیے جا رہے ہیں ترقیاتی منصوبوں پر کام جاری ہے میرپور آزاد کشمیر پاکستان حکومت وزیراعظم کے حوالے سے اجلاس منعقد ہوا جس میں اہم فیصلے کیے گئے عوام کے مسائل حل کرنے کے لیے اقدامات کیے جا رہے ہیں ترقیاتی منصوبوں پر کام جاری ہے میرپور آزاد کشمیر پاکستان حکومت وزیراعظم کے حوالے سے اجلاس منعقد ہوا جس میں اہم فیصلے کیے گئے عوام کے مسائل حل کرنے کے لیے اقدامات کیے جا رہے ہیں ترقیاتی منصوبوں پر کام جاری ہے میرپور آزاد کشمیر پاکستان حکومت وزیراعظم کے حوالے سے اجلاس منعقد ہوا جس میں اہم فیصلے کیے گئے عوام کے مسائل حل کرنے کے لیے اقدامات کیے جا رہے ہیں ترقیاتی منصوبوں پر کام جاری ہے میرپور آزاد کشمیر پاکستان حکومت وزیراعظم کے حوالے سے اجلاس منعقد ہوا جس میں اہم فیصلے کیے گئے عوام کے مسائل حل کرنے کے لیے اقدامات کیے جا رہے ہیں ترقیاتی منصوبوں پر کام جاری ہے میرپور آزاد کشمیر پاکستان حکومت وزیراعظم کے حوالے سے اجلاس منعقد ہوا جس میں اہم فیصلے کیے گئے عوام کے مسائل حل کرنے کے لیے اقدامات کیے جا رہے ہیں ترقیاتی منصوبوں پر کام جاری ہے میرپور آزاد کشمیر پاکستان حکومت وزیراعظم کے حوالے سے اجلاس منعقد ہوا جس میں اہم فیصلے کیے گئے عوام کے مسائل حل کرنے کے لیے اقدامات کیے جا رہے ہیں ترقیاتی منصوبوں پر کام جاری ہے میرپور آزاد کشمیر پاکستان حکومت وزیراعظم کے حوالے سے اجلاس منعقد ہوا جس میں اہم فیصلے کیے گئے عوام کے مسائل حل کرنے کے لیے اقدامات کیے جا رہے ہیں ترقیاتی منصوبوں پر کام جاری ہے میرپور آزاد کشمیر پاکستان حکومت وزیراعظم کے حوالے سے اجلاس منعقد ہوا جس میں اہم فیصلے کیے گئے عوام کے مسائل حل کرنے کے لیے اقدامات کیے جا رہے ہیں ترقیاتی منصوبوں پر کام جاری ہے میرپور آزاد کشمیر پاکستان حکومت وزیراعظم کے حوالے سے اجلاس منعقد ہوا جس میں اہم فیصلے کیے گئے عوام کے مسائل حل کرنے کے لیے اقدامات کیے جا رہے ہیں ترقیاتی منصوبوں پر کام جاری ہے میرپور آزاد کشمیر پاکستان حکومت وزیراعظم کے حوالے سے اجلاس منعقد ہوا جس میں اہم فیصلے کیے گئے عوام کے مسائل حل کرنے کے لیے اقدامات کیے جا رہے ہیں ترقیاتی منصوبوں پر کام جاری ہے میرپور آزاد کشمیر پاکستان حکومت وزیراعظم کے حوالے سے اجلاس منعقد ہوا جس میں اہم فیصلے کیے گئے عوام کے مسائل حل کرنے کے لیے اقدامات کیے جا رہے ہیں ترقیاتی منصوبوں پر کام جاری ہے
بینتر
93
میرپور آزاد کشمیر پاکستان حکومت وزیراعظم کے حوالے سے اجلاس منعقد ہوا جس میں اہم فیصلے کیے گئے عوام کے مسائل حل کرنے کے لیے اقدامات کیے جا رہے ہیں ترقیاتی منصوبوں پر کام جاری ہے میرپور آزاد کشمیر پاکستان حکومت وزیراعظم کے حوالے سے اجلاس منعقد ہوا جس میں اہم فیصلے کیے گئے عوام کے مسائل حل کرنے کے لیے اقدامات کیے جا رہے ہیں ترقیاتی منصوبوں پر کام جاری ہے میرپور آزاد کشمیر پاکستان حکومت وزیراعظم کے حوالے سے اجلاس منعقد ہوا جس میں اہم فیصلے کیے گئے عوام کے مسائل حل کرنے کے لیے اقدامات کیے جا رہے ہیں ترقیاتی منصوبوں پر کام جاری ہے میرپور آزاد کشمیر پاکستان حکومت وزیراعظم کے حوالے سے اجلاس منعقد ہوا جس میں اہم فیصلے کیے گئے عوام کے مسائل حل کرنے کے لیے اقدامات کیے جا رہے ہیں ترقیاتی منصوبوں پر کام جاری ہے میرپور آزاد کشمیر پاکستان حکومت وزیراعظم کے حوالے سے اجلاس منعقد ہوا جس میں اہم فیصلے کیے گئے عوام کے مسائل حل کرنے کے لیے اقدامات کیے جا رہے ہیں ترقیاتی منصوبوں پر کام جاری ہے میرپور آزاد کشمیر پاکستان حکومت وزیراعظم کے حوالے سے اجلاس منعقد ہوا جس میں اہم فیصلے کیے گئے عوام کے مسائل حل کرنے کے لیے اقدامات کیے جا رہے ہیں ترقیاتی منصوبوں پر کام جاری ہے میرپور آزاد کشمیر پاکستان حکومت وزیراعظم کے حوالے سے اجلاس منعقد ہوا جس میں اہم فیصلے کیے گئے عوام کے مسائل حل کرنے کے لیے اقدامات کیے جا رہے ہیں ترقیاتی منصوبوں پر کام جاری ہے میرپور آزاد کشمیر پاکستان حکومت وزیراعظم کے حوالے سے اجلاس منعقد ہوا جس میں اہم فیصلے کیے گئے عوام کے مسائل حل کرنے کے لیے اقدامات کیے جا رہے ہیں ترقیاتی منصوبوں پر کام جاری ہے میرپور آزاد کشمیر پاکستان حکومت وزیراعظم کے حوالے سے اجلاس منعقد ہوا جس میں اہم فیصلے کیے گئے عوام کے مسائل حل کرنے کے لیے اقدامات کیے جا رہے ہیں ترقیاتی منصوبوں پر کام جاری ہے میرپور آزاد کشمیر پاکستان حکومت وزیراعظم کے حوالے سے اجلاس منعقد ہوا جس میں اہم فیصلے کیے گئے عوام کے مسائل حل کرنے کے لیے اقدامات کیے جا رہے ہیں ترقیاتی منصوبوں پر کام جاری ہے میرپور آزاد کشمیر پاکستان حکومت وزیراعظم کے حوالے سے اجلاس منعقد ہوا جس میں اہم فیصلے کیے گئے عوام کے مسائل حل کرنے کے لیے اقدامات کیے جا رہے ہیں ترقیاتی منصوبوں پر کام جاری ہے میرپور آزاد کشمیر پاکستان حکومت وزیراعظم کے حوالے سے اجلاس منعقد ہوا جس میں اہم فیصلے کیے گئے عوام کے مسائل حل کرنے کے لیے اقدامات کیے جا رہے ہیں ترقیاتی منصوبوں پر کام جاری ہے میرپور آزاد کشمیر پاکستان حکومت وزیراعظم کے حوالے سے اجلاس منعقد ہوا جس میں اہم فیصلے کیے گئے عوام کے مسائل حل کرنے کے لیے اقدامات کیے جا رہے ہیں ترقیاتی منصوبوں پر کام جاری ہے میرپور آزاد کشمیر پاکستان حکومت وزیراعظم کے حوالے سے اجلاس منعقد ہوا جس میں اہم فیصلے کیے گئے عوام کے مسائل حل کرنے کے لیے اقدامات کیے جا رہے ہیں ترقیاتی منصوبوں پر کام جاری ہے میرپور آزاد کشمیر پاکستان حکومت وزیراعظم کے حوالے سے اجلاس منعقد ہوا جس میں اہم فیصلے کیے گئے عوام کے مسائل حل کرنے کے لیے اقدامات کیے جا رہے ہیں ترقیاتی منصوبوں پر کام جاری ہے میرپور آزاد کشمیر پاکستان حکومت وزیراعظم کے حوالے سے اجلاس منعقد ہوا جس میں اہم فیصلے کیے گئے عوام کے مسائل حل کرنے کے لیے اقدامات کیے جا رہے ہیں ترقیاتی منصوبوں پر کام جاری ہے میرپور آزاد کشمیر پاکستان حکومت وزیراعظم کے حوالے سے اجلاس منعقد ہوا جس میں اہم فیصلے کیے گئے عوام کے مسائل حل کرنے کے لیے اقدامات کیے جا رہے ہیں ترقیاتی منصوبوں پر کام جاری ہے میرپور آزاد کشمیر پاکستان حکومت وزیراعظم کے حوالے سے اجلاس منعقد ہوا جس میں اہم فیصلے کیے گئے عوام کے مسائل حل کرنے کے لیے اقدامات کیے جا رہے ہیں ترقیاتی منصوبوں پر کام جاری ہے میرپور آزاد کشمیر پاکستان حکومت وزیراعظم کے حوالے سے اجلاس منعقد ہوا جس میں اہم فیصلے کیے گئے عوام کے مسائل حل کرنے کے لیے اقدامات کیے جا رہے ہیں ترقیاتی منصوبوں پر کام جاری ہے میرپور آزاد کشمیر پاکستان حکومت وزیراعظم کے حوالے سے اجلاس منعقد ہوا جس میں اہم فیصلے کیے گئے عوام کے مسائل حل کرنے کے لیے اقدامات کیے جا رہے ہیں ترقیاتی منصوبوں پر کام جاری ہے میرپور آزاد کشمیر پاکستان حکومت وزیراعظم کے حوالے سے اجلاس منعقد ہوا جس میں اہم فیصلے کیے گئے عوام کے مسائل حل کرنے کے لیے اقدامات کیے جا رہے ہیں ترقیاتی منصوبوں پر کام جاری ہے میرپور آزاد کشمیر پاکستان حکومت وزیراعظم کے حوالے سے اجلاس منعقد ہوا جس میں اہم فیصلے کیے گئے عوام کے مسائل حل کرنے کے لیے اقدامات کیے جا رہے ہیں ترقیاتی منصوبوں پر کام جاری ہے میرپور آزاد کشمیر پاکستان حکومت وزیراعظم کے حوالے سے اجلاس منعقد ہوا جس میں اہم فیصلے کیے گئے عوام کے مسائل حل کرنے کے لیے اقدامات کیے جا رہے ہیں ترقیاتی منصوبوں پر کام جاری ہے
بینتر
94
میرپور آزاد کشمیر پاکستان حکومت وزیراعظم کے حوالے سے اجلاس منعقد ہوا جس میں اہم فیصلے کیے گئے عوام کے مسائل حل کرنے کے لیے اقدامات کیے جا رہے ہیں ترقیاتی منصوبوں پر کام جاری ہے میرپور آزاد کشمیر پاکستان حکومت وزیراعظم کے حوالے سے اجلاس منعقد ہوا جس میں اہم فیصلے کیے گئے عوام کے مسائل حل کرنے کے لیے اقدامات کیے جا رہے ہیں ترقیاتی منصوبوں پر کام جاری ہے میرپور آزاد کشمیر پاکستان حکومت وزیراعظم کے حوالے سے اجلاس منعقد ہوا جس میں اہم فیصلے کیے گئے عوام کے مسائل حل کرنے کے لیے اقدامات کیے جا رہے ہیں ترقیاتی منصوبوں پر کام جاری ہے میرپور آزاد کشمیر پاکستان حکومت وزیراعظم کے حوالے سے اجلاس منعقد ہوا جس میں اہم فیصلے کیے گئے عوام کے مسائل حل کرنے کے لیے اقدامات کیے جا رہے ہیں ترقیاتی منصوبوں پر کام جاری ہے میرپور آزاد کشمیر پاکستان حکومت وزیراعظم کے حوالے سے اجلاس منعقد ہوا جس میں اہم فیصلے کیے گئے عوام کے مسائل حل کرنے کے لیے اقدامات کیے جا رہے ہیں ترقیاتی منصوبوں پر کام جاری ہے میرپور آزاد کشمیر پاکستان حکومت وزیراعظم کے حوالے سے اجلاس منعقد ہوا جس میں اہم فیصلے کیے گئے عوام کے مسائل حل کرنے کے لیے اقدامات کیے جا رہے ہیں ترقیاتی منصوبوں پر کام جاری ہے میرپور آزاد کشمیر پاکستان حکومت وزیراعظم کے حوالے سے اجلاس منعقد ہوا جس میں اہم فیصلے کیے گئے عوام کے مسائل حل کرنے کے لیے اقدامات کیے جا رہے ہیں ترقیاتی منصوبوں پر کام جاری ہے میرپور آزاد کشمیر پاکستان حکومت وزیراعظم کے حوالے سے اجلاس منعقد ہوا جس میں اہم فیصلے کیے گئے عوام کے مسائل حل کرنے کے لیے اقدامات کیے جا رہے ہیں ترقیاتی منصوبوں پر کام جاری ہے میرپور آزاد کشمیر پاکستان حکومت وزیراعظم کے حوالے سے اجلاس منعقد ہوا جس میں اہم فیصلے کیے گئے عوام کے مسائل حل کرنے کے لیے اقدامات کیے جا رہے ہیں ترقیاتی منصوبوں پر کام جاری ہے میرپور آزاد کشمیر پاکستان حکومت وزیراعظم کے حوالے سے اجلاس منعقد ہوا جس میں اہم فیصلے کیے گئے عوام کے مسائل حل کرنے کے لیے اقدامات کیے جا رہے ہیں ترقیاتی منصوبوں پر کام جاری ہے میرپور آزاد کشمیر پاکستان حکومت وزیراعظم کے حوالے سے اجلاس منعقد ہوا جس میں اہم فیصلے کیے گئے عوام کے مسائل حل کرنے کے لیے اقدامات کیے جا رہے ہیں ترقیاتی منصوبوں پر کام جاری ہے میرپور آزاد کشمیر پاکستان حکومت وزیراعظم کے حوالے سے اجلاس منعقد ہوا جس میں اہم فیصلے کیے گئے عوام کے مسائل حل کرنے کے لیے اقدامات کیے جا رہے ہیں ترقیاتی منصوبوں پر کام جاری ہے میرپور آزاد کشمیر پاکستان حکومت وزیراعظم کے حوالے سے اجلاس منعقد ہوا جس میں اہم فیصلے کیے گئے عوام کے مسائل حل کرنے کے لیے اقدامات کیے جا رہے ہیں ترقیاتی منصوبوں پر کام جاری ہے میرپور آزاد کشمیر پاکستان حکومت وزیراعظم کے حوالے سے اجلاس منعقد ہوا جس میں اہم فیصلے کیے گئے عوام کے مسائل حل کرنے کے لیے اقدامات کیے جا رہے ہیں ترقیاتی منصوبوں پر کام جاری ہے میرپور آزاد کشمیر پاکستان حکومت وزیراعظم کے حوالے سے اجلاس منعقد ہوا جس میں اہم فیصلے کیے گئے عوام کے مسائل حل کرنے کے لیے اقدامات کیے جا رہے ہیں ترقیاتی منصوبوں پر کام جاری ہے میرپور آزاد کشمیر پاکستان حکومت وزیراعظم کے حوالے سے اجلاس منعقد ہوا جس میں اہم فیصلے کیے گئے عوام کے مسائل حل کرنے کے لیے اقدامات کیے جا رہے ہیں ترقیاتی منصوبوں پر کام جاری ہے میرپور آزاد کشمیر پاکستان حکومت وزیراعظم کے حوالے سے اجلاس منعقد ہوا جس میں اہم فیصلے کیے گئے عوام کے مسائل حل کرنے کے لیے اقدامات کیے جا رہے ہیں ترقیاتی منصوبوں پر کام جاری ہے میرپور آزاد کشمیر پاکستان حکومت وزیراعظم کے حوالے سے اجلاس منعقد ہوا جس میں اہم فیصلے کیے گئے عوام کے مسائل حل کرنے کے لیے اقدامات کیے جا رہے ہیں ترقیاتی منصوبوں پر کام جاری ہے میرپور آزاد کشمیر پاکستان حکومت وزیراعظم کے حوالے سے اجلاس منعقد ہوا جس میں اہم فیصلے کیے گئے عوام کے مسائل حل کرنے کے لیے اقدامات کیے جا رہے ہیں ترقیاتی منصوبوں پر کام جاری ہے میرپور آزاد کشمیر پاکستان حکومت وزیراعظم کے حوالے سے اجلاس منعقد ہوا جس میں اہم فیصلے کیے گئے عوام کے مسائل حل کرنے کے لیے اقدامات کیے جا رہے ہیں ترقیاتی منصوبوں پر کام جاری ہے میرپور آزاد کشمیر پاکستان حکومت وزیراعظم کے حوالے سے اجلاس منعقد ہوا جس میں اہم فیصلے کیے گئے عوام کے مسائل حل کرنے کے لیے اقدامات کیے جا رہے ہیں ترقیاتی منصوبوں پر کام جاری ہے میرپور آزاد کشمیر پاکستان حکومت وزیراعظم کے حوالے سے اجلاس منعقد ہوا جس میں اہم فیصلے کیے گئے عوام کے مسائل حل کرنے کے لیے اقدامات کیے جا رہے ہیں ترقیاتی منصوبوں پر کام جاری ہے میرپور آزاد کشمیر پاکستان حکومت وزیراعظم کے حوالے سے اجلاس منعقد ہوا جس میں اہم فیصلے کیے گئے عوام کے مسائل حل کرنے کے لیے اقدامات کیے جا رہے ہیں ترقیاتی منصوبوں پر کام جاری ہے میرپور آزاد کشمیر پاکستان حکومت وزیراعظم کے حوالے سے اجلاس منعقد ہوا جس میں اہم فیصلے کیے گئے عوام کے مسائل حل کرنے کے لیے اقدامات کیے جا رہے ہیں ترقیاتی منصوبوں پر کام جاری ہے میرپور آزاد کشمیر پاکستان حکومت وزیراعظم کے حوالے سے اجلاس منعقد ہوا جس میں اہم فیصلے کیے گئے عوام کے مسائل حل کرنے کے لیے اقدامات کیے جا رہے ہیں ترقیاتی منصوبوں پر کام جاری ہے میرپور آزاد کشمیر پاکستان حکومت وزیراعظم کے حوالے سے اجلاس منعقد ہوا جس میں اہم فیصلے کیے گئے عوام کے مسائل حل کرنے کے لیے اقدامات کیے جا رہے ہیں ترقیاتی منصوبوں پر کام جاری ہے
☆☆☆☆☆☆
ادارہ پاکستان فاؤنڈیشن میرپور آزاد کشمیر
میرپور آزاد کشمیر پاکستان حکومت وزیراعظم کے حوالے سے اجلاس منعقد ہوا جس میں اہم فیصلے کیے گئے عوام کے مسائل حل کرنے کے لیے اقدامات کیے جا رہے ہیں ترقیاتی منصوبوں پر کام جاری ہے میرپور آزاد کشمیر پاکستان حکومت وزیراعظم کے حوالے سے اجلاس منعقد ہوا جس میں اہم فیصلے کیے گئے عوام کے مسائل حل کرنے کے لیے اقدامات کیے جا رہے ہیں ترقیاتی منصوبوں پر کام جاری ہے میرپور آزاد کشمیر پاکستان حکومت وزیراعظم کے حوالے سے اجلاس منعقد ہوا جس میں اہم فیصلے کیے گئے عوام کے مسائل حل کرنے کے لیے اقدامات کیے جا رہے ہیں ترقیاتی منصوبوں پر کام جاری ہے میرپور آزاد کشمیر پاکستان حکومت وزیراعظم کے حوالے سے اجلاس منعقد ہوا جس میں اہم فیصلے کیے گئے عوام کے مسائل حل کرنے کے لیے اقدامات کیے جا رہے ہیں ترقیاتی منصوبوں پر کام جاری ہے میرپور آزاد کشمیر پاکستان حکومت وزیراعظم کے حوالے سے اجلاس منعقد ہوا جس میں اہم فیصلے کیے گئے عوام کے مسائل حل کرنے کے لیے اقدامات کیے جا رہے ہیں ترقیاتی منصوبوں پر کام جاری ہے میرپور آزاد کشمیر پاکستان حکومت وزیراعظم کے حوالے سے اجلاس منعقد ہوا جس میں اہم فیصلے کیے گئے عوام کے مسائل حل کرنے کے لیے اقدامات کیے جا رہے ہیں ترقیاتی منصوبوں پر کام جاری ہے میرپور آزاد کشمیر پاکستان حکومت وزیراعظم کے حوالے سے اجلاس منعقد ہوا جس میں اہم فیصلے کیے گئے عوام کے مسائل حل کرنے کے لیے اقدامات کیے جا رہے ہیں ترقیاتی منصوبوں پر کام جاری ہے میرپور آزاد کشمیر پاکستان حکومت وزیراعظم کے حوالے سے اجلاس منعقد ہوا جس میں اہم فیصلے کیے گئے عوام کے مسائل حل کرنے کے لیے اقدامات کیے جا رہے ہیں ترقیاتی منصوبوں پر کام جاری ہے میرپور آزاد کشمیر پاکستان حکومت وزیراعظم کے حوالے سے اجلاس منعقد ہوا جس میں اہم فیصلے کیے گئے عوام کے مسائل حل کرنے کے لیے اقدامات کیے جا رہے ہیں ترقیاتی منصوبوں پر کام جاری ہے میرپور آزاد کشمیر پاکستان حکومت وزیراعظم کے حوالے سے اجلاس منعقد ہوا جس میں اہم فیصلے کیے گئے عوام کے مسائل حل کرنے کے لیے اقدامات کیے جا رہے ہیں ترقیاتی منصوبوں پر کام جاری ہے
اشتہار برائے گمشدگی اصل کاغذات ملکیت
بینتر
95
میرپور آزاد کشمیر پاکستان حکومت وزیراعظم کے حوالے سے اجلاس منعقد ہوا جس میں اہم فیصلے کیے گئے عوام کے مسائل حل کرنے کے لیے اقدامات کیے جا رہے ہیں ترقیاتی منصوبوں پر کام جاری ہے میرپور آزاد کشمیر پاکستان حکومت وزیراعظم کے حوالے سے اجلاس منعقد ہوا جس میں اہم فیصلے کیے گئے عوام کے مسائل حل کرنے کے لیے اقدامات کیے جا رہے ہیں ترقیاتی منصوبوں پر کام جاری ہے میرپور آزاد کشمیر پاکستان حکومت وزیراعظم کے حوالے سے اجلاس منعقد ہوا جس میں اہم فیصلے کیے گئے عوام کے مسائل حل کرنے کے لیے اقدامات کیے جا رہے ہیں ترقیاتی منصوبوں پر کام جاری ہے میرپور آزاد کشمیر پاکستان حکومت وزیراعظم کے حوالے سے اجلاس منعقد ہوا جس میں اہم فیصلے کیے گئے عوام کے مسائل حل کرنے کے لیے اقدامات کیے جا رہے ہیں ترقیاتی منصوبوں پر کام جاری ہے میرپور آزاد کشمیر پاکستان حکومت وزیراعظم کے حوالے سے اجلاس منعقد ہوا جس میں اہم فیصلے کیے گئے عوام کے مسائل حل کرنے کے لیے اقدامات کیے جا رہے ہیں ترقیاتی منصوبوں پر کام جاری ہے میرپور آزاد کشمیر پاکستان حکومت وزیراعظم کے حوالے سے اجلاس منعقد ہوا جس میں اہم فیصلے کیے گئے عوام کے مسائل حل کرنے کے لیے اقدامات کیے جا رہے ہیں ترقیاتی منصوبوں پر کام جاری ہے میرپور آزاد کشمیر پاکستان حکومت وزیراعظم کے حوالے سے اجلاس منعقد ہوا جس میں اہم فیصلے کیے گئے عوام کے مسائل حل کرنے کے لیے اقدامات کیے جا رہے ہیں ترقیاتی منصوبوں پر کام جاری ہے میرپور آزاد کشمیر پاکستان حکومت وزیراعظم کے حوالے سے اجلاس منعقد ہوا جس میں اہم فیصلے کیے گئے عوام کے مسائل حل کرنے کے لیے اقدامات کیے جا رہے ہیں ترقیاتی منصوبوں پر کام جاری ہے میرپور آزاد کشمیر پاکستان حکومت وزیراعظم کے حوالے سے اجلاس منعقد ہوا جس میں اہم فیصلے کیے گئے عوام کے مسائل حل کرنے کے لیے اقدامات کیے جا رہے ہیں ترقیاتی منصوبوں پر کام جاری ہے میرپور آزاد کشمیر پاکستان حکومت وزیراعظم کے حوالے سے اجلاس منعقد ہوا جس میں اہم فیصلے کیے گئے عوام کے مسائل حل کرنے کے لیے اقدامات کیے جا رہے ہیں ترقیاتی منصوبوں پر کام جاری ہے میرپور آزاد کشمیر پاکستان حکومت وزیراعظم کے حوالے سے اجلاس منعقد ہوا جس میں اہم فیصلے کیے گئے عوام کے مسائل حل کرنے کے لیے اقدامات کیے جا رہے ہیں ترقیاتی منصوبوں پر کام جاری ہے میرپور آزاد کشمیر پاکستان حکومت وزیراعظم کے حوالے سے اجلاس منعقد ہوا جس میں اہم فیصلے کیے گئے عوام کے مسائل حل کرنے کے لیے اقدامات کیے جا رہے ہیں ترقیاتی منصوبوں پر کام جاری ہے میرپور آزاد کشمیر پاکستان حکومت وزیراعظم کے حوالے سے اجلاس منعقد ہوا جس میں اہم فیصلے کیے گئے عوام کے مسائل حل کرنے کے لیے اقدامات کیے جا رہے ہیں ترقیاتی منصوبوں پر کام جاری ہے میرپور آزاد کشمیر پاکستان حکومت وزیراعظم کے حوالے سے اجلاس منعقد ہوا جس میں اہم فیصلے کیے گئے عوام کے مسائل حل کرنے کے لیے اقدا
